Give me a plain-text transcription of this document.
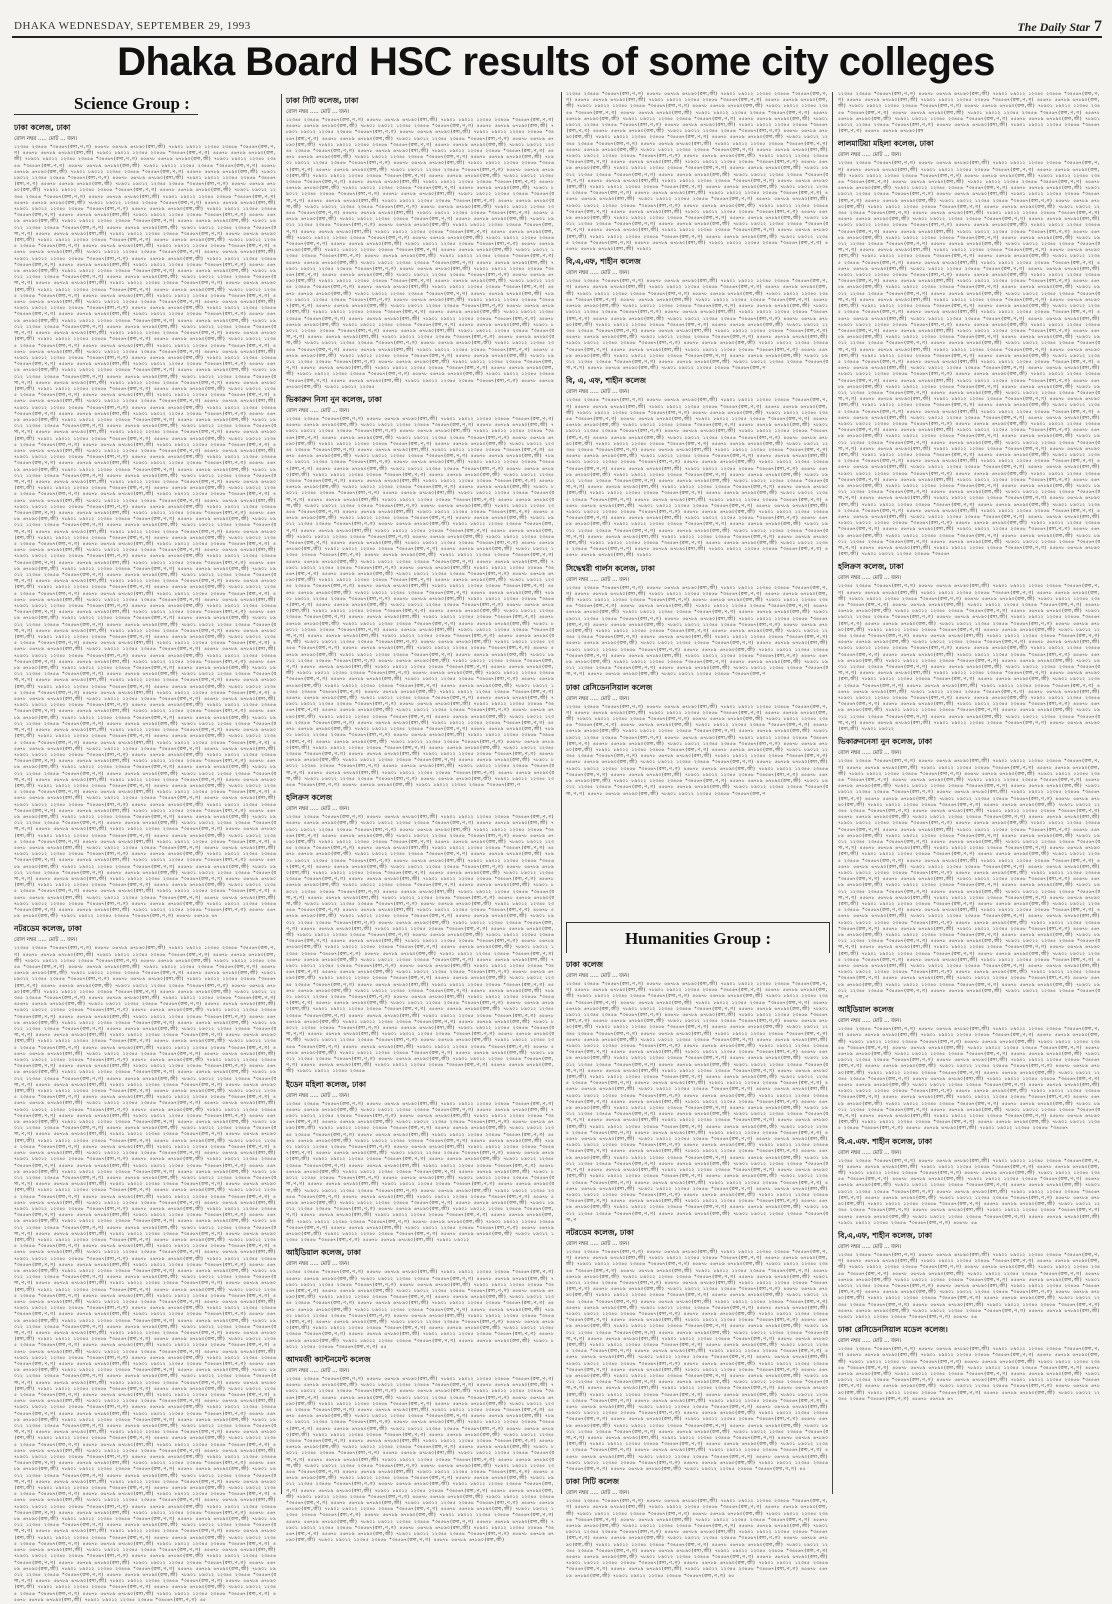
DHAKA WEDNESDAY, SEPTEMBER 29, 1993	The Daily Star 7
Dhaka Board HSC results of some city colleges
Science Group :
ঢাকা কলেজ, ঢাকা
রোল নম্বর ..... মোট ... জন।
১২৩৪৫ ২৩৪৫৬ *৩৪৫৬৭(রসা,প,গ) ৪৫৬৭৮ ৫৬৭৮৯ ৬৭৮৯০(রসা,জী) ৭৮৯০১ ৮৯০১২ ১২৩৪৫ ২৩৪৫৬ *৩৪৫৬৭(রসা,প,গ) ৪৫৬৭৮ ৫৬৭৮৯ ৬৭৮৯০(রসা,জী) ৭৮৯০১ ৮৯০১২ ১২৩৪৫ ২৩৪৫৬ *৩৪৫৬৭(রসা,প,গ) ৪৫৬৭৮ ৫৬৭৮৯ ৬৭৮৯০(রসা,জী) ৭৮৯০১ ৮৯০১২ ১২৩৪৫ ২৩৪৫৬ *৩৪৫৬৭(রসা,প,গ) ৪৫৬৭৮ ৫৬৭৮৯ ৬৭৮৯০(রসা,জী) ৭৮৯০১ ৮৯০১২ ১২৩৪৫ ২৩৪৫৬ *৩৪৫৬৭(রসা,প,গ) ৪৫৬৭৮ ৫৬৭৮৯ ৬৭৮৯০(রসা,জী) ৭৮৯০১ ৮৯০১২ ১২৩৪৫ ২৩৪৫৬ *৩৪৫৬৭(রসা,প,গ) ৪৫৬৭৮ ৫৬৭৮৯ ৬৭৮৯০(রসা,জী) ৭৮৯০১ ৮৯০১২ ১২৩৪৫ ২৩৪৫৬ *৩৪৫৬৭(রসা,প,গ) ৪৫৬৭৮ ৫৬৭৮৯ ৬৭৮৯০(রসা,জী) ৭৮৯০১ ৮৯০১২ ১২৩৪৫ ২৩৪৫৬ *৩৪৫৬৭(রসা,প,গ) ৪৫৬৭৮ ৫৬৭৮৯ ৬৭৮৯০(রসা,জী) ৭৮৯০১ ৮৯০১২ ১২৩৪৫ ২৩৪৫৬ *৩৪৫৬৭(রসা,প,গ) ৪৫৬৭৮ ৫৬৭৮৯ ৬৭৮৯০(রসা,জী) ৭৮৯০১ ৮৯০১২ ১২৩৪৫ ২৩৪৫৬ *৩৪৫৬৭(রসা,প,গ) ৪৫৬৭৮ ৫৬৭৮৯ ৬৭৮৯০(রসা,জী) ৭৮৯০১ ৮৯০১২ ১২৩৪৫ ২৩৪৫৬ *৩৪৫৬৭(রসা,প,গ) ৪৫৬৭৮ ৫৬৭৮৯ ৬৭৮৯০(রসা,জী) ৭৮৯০১ ৮৯০১২ ১২৩৪৫ ২৩৪৫৬ *৩৪৫৬৭(রসা,প,গ) ৪৫৬৭৮ ৫৬৭৮৯ ৬৭৮৯০(রসা,জী) ৭৮৯০১ ৮৯০১২ ১২৩৪৫ ২৩৪৫৬ *৩৪৫৬৭(রসা,প,গ) ৪৫৬৭৮ ৫৬৭৮৯ ৬৭৮৯০(রসা,জী) ৭৮৯০১ ৮৯০১২ ১২৩৪৫ ২৩৪৫৬ *৩৪৫৬৭(রসা,প,গ) ৪৫৬৭৮ ৫৬৭৮৯ ৬৭৮৯০(রসা,জী) ৭৮৯০১ ৮৯০১২ ১২৩৪৫ ২৩৪৫৬ *৩৪৫৬৭(রসা,প,গ) ৪৫৬৭৮ ৫৬৭৮৯ ৬৭৮৯০(রসা,জী) ৭৮৯০১ ৮৯০১২ ১২৩৪৫ ২৩৪৫৬ *৩৪৫৬৭(রসা,প,গ) ৪৫৬৭৮ ৫৬৭৮৯ ৬৭৮৯০(রসা,জী) ৭৮৯০১ ৮৯০১২ ১২৩৪৫ ২৩৪৫৬ *৩৪৫৬৭(রসা,প,গ) ৪৫৬৭৮ ৫৬৭৮৯ ৬৭৮৯০(রসা,জী) ৭৮৯০১ ৮৯০১২ ১২৩৪৫ ২৩৪৫৬ *৩৪৫৬৭(রসা,প,গ) ৪৫৬৭৮ ৫৬৭৮৯ ৬৭৮৯০(রসা,জী) ৭৮৯০১ ৮৯০১২ ১২৩৪৫ ২৩৪৫৬ *৩৪৫৬৭(রসা,প,গ) ৪৫৬৭৮ ৫৬৭৮৯ ৬৭৮৯০(রসা,জী) ৭৮৯০১ ৮৯০১২ ১২৩৪৫ ২৩৪৫৬ *৩৪৫৬৭(রসা,প,গ) ৪৫৬৭৮ ৫৬৭৮৯ ৬৭৮৯০(রসা,জী) ৭৮৯০১ ৮৯০১২ ১২৩৪৫ ২৩৪৫৬ *৩৪৫৬৭(রসা,প,গ) ৪৫৬৭৮ ৫৬৭৮৯ ৬৭৮৯০(রসা,জী) ৭৮৯০১ ৮৯০১২ ১২৩৪৫ ২৩৪৫৬ *৩৪৫৬৭(রসা,প,গ) ৪৫৬৭৮ ৫৬৭৮৯ ৬৭৮৯০(রসা,জী) ৭৮৯০১ ৮৯০১২ ১২৩৪৫ ২৩৪৫৬ *৩৪৫৬৭(রসা,প,গ) ৪৫৬৭৮ ৫৬৭৮৯ ৬৭৮৯০(রসা,জী) ৭৮৯০১ ৮৯০১২ ১২৩৪৫ ২৩৪৫৬ *৩৪৫৬৭(রসা,প,গ) ৪৫৬৭৮ ৫৬৭৮৯ ৬৭৮৯০(রসা,জী) ৭৮৯০১ ৮৯০১২ ১২৩৪৫ ২৩৪৫৬ *৩৪৫৬৭(রসা,প,গ) ৪৫৬৭৮ ৫৬৭৮৯ ৬৭৮৯০(রসা,জী) ৭৮৯০১ ৮৯০১২ ১২৩৪৫ ২৩৪৫৬ *৩৪৫৬৭(রসা,প,গ) ৪৫৬৭৮ ৫৬৭৮৯ ৬৭৮৯০(রসা,জী) ৭৮৯০১ ৮৯০১২ ১২৩৪৫ ২৩৪৫৬ *৩৪৫৬৭(রসা,প,গ) ৪৫৬৭৮ ৫৬৭৮৯ ৬৭৮৯০(রসা,জী) ৭৮৯০১ ৮৯০১২ ১২৩৪৫ ২৩৪৫৬ *৩৪৫৬৭(রসা,প,গ) ৪৫৬৭৮ ৫৬৭৮৯ ৬৭৮৯০(রসা,জী) ৭৮৯০১ ৮৯০১২ ১২৩৪৫ ২৩৪৫৬ *৩৪৫৬৭(রসা,প,গ) ৪৫৬৭৮ ৫৬৭৮৯ ৬৭৮৯০(রসা,জী) ৭৮৯০১ ৮৯০১২ ১২৩৪৫ ২৩৪৫৬ *৩৪৫৬৭(রসা,প,গ) ৪৫৬৭৮ ৫৬৭৮৯ ৬৭৮৯০(রসা,জী) ৭৮৯০১ ৮৯০১২ ১২৩৪৫ ২৩৪৫৬ *৩৪৫৬৭(রসা,প,গ) ৪৫৬৭৮ ৫৬৭৮৯ ৬৭৮৯০(রসা,জী) ৭৮৯০১ ৮৯০১২ ১২৩৪৫ ২৩৪৫৬ *৩৪৫৬৭(রসা,প,গ) ৪৫৬৭৮ ৫৬৭৮৯ ৬৭৮৯০(রসা,জী) ৭৮৯০১ ৮৯০১২ ১২৩৪৫ ২৩৪৫৬ *৩৪৫৬৭(রসা,প,গ) ৪৫৬৭৮ ৫৬৭৮৯ ৬৭৮৯০(রসা,জী) ৭৮৯০১ ৮৯০১২ ১২৩৪৫ ২৩৪৫৬ *৩৪৫৬৭(রসা,প,গ) ৪৫৬৭৮ ৫৬৭৮৯ ৬৭৮৯০(রসা,জী) ৭৮৯০১ ৮৯০১২ ১২৩৪৫ ২৩৪৫৬ *৩৪৫৬৭(রসা,প,গ) ৪৫৬৭৮ ৫৬৭৮৯ ৬৭৮৯০(রসা,জী) ৭৮৯০১ ৮৯০১২ ১২৩৪৫ ২৩৪৫৬ *৩৪৫৬৭(রসা,প,গ) ৪৫৬৭৮ ৫৬৭৮৯ ৬৭৮৯০(রসা,জী) ৭৮৯০১ ৮৯০১২ ১২৩৪৫ ২৩৪৫৬ *৩৪৫৬৭(রসা,প,গ) ৪৫৬৭৮ ৫৬৭৮৯ ৬৭৮৯০(রসা,জী) ৭৮৯০১ ৮৯০১২ ১২৩৪৫ ২৩৪৫৬ *৩৪৫৬৭(রসা,প,গ) ৪৫৬৭৮ ৫৬৭৮৯ ৬৭৮৯০(রসা,জী) ৭৮৯০১ ৮৯০১২ ১২৩৪৫ ২৩৪৫৬ *৩৪৫৬৭(রসা,প,গ) ৪৫৬৭৮ ৫৬৭৮৯ ৬৭৮৯০(রসা,জী) ৭৮৯০১ ৮৯০১২ ১২৩৪৫ ২৩৪৫৬ *৩৪৫৬৭(রসা,প,গ) ৪৫৬৭৮ ৫৬৭৮৯ ৬৭৮৯০(রসা,জী) ৭৮৯০১ ৮৯০১২ ১২৩৪৫ ২৩৪৫৬ *৩৪৫৬৭(রসা,প,গ) ৪৫৬৭৮ ৫৬৭৮৯ ৬৭৮৯০(রসা,জী) ৭৮৯০১ ৮৯০১২ ১২৩৪৫ ২৩৪৫৬ *৩৪৫৬৭(রসা,প,গ) ৪৫৬৭৮ ৫৬৭৮৯ ৬৭৮৯০(রসা,জী) ৭৮৯০১ ৮৯০১২ ১২৩৪৫ ২৩৪৫৬ *৩৪৫৬৭(রসা,প,গ) ৪৫৬৭৮ ৫৬৭৮৯ ৬৭৮৯০(রসা,জী) ৭৮৯০১ ৮৯০১২ ১২৩৪৫ ২৩৪৫৬ *৩৪৫৬৭(রসা,প,গ) ৪৫৬৭৮ ৫৬৭৮৯ ৬৭৮৯০(রসা,জী) ৭৮৯০১ ৮৯০১২ ১২৩৪৫ ২৩৪৫৬ *৩৪৫৬৭(রসা,প,গ) ৪৫৬৭৮ ৫৬৭৮৯ ৬৭৮৯০(রসা,জী) ৭৮৯০১ ৮৯০১২ ১২৩৪৫ ২৩৪৫৬ *৩৪৫৬৭(রসা,প,গ) ৪৫৬৭৮ ৫৬৭৮৯ ৬৭৮৯০(রসা,জী) ৭৮৯০১ ৮৯০১২ ১২৩৪৫ ২৩৪৫৬ *৩৪৫৬৭(রসা,প,গ) ৪৫৬৭৮ ৫৬৭৮৯ ৬৭৮৯০(রসা,জী) ৭৮৯০১ ৮৯০১২ ১২৩৪৫ ২৩৪৫৬ *৩৪৫৬৭(রসা,প,গ) ৪৫৬৭৮ ৫৬৭৮৯ ৬৭৮৯০(রসা,জী) ৭৮৯০১ ৮৯০১২ ১২৩৪৫ ২৩৪৫৬ *৩৪৫৬৭(রসা,প,গ) ৪৫৬৭৮ ৫৬৭৮৯ ৬৭৮৯০(রসা,জী) ৭৮৯০১ ৮৯০১২ ১২৩৪৫ ২৩৪৫৬ *৩৪৫৬৭(রসা,প,গ) ৪৫৬৭৮ ৫৬৭৮৯ ৬৭৮৯০(রসা,জী) ৭৮৯০১ ৮৯০১২ ১২৩৪৫ ২৩৪৫৬ *৩৪৫৬৭(রসা,প,গ) ৪৫৬৭৮ ৫৬৭৮৯ ৬৭৮৯০(রসা,জী) ৭৮৯০১ ৮৯০১২ ১২৩৪৫ ২৩৪৫৬ *৩৪৫৬৭(রসা,প,গ) ৪৫৬৭৮ ৫৬৭৮৯ ৬৭৮৯০(রসা,জী) ৭৮৯০১ ৮৯০১২ ১২৩৪৫ ২৩৪৫৬ *৩৪৫৬৭(রসা,প,গ) ৪৫৬৭৮ ৫৬৭৮৯ ৬৭৮৯০(রসা,জী) ৭৮৯০১ ৮৯০১২ ১২৩৪৫ ২৩৪৫৬ *৩৪৫৬৭(রসা,প,গ) ৪৫৬৭৮ ৫৬৭৮৯ ৬৭৮৯০(রসা,জী) ৭৮৯০১ ৮৯০১২ ১২৩৪৫ ২৩৪৫৬ *৩৪৫৬৭(রসা,প,গ) ৪৫৬৭৮ ৫৬৭৮৯ ৬৭৮৯০(রসা,জী) ৭৮৯০১ ৮৯০১২ ১২৩৪৫ ২৩৪৫৬ *৩৪৫৬৭(রসা,প,গ) ৪৫৬৭৮ ৫৬৭৮৯ ৬৭৮৯০(রসা,জী) ৭৮৯০১ ৮৯০১২ ১২৩৪৫ ২৩৪৫৬ *৩৪৫৬৭(রসা,প,গ) ৪৫৬৭৮ ৫৬৭৮৯ ৬৭৮৯০(রসা,জী) ৭৮৯০১ ৮৯০১২ ১২৩৪৫ ২৩৪৫৬ *৩৪৫৬৭(রসা,প,গ) ৪৫৬৭৮ ৫৬৭৮৯ ৬৭৮৯০(রসা,জী) ৭৮৯০১ ৮৯০১২ ১২৩৪৫ ২৩৪৫৬ *৩৪৫৬৭(রসা,প,গ) ৪৫৬৭৮ ৫৬৭৮৯ ৬৭৮৯০(রসা,জী) ৭৮৯০১ ৮৯০১২ ১২৩৪৫ ২৩৪৫৬ *৩৪৫৬৭(রসা,প,গ) ৪৫৬৭৮ ৫৬৭৮৯ ৬৭৮৯০(রসা,জী) ৭৮৯০১ ৮৯০১২ ১২৩৪৫ ২৩৪৫৬ *৩৪৫৬৭(রসা,প,গ) ৪৫৬৭৮ ৫৬৭৮৯ ৬৭৮৯০(রসা,জী) ৭৮৯০১ ৮৯০১২ ১২৩৪৫ ২৩৪৫৬ *৩৪৫৬৭(রসা,প,গ) ৪৫৬৭৮ ৫৬৭৮৯ ৬৭৮৯০(রসা,জী) ৭৮৯০১ ৮৯০১২ ১২৩৪৫ ২৩৪৫৬ *৩৪৫৬৭(রসা,প,গ) ৪৫৬৭৮ ৫৬৭৮৯ ৬৭৮৯০(রসা,জী) ৭৮৯০১ ৮৯০১২ ১২৩৪৫ ২৩৪৫৬ *৩৪৫৬৭(রসা,প,গ) ৪৫৬৭৮ ৫৬৭৮৯ ৬৭৮৯০(রসা,জী) ৭৮৯০১ ৮৯০১২ ১২৩৪৫ ২৩৪৫৬ *৩৪৫৬৭(রসা,প,গ) ৪৫৬৭৮ ৫৬৭৮৯ ৬৭৮৯০(রসা,জী) ৭৮৯০১ ৮৯০১২ ১২৩৪৫ ২৩৪৫৬ *৩৪৫৬৭(রসা,প,গ) ৪৫৬৭৮ ৫৬৭৮৯ ৬৭৮৯০(রসা,জী) ৭৮৯০১ ৮৯০১২ ১২৩৪৫ ২৩৪৫৬ *৩৪৫৬৭(রসা,প,গ) ৪৫৬৭৮ ৫৬৭৮৯ ৬৭৮৯০(রসা,জী) ৭৮৯০১ ৮৯০১২ ১২৩৪৫ ২৩৪৫৬ *৩৪৫৬৭(রসা,প,গ) ৪৫৬৭৮ ৫৬৭৮৯ ৬৭৮৯০(রসা,জী) ৭৮৯০১ ৮৯০১২ ১২৩৪৫ ২৩৪৫৬ *৩৪৫৬৭(রসা,প,গ) ৪৫৬৭৮ ৫৬৭৮৯ ৬৭৮৯০(রসা,জী) ৭৮৯০১ ৮৯০১২ ১২৩৪৫ ২৩৪৫৬ *৩৪৫৬৭(রসা,প,গ) ৪৫৬৭৮ ৫৬৭৮৯ ৬৭৮৯০(রসা,জী) ৭৮৯০১ ৮৯০১২ ১২৩৪৫ ২৩৪৫৬ *৩৪৫৬৭(রসা,প,গ) ৪৫৬৭৮ ৫৬৭৮৯ ৬৭৮৯০(রসা,জী) ৭৮৯০১ ৮৯০১২ ১২৩৪৫ ২৩৪৫৬ *৩৪৫৬৭(রসা,প,গ) ৪৫৬৭৮ ৫৬৭৮৯ ৬৭৮৯০(রসা,জী) ৭৮৯০১ ৮৯০১২ ১২৩৪৫ ২৩৪৫৬ *৩৪৫৬৭(রসা,প,গ) ৪৫৬৭৮ ৫৬৭৮৯ ৬৭৮৯০(রসা,জী) ৭৮৯০১ ৮৯০১২ ১২৩৪৫ ২৩৪৫৬ *৩৪৫৬৭(রসা,প,গ) ৪৫৬৭৮ ৫৬৭৮৯ ৬৭৮৯০(রসা,জী) ৭৮৯০১ ৮৯০১২ ১২৩৪৫ ২৩৪৫৬ *৩৪৫৬৭(রসা,প,গ) ৪৫৬৭৮ ৫৬৭৮৯ ৬৭৮৯০(রসা,জী) ৭৮৯০১ ৮৯০১২ ১২৩৪৫ ২৩৪৫৬ *৩৪৫৬৭(রসা,প,গ) ৪৫৬৭৮ ৫৬৭৮৯ ৬৭৮৯০(রসা,জী) ৭৮৯০১ ৮৯০১২ ১২৩৪৫ ২৩৪৫৬ *৩৪৫৬৭(রসা,প,গ) ৪৫৬৭৮ ৫৬৭৮৯ ৬৭৮৯০(রসা,জী) ৭৮৯০১ ৮৯০১২ ১২৩৪৫ ২৩৪৫৬ *৩৪৫৬৭(রসা,প,গ) ৪৫৬৭৮ ৫৬৭৮৯ ৬৭৮৯০(রসা,জী) ৭৮৯০১ ৮৯০১২ ১২৩৪৫ ২৩৪৫৬ *৩৪৫৬৭(রসা,প,গ) ৪৫৬৭৮ ৫৬৭৮৯ ৬৭৮৯০(রসা,জী) ৭৮৯০১ ৮৯০১২ ১২৩৪৫ ২৩৪৫৬ *৩৪৫৬৭(রসা,প,গ) ৪৫৬৭৮ ৫৬৭৮৯ ৬৭৮৯০(রসা,জী) ৭৮৯০১ ৮৯০১২ ১২৩৪৫ ২৩৪৫৬ *৩৪৫৬৭(রসা,প,গ) ৪৫৬৭৮ ৫৬৭৮৯ ৬৭৮৯০(রসা,জী) ৭৮৯০১ ৮৯০১২ ১২৩৪৫ ২৩৪৫৬ *৩৪৫৬৭(রসা,প,গ) ৪৫৬৭৮ ৫৬৭৮৯ ৬৭৮৯০(রসা,জী) ৭৮৯০১ ৮৯০১২ ১২৩৪৫ ২৩৪৫৬ *৩৪৫৬৭(রসা,প,গ) ৪৫৬৭৮ ৫৬৭৮৯ ৬৭৮৯০(রসা,জী) ৭৮৯০১ ৮৯০১২ ১২৩৪৫ ২৩৪৫৬ *৩৪৫৬৭(রসা,প,গ) ৪৫৬৭৮ ৫৬৭৮৯ ৬৭৮৯০(রসা,জী) ৭৮৯০১ ৮৯০১২ ১২৩৪৫ ২৩৪৫৬ *৩৪৫৬৭(রসা,প,গ) ৪৫৬৭৮ ৫৬৭৮৯ ৬৭৮৯০(রসা,জী) ৭৮৯০১ ৮৯০১২ ১২৩৪৫ ২৩৪৫৬ *৩৪৫৬৭(রসা,প,গ) ৪৫৬৭৮ ৫৬৭৮৯ ৬৭৮৯০(রসা,জী) ৭৮৯০১ ৮৯০১২ ১২৩৪৫ ২৩৪৫৬ *৩৪৫৬৭(রসা,প,গ) ৪৫৬৭৮ ৫৬৭৮৯ ৬৭৮৯০(রসা,জী) ৭৮৯০১ ৮৯০১২ ১২৩৪৫ ২৩৪৫৬ *৩৪৫৬৭(রসা,প,গ) ৪৫৬৭৮ ৫৬৭৮৯ ৬৭৮৯০(রসা,জী) ৭৮৯০১ ৮৯০১২ ১২৩৪৫ ২৩৪৫৬ *৩৪৫৬৭(রসা,প,গ) ৪৫৬৭৮ ৫৬৭৮৯ ৬৭৮৯০(রসা,জী) ৭৮৯০১ ৮৯০১২ ১২৩৪৫ ২৩৪৫৬ *৩৪৫৬৭(রসা,প,গ) ৪৫৬৭৮ ৫৬৭৮৯ ৬৭৮৯০(রসা,জী) ৭৮৯০১ ৮৯০১২ ১২৩৪৫ ২৩৪৫৬ *৩৪৫৬৭(রসা,প,গ) ৪৫৬৭৮ ৫৬৭৮৯ ৬৭৮৯০(রসা,জী) ৭৮৯০১ ৮৯০১২ ১২৩৪৫ ২৩৪৫৬ *৩৪৫৬৭(রসা,প,গ) ৪৫৬৭৮ ৫৬৭৮৯ ৬৭৮৯০(রসা,জী) ৭৮৯০১ ৮৯০১২ ১২৩৪৫ ২৩৪৫৬ *৩৪৫৬৭(রসা,প,গ) ৪৫৬৭৮ ৫৬৭৮৯ ৬৭৮৯০(রসা,জী) ৭৮৯০১ ৮৯০১২ ১২৩৪৫ ২৩৪৫৬ *৩৪৫৬৭(রসা,প,গ) ৪৫৬৭৮ ৫৬৭৮৯ ৬৭৮৯০(রসা,জী) ৭৮৯০১ ৮৯০১২ ১২৩৪৫ ২৩৪৫৬ *৩৪৫৬৭(রসা,প,গ) ৪৫৬৭৮ ৫৬৭৮৯ ৬৭৮৯০(রসা,জী) ৭৮৯০১ ৮৯০১২ ১২৩৪৫ ২৩৪৫৬ *৩৪৫৬৭(রসা,প,গ) ৪৫৬৭৮ ৫৬৭৮৯ ৬৭৮৯০(রসা,জী) ৭৮৯০১ ৮৯০১২ ১২৩৪৫ ২৩৪৫৬ *৩৪৫৬৭(রসা,প,গ) ৪৫৬৭৮ ৫৬৭৮৯ ৬৭৮৯০(রসা,জী) ৭৮৯০১ ৮৯০১২ ১২৩৪৫ ২৩৪৫৬ *৩৪৫৬৭(রসা,প,গ) ৪৫৬৭৮ ৫৬৭৮৯ ৬৭৮৯০(রসা,জী) ৭৮৯০১ ৮৯০১২ ১২৩৪৫ ২৩৪৫৬ *৩৪৫৬৭(রসা,প,গ) ৪৫৬৭৮ ৫৬৭৮৯ ৬৭৮৯০(রসা,জী) ৭৮৯০১ ৮৯০১২ ১২৩৪৫ ২৩৪৫৬ *৩৪৫৬৭(রসা,প,গ) ৪৫৬৭৮ ৫৬৭৮৯ ৬৭৮৯০(রসা,জী) ৭৮৯০১ ৮৯০১২ ১২৩৪৫ ২৩৪৫৬ *৩৪৫৬৭(রসা,প,গ) ৪৫৬৭৮ ৫৬৭৮৯ ৬৭৮৯০(রসা,জী) ৭৮৯০১ ৮৯০১২ ১২৩৪৫ ২৩৪৫৬ *৩৪৫৬৭(রসা,প,গ) ৪৫৬৭৮ ৫৬৭৮৯ ৬৭৮৯০(রসা,জী) ৭৮৯০১ ৮৯০১২ ১২৩৪৫ ২৩৪৫৬ *৩৪৫৬৭(রসা,প,গ) ৪৫৬৭৮ ৫৬৭৮৯ ৬৭৮৯০(রসা,জী) ৭৮৯০১ ৮৯০১২ ১২৩৪৫ ২৩৪৫৬ *৩৪৫৬৭(রসা,প,গ) ৪৫৬৭৮ ৫৬৭৮৯ ৬৭৮৯০(রসা,জী) ৭৮৯০১ ৮৯০১২ ১২৩৪৫ ২৩৪৫৬ *৩৪৫৬৭(রসা,প,গ) ৪৫৬৭৮ ৫৬৭৮৯ ৬৭৮৯০(রসা,জী) ৭৮৯০১ ৮৯০১২ ১২৩৪৫ ২৩৪৫৬ *৩৪৫৬৭(রসা,প,গ) ৪৫৬৭৮ ৫৬৭৮৯ ৬৭৮৯০(রসা,জী) ৭৮৯০১ ৮৯০১২ ১২৩৪৫ ২৩৪৫৬ *৩৪৫৬৭(রসা,প,গ) ৪৫৬৭৮ ৫৬৭৮৯ ৬৭৮৯০(রসা,জী) ৭৮৯০১ ৮৯০১২ ১২৩৪৫ ২৩৪৫৬ *৩৪৫৬৭(রসা,প,গ) ৪৫৬৭৮ ৫৬৭৮৯ ৬৭৮৯০(রসা,জী) ৭৮৯০১ ৮৯০১২ ১২৩৪৫ ২৩৪৫৬ *৩৪৫৬৭(রসা,প,গ) ৪৫৬৭৮ ৫৬৭৮৯ ৬৭৮৯০(রসা,জী) ৭৮৯০১ ৮৯০১২ ১২৩৪৫ ২৩৪৫৬ *৩৪৫৬৭(রসা,প,গ) ৪৫৬৭৮ ৫৬৭৮৯ ৬৭৮৯০(রসা,জী) ৭৮৯০১ ৮৯০১২ ১২৩৪৫ ২৩৪৫৬ *৩৪৫৬৭(রসা,প,গ) ৪৫৬৭৮ ৫৬৭৮৯ ৬৭৮৯০(রসা,জী) ৭৮৯০১ ৮৯০১২ ১২৩৪৫ ২৩৪৫৬ *৩৪৫৬৭(রসা,প,গ) ৪৫৬৭৮ ৫৬৭৮৯ ৬৭৮৯০(রসা,জী) ৭৮৯০১ ৮৯০১২ ১২৩৪৫ ২৩৪৫৬ *৩৪৫৬৭(রসা,প,গ) ৪৫৬৭৮ ৫৬৭৮৯ ৬৭৮৯০(রসা,জী) ৭৮৯০১ ৮৯০১২ ১২৩৪৫ ২৩৪৫৬ *৩৪৫৬৭(রসা,প,গ) ৪৫৬৭৮ ৫৬৭৮৯ ৬৭৮৯০(রসা,জী) ৭৮৯০১ ৮৯০১২ ১২৩৪৫ ২৩৪৫৬ *৩৪৫৬৭(রসা,প,গ) ৪৫৬৭৮ ৫৬৭৮৯ ৬৭৮৯০(রসা,জী) ৭৮৯০১ ৮৯০১২ ১২৩৪৫ ২৩৪৫৬ *৩৪৫৬৭(রসা,প,গ) ৪৫৬৭৮ ৫৬৭৮৯ ৬৭৮৯০(রসা,জী) ৭৮৯০১ ৮৯০১২ ১২৩৪৫ ২৩৪৫৬ *৩৪৫৬৭(রসা,প,গ) ৪৫৬৭৮ ৫৬৭৮৯ ৬৭৮৯০(রসা,জী) ৭৮৯০১ ৮৯০১২ ১২৩৪৫ ২৩৪৫৬ *৩৪৫৬৭(রসা,প,গ) ৪৫৬৭৮ ৫৬৭৮৯ ৬৭৮৯০(রসা,জী) ৭৮৯০১ ৮৯০১২ ১২৩৪৫ ২৩৪৫৬ *৩৪৫৬৭(রসা,প,গ) ৪৫৬৭৮ ৫৬৭৮৯ ৬৭৮৯০(রসা,জী) ৭৮৯০১ ৮৯০১২ ১২৩৪৫ ২৩৪৫৬ *৩৪৫৬৭(রসা,প,গ) ৪৫৬৭৮ ৫৬৭৮৯ ৬৭৮৯০(রসা,জী) ৭৮৯০১ ৮৯০১২ ১২৩৪৫ ২৩৪৫৬ *৩৪৫৬৭(রসা,প,গ) ৪৫৬৭৮ ৫৬৭৮৯ ৬৭৮৯০(রসা,জী) ৭৮৯০১ ৮৯০১২ ১২৩৪৫ ২৩৪৫৬ *৩৪৫৬৭(রসা,প,গ) ৪৫৬৭৮ ৫৬৭৮৯ ৬৭৮৯০(রসা,জী) ৭৮৯০১ ৮৯০১২ ১২৩৪৫ ২৩৪৫৬ *৩৪৫৬৭(রসা,প,গ) ৪৫৬৭৮ ৫৬৭৮৯ ৬৭৮৯০(রসা,জী) ৭৮৯০১ ৮৯০১২ ১২৩৪৫ ২৩৪৫৬ *৩৪৫৬৭(রসা,প,গ) ৪৫৬৭৮ ৫৬৭৮৯ ৬৭৮৯০(রসা,জী) ৭৮৯০১ ৮৯০১২ ১২৩৪৫ ২৩৪৫৬ *৩৪৫৬৭(রসা,প,গ) ৪৫৬৭৮ ৫৬৭৮৯ ৬৭৮৯০(রসা,জী) ৭৮৯০১ ৮৯০১২ ১২৩৪৫ ২৩৪৫৬ *৩৪৫৬৭(রসা,প,গ) ৪৫৬৭৮ ৫৬৭৮৯ ৬৭৮৯০(রসা,জী) ৭৮৯০১ ৮৯০১২ ১২৩৪৫ ২৩৪৫৬ *৩৪৫৬৭(রসা,প,গ) ৪৫৬৭৮ ৫৬৭৮৯ ৬৭৮৯০(রসা,জী) ৭৮৯০১ ৮৯০১২ ১২৩৪৫ ২৩৪৫৬ *৩৪৫৬৭(রসা,প,গ) ৪৫৬৭৮ ৫৬৭৮৯ ৬৭৮৯০(রসা,জী) ৭৮৯০১ ৮৯০১২ ১২৩৪৫ ২৩৪৫৬ *৩৪৫৬৭(রসা,প,গ) ৪৫৬৭৮ ৫৬৭৮৯ ৬৭৮৯০(রসা,জী) ৭৮৯০১ ৮৯০১২ ১২৩৪৫ ২৩৪৫৬ *৩৪৫৬৭(রসা,প,গ) ৪৫৬৭৮ ৫৬৭৮৯ ৬৭৮৯০(রসা,জী) ৭৮৯০১ ৮৯০১২ ১২৩৪৫ ২৩৪৫৬ *৩৪৫৬৭(রসা,প,গ) ৪৫৬৭৮ ৫৬৭৮৯ ৬৭৮৯০(রসা,জী) ৭৮৯০১ ৮৯০১২ ১২৩৪৫ ২৩৪৫৬ *৩৪৫৬৭(রসা,প,গ) ৪৫৬৭৮ ৫৬৭৮৯ ৬৭৮৯০(রসা,জী) ৭৮৯০১ ৮৯০১২ ১২৩৪৫ ২৩৪৫৬ *৩৪৫৬৭(রসা,প,গ) ৪৫৬৭৮ ৫৬৭৮৯ ৬৭৮৯০(রসা,জী) ৭৮৯০১ ৮৯০১২ ১২৩৪৫ ২৩৪৫৬ *৩৪৫৬৭(রসা,প,গ) ৪৫৬৭৮ ৫৬৭৮৯ ৬৭৮৯০(রসা,জী) ৭৮৯০১ ৮৯০১২ ১২৩৪৫ ২৩৪৫৬ *৩৪৫৬৭(রসা,প,গ) ৪৫৬৭৮ ৫৬৭৮৯ ৬৭৮৯০(রসা,জী) ৭৮৯০১ ৮৯০১২ ১২৩৪৫ ২৩৪৫৬ *৩৪৫৬৭(রসা,প,গ) ৪৫৬৭৮ ৫৬৭৮৯ ৬৭৮৯০(রসা,জী) ৭৮৯০১ ৮৯০১২ ১২৩৪৫ ২৩৪৫৬ *৩৪৫৬৭(রসা,প,গ) ৪৫৬৭৮ ৫৬৭৮৯ ৬৭৮৯০(রসা,জী) ৭৮৯০১ ৮৯০১২ ১২৩৪৫ ২৩৪৫৬ *৩৪৫৬৭(রসা,প,গ) ৪৫৬৭৮ ৫৬৭৮৯ ৬৭৮৯০(রসা,জী) ৭৮৯০১ ৮৯০১২ ১২৩৪৫ ২৩৪৫৬ *৩৪৫৬৭(রসা,প,গ) ৪৫৬৭৮ ৫৬৭৮৯ ৬৭৮৯০(রসা,জী) ৭৮৯০১ ৮৯০১২ ১২৩৪৫ ২৩৪৫৬ *৩৪৫৬৭(রসা,প,গ) ৪৫৬৭৮ ৫৬৭৮৯ ৬৭৮৯০(রসা,জী) ৭৮৯০১ ৮৯০১২ ১২৩৪৫ ২৩৪৫৬ *৩৪৫৬৭(রসা,প,গ) ৪৫৬৭৮ ৫৬৭৮৯ ৬৭৮৯০(রসা,জী) ৭৮৯০১ ৮৯০১২ ১২৩৪৫ ২৩৪৫৬ *৩৪৫৬৭(রসা,প,গ) ৪৫৬৭৮ ৫৬৭৮৯ ৬৭৮৯০(রসা,জী) ৭৮৯০১ ৮৯০১২ ১২৩৪৫ ২৩৪৫৬ *৩৪৫৬৭(রসা,প,গ) ৪৫৬৭৮ ৫৬৭৮৯ ৬৭৮৯০(রসা,জী) ৭৮৯০১ ৮৯০১২ ১২৩৪৫ ২৩৪৫৬ *৩৪৫৬৭(রসা,প,গ) ৪৫৬৭৮ ৫৬৭৮৯ ৬৭৮৯০(রসা,জী) ৭৮৯০১ ৮৯০১২ ১২৩৪৫ ২৩৪৫৬ *৩৪৫৬৭(রসা,প,গ) ৪৫৬৭৮ ৫৬৭৮৯ ৬৭৮৯০(রসা,জী) ৭৮৯০১ ৮৯০১২ ১২৩৪৫ ২৩৪৫৬ *৩৪৫৬৭(রসা,প,গ) ৪৫৬৭৮ ৫৬৭৮৯ ৬৭৮৯০(রসা,জী) ৭৮৯০১ ৮৯০১২ ১২৩৪৫ ২৩৪৫৬ *৩৪৫৬৭(রসা,প,গ) ৪৫৬৭৮ ৫৬৭৮৯ ৬৭৮৯০(রসা,জী) ৭৮৯০১ ৮৯০১২ ১২৩৪৫ ২৩৪৫৬ *৩৪৫৬৭(রসা,প,গ) ৪৫৬৭৮ ৫৬৭৮৯ ৬৭৮৯০(রসা,জী) ৭৮৯০১ ৮৯০১২ ১২৩৪৫ ২৩৪৫৬ *৩৪৫৬৭(রসা,প,গ) ৪৫৬৭৮ ৫৬৭৮৯ ৬৭৮৯০(রসা,জী) ৭৮৯০১ ৮৯০১২ ১২৩৪৫ ২৩৪৫৬ *৩৪৫৬৭(রসা,প,গ) ৪৫৬৭৮ ৫৬৭৮৯ ৬৭৮৯০(রসা,জী) ৭৮৯০১ ৮৯০১২ ১২৩৪৫ ২৩৪৫৬ *৩৪৫৬৭(রসা,প,গ) ৪৫৬৭৮ ৫৬৭৮৯ ৬৭৮৯০(রসা,জী) ৭৮৯০১ ৮৯০১২ ১২৩৪৫ ২৩৪৫৬ *৩৪৫৬৭(রসা,প,গ) ৪৫৬৭৮ ৫৬৭৮৯ ৬৭৮৯০(রসা,জী) ৭৮৯০১ ৮৯০১২ ১২৩৪৫ ২৩৪৫৬ *৩৪৫৬৭(রসা,প,গ) ৪৫৬৭৮ ৫৬৭৮৯ ৬৭৮৯০(রসা,জী) ৭৮৯০১ ৮৯০১২ ১২৩৪৫ ২৩৪৫৬ *৩৪৫৬৭(রসা,প,গ) ৪৫৬৭৮ ৫৬৭৮৯ ৬৭৮৯০(রসা,জী) ৭৮৯০১ ৮৯০১২ ১২৩৪৫ ২৩৪৫৬ *৩৪৫৬৭(রসা,প,গ) ৪৫৬৭৮ ৫৬৭৮৯ ৬৭৮৯০(রসা,জী) ৭৮৯০১ ৮৯০১২ ১২৩৪৫ ২৩৪৫৬ *৩৪৫৬৭(রসা,প,গ) ৪৫৬৭৮ ৫৬৭৮৯ ৬৭৮৯০(রসা,জী) ৭৮৯০১ ৮৯০১২ ১২৩৪৫ ২৩৪৫৬ *৩৪৫৬৭(রসা,প,গ) ৪৫৬৭৮ ৫৬৭৮৯ ৬৭৮৯০(রসা,জী) ৭৮৯০১ ৮৯০১২ ১২৩৪৫ ২৩৪৫৬ *৩৪৫৬৭(রসা,প,গ) ৪৫৬৭৮ ৫৬৭৮৯ ৬৭৮৯০(রসা,জী) ৭৮৯০১ ৮৯০১২ ১২৩৪৫ ২৩৪৫৬ *৩৪৫৬৭(রসা,প,গ) ৪৫৬৭৮ ৫৬৭৮৯ ৬৭৮৯০(রসা,জী) ৭৮৯০১ ৮৯০১২ ১২৩৪৫ ২৩৪৫৬ *৩৪৫৬৭(রসা,প,গ) ৪৫৬৭৮ ৫৬৭৮৯ ৬৭৮৯০(রসা,জী) ৭৮৯০১ ৮৯০১২ ১২৩৪৫ ২৩৪৫৬ *৩৪৫৬৭(রসা,প,গ) ৪৫৬৭৮ ৫৬৭৮৯ ৬৭৮৯০(রসা,জী) ৭৮৯০১ ৮৯০১২ ১২৩৪৫ ২৩৪৫৬ *৩৪৫৬৭(রসা,প,গ) ৪৫৬৭৮ ৫৬৭৮৯ ৬৭৮৯০(রসা,জী) ৭৮৯০১ ৮৯০১২ ১২৩৪৫ ২৩৪৫৬ *৩৪৫৬৭(রসা,প,গ) ৪৫৬৭৮ ৫৬৭৮৯ ৬৭৮৯০(রসা,জী) ৭৮৯০১ ৮৯০১২ ১২৩৪৫ ২৩৪৫৬ *৩৪৫৬৭(রসা,প,গ) ৪৫৬৭৮ ৫৬৭৮৯ ৬৭৮৯০(রসা,জী) ৭৮৯০১ ৮৯০১২ ১২৩৪৫ ২৩৪৫৬ *৩৪৫৬৭(রসা,প,গ) ৪৫৬৭৮ ৫৬৭৮৯ ৬৭৮৯০(রসা,জী) ৭৮৯০১ ৮৯০১২ ১২৩৪৫ ২৩৪৫৬ *৩৪৫৬৭(রসা,প,গ) ৪৫৬৭৮ ৫৬৭৮৯ ৬৭৮৯০(রসা,জী) ৭৮৯০১ ৮৯০১২ ১২৩৪৫ ২৩৪৫৬ *৩৪৫৬৭(রসা,প,গ) ৪৫৬৭৮ ৫৬৭৮৯ ৬৭৮৯০(রসা,জী) ৭৮৯০১ ৮৯০১২ ১২৩৪৫ ২৩৪৫৬ *৩৪৫৬৭(রসা,প,গ) ৪৫৬৭৮ ৫৬৭৮৯ ৬৭৮৯০(রসা,জী) ৭৮৯০১ ৮৯০১২ ১২৩৪৫ ২৩৪৫৬ *৩৪৫৬৭(রসা,প,গ) ৪৫৬৭৮ ৫৬৭৮৯ ৬৭৮৯০(রসা,জী) ৭৮৯০১ ৮৯০১২ ১২৩৪৫ ২৩৪৫৬ *৩৪৫৬৭(রসা,প,গ) ৪৫৬৭৮ ৫৬৭৮৯ ৬৭৮৯০(রসা,জী) ৭৮৯০১ ৮৯০১২ ১২৩৪৫ ২৩৪৫৬ *৩৪৫৬৭(রসা,প,গ) ৪৫৬৭৮ ৫৬৭৮৯ ৬৭৮৯০(রসা,জী) ৭৮৯০১ ৮৯০১২ ১২৩৪৫ ২৩৪৫৬ *৩৪৫৬৭(রসা,প,গ) ৪৫৬৭৮ ৫৬৭৮৯ ৬৭
নটরডেম কলেজ, ঢাকা
রোল নম্বর ..... মোট ... জন।
১২৩৪৫ ২৩৪৫৬ *৩৪৫৬৭(রসা,প,গ) ৪৫৬৭৮ ৫৬৭৮৯ ৬৭৮৯০(রসা,জী) ৭৮৯০১ ৮৯০১২ ১২৩৪৫ ২৩৪৫৬ *৩৪৫৬৭(রসা,প,গ) ৪৫৬৭৮ ৫৬৭৮৯ ৬৭৮৯০(রসা,জী) ৭৮৯০১ ৮৯০১২ ১২৩৪৫ ২৩৪৫৬ *৩৪৫৬৭(রসা,প,গ) ৪৫৬৭৮ ৫৬৭৮৯ ৬৭৮৯০(রসা,জী) ৭৮৯০১ ৮৯০১২ ১২৩৪৫ ২৩৪৫৬ *৩৪৫৬৭(রসা,প,গ) ৪৫৬৭৮ ৫৬৭৮৯ ৬৭৮৯০(রসা,জী) ৭৮৯০১ ৮৯০১২ ১২৩৪৫ ২৩৪৫৬ *৩৪৫৬৭(রসা,প,গ) ৪৫৬৭৮ ৫৬৭৮৯ ৬৭৮৯০(রসা,জী) ৭৮৯০১ ৮৯০১২ ১২৩৪৫ ২৩৪৫৬ *৩৪৫৬৭(রসা,প,গ) ৪৫৬৭৮ ৫৬৭৮৯ ৬৭৮৯০(রসা,জী) ৭৮৯০১ ৮৯০১২ ১২৩৪৫ ২৩৪৫৬ *৩৪৫৬৭(রসা,প,গ) ৪৫৬৭৮ ৫৬৭৮৯ ৬৭৮৯০(রসা,জী) ৭৮৯০১ ৮৯০১২ ১২৩৪৫ ২৩৪৫৬ *৩৪৫৬৭(রসা,প,গ) ৪৫৬৭৮ ৫৬৭৮৯ ৬৭৮৯০(রসা,জী) ৭৮৯০১ ৮৯০১২ ১২৩৪৫ ২৩৪৫৬ *৩৪৫৬৭(রসা,প,গ) ৪৫৬৭৮ ৫৬৭৮৯ ৬৭৮৯০(রসা,জী) ৭৮৯০১ ৮৯০১২ ১২৩৪৫ ২৩৪৫৬ *৩৪৫৬৭(রসা,প,গ) ৪৫৬৭৮ ৫৬৭৮৯ ৬৭৮৯০(রসা,জী) ৭৮৯০১ ৮৯০১২ ১২৩৪৫ ২৩৪৫৬ *৩৪৫৬৭(রসা,প,গ) ৪৫৬৭৮ ৫৬৭৮৯ ৬৭৮৯০(রসা,জী) ৭৮৯০১ ৮৯০১২ ১২৩৪৫ ২৩৪৫৬ *৩৪৫৬৭(রসা,প,গ) ৪৫৬৭৮ ৫৬৭৮৯ ৬৭৮৯০(রসা,জী) ৭৮৯০১ ৮৯০১২ ১২৩৪৫ ২৩৪৫৬ *৩৪৫৬৭(রসা,প,গ) ৪৫৬৭৮ ৫৬৭৮৯ ৬৭৮৯০(রসা,জী) ৭৮৯০১ ৮৯০১২ ১২৩৪৫ ২৩৪৫৬ *৩৪৫৬৭(রসা,প,গ) ৪৫৬৭৮ ৫৬৭৮৯ ৬৭৮৯০(রসা,জী) ৭৮৯০১ ৮৯০১২ ১২৩৪৫ ২৩৪৫৬ *৩৪৫৬৭(রসা,প,গ) ৪৫৬৭৮ ৫৬৭৮৯ ৬৭৮৯০(রসা,জী) ৭৮৯০১ ৮৯০১২ ১২৩৪৫ ২৩৪৫৬ *৩৪৫৬৭(রসা,প,গ) ৪৫৬৭৮ ৫৬৭৮৯ ৬৭৮৯০(রসা,জী) ৭৮৯০১ ৮৯০১২ ১২৩৪৫ ২৩৪৫৬ *৩৪৫৬৭(রসা,প,গ) ৪৫৬৭৮ ৫৬৭৮৯ ৬৭৮৯০(রসা,জী) ৭৮৯০১ ৮৯০১২ ১২৩৪৫ ২৩৪৫৬ *৩৪৫৬৭(রসা,প,গ) ৪৫৬৭৮ ৫৬৭৮৯ ৬৭৮৯০(রসা,জী) ৭৮৯০১ ৮৯০১২ ১২৩৪৫ ২৩৪৫৬ *৩৪৫৬৭(রসা,প,গ) ৪৫৬৭৮ ৫৬৭৮৯ ৬৭৮৯০(রসা,জী) ৭৮৯০১ ৮৯০১২ ১২৩৪৫ ২৩৪৫৬ *৩৪৫৬৭(রসা,প,গ) ৪৫৬৭৮ ৫৬৭৮৯ ৬৭৮৯০(রসা,জী) ৭৮৯০১ ৮৯০১২ ১২৩৪৫ ২৩৪৫৬ *৩৪৫৬৭(রসা,প,গ) ৪৫৬৭৮ ৫৬৭৮৯ ৬৭৮৯০(রসা,জী) ৭৮৯০১ ৮৯০১২ ১২৩৪৫ ২৩৪৫৬ *৩৪৫৬৭(রসা,প,গ) ৪৫৬৭৮ ৫৬৭৮৯ ৬৭৮৯০(রসা,জী) ৭৮৯০১ ৮৯০১২ ১২৩৪৫ ২৩৪৫৬ *৩৪৫৬৭(রসা,প,গ) ৪৫৬৭৮ ৫৬৭৮৯ ৬৭৮৯০(রসা,জী) ৭৮৯০১ ৮৯০১২ ১২৩৪৫ ২৩৪৫৬ *৩৪৫৬৭(রসা,প,গ) ৪৫৬৭৮ ৫৬৭৮৯ ৬৭৮৯০(রসা,জী) ৭৮৯০১ ৮৯০১২ ১২৩৪৫ ২৩৪৫৬ *৩৪৫৬৭(রসা,প,গ) ৪৫৬৭৮ ৫৬৭৮৯ ৬৭৮৯০(রসা,জী) ৭৮৯০১ ৮৯০১২ ১২৩৪৫ ২৩৪৫৬ *৩৪৫৬৭(রসা,প,গ) ৪৫৬৭৮ ৫৬৭৮৯ ৬৭৮৯০(রসা,জী) ৭৮৯০১ ৮৯০১২ ১২৩৪৫ ২৩৪৫৬ *৩৪৫৬৭(রসা,প,গ) ৪৫৬৭৮ ৫৬৭৮৯ ৬৭৮৯০(রসা,জী) ৭৮৯০১ ৮৯০১২ ১২৩৪৫ ২৩৪৫৬ *৩৪৫৬৭(রসা,প,গ) ৪৫৬৭৮ ৫৬৭৮৯ ৬৭৮৯০(রসা,জী) ৭৮৯০১ ৮৯০১২ ১২৩৪৫ ২৩৪৫৬ *৩৪৫৬৭(রসা,প,গ) ৪৫৬৭৮ ৫৬৭৮৯ ৬৭৮৯০(রসা,জী) ৭৮৯০১ ৮৯০১২ ১২৩৪৫ ২৩৪৫৬ *৩৪৫৬৭(রসা,প,গ) ৪৫৬৭৮ ৫৬৭৮৯ ৬৭৮৯০(রসা,জী) ৭৮৯০১ ৮৯০১২ ১২৩৪৫ ২৩৪৫৬ *৩৪৫৬৭(রসা,প,গ) ৪৫৬৭৮ ৫৬৭৮৯ ৬৭৮৯০(রসা,জী) ৭৮৯০১ ৮৯০১২ ১২৩৪৫ ২৩৪৫৬ *৩৪৫৬৭(রসা,প,গ) ৪৫৬৭৮ ৫৬৭৮৯ ৬৭৮৯০(রসা,জী) ৭৮৯০১ ৮৯০১২ ১২৩৪৫ ২৩৪৫৬ *৩৪৫৬৭(রসা,প,গ) ৪৫৬৭৮ ৫৬৭৮৯ ৬৭৮৯০(রসা,জী) ৭৮৯০১ ৮৯০১২ ১২৩৪৫ ২৩৪৫৬ *৩৪৫৬৭(রসা,প,গ) ৪৫৬৭৮ ৫৬৭৮৯ ৬৭৮৯০(রসা,জী) ৭৮৯০১ ৮৯০১২ ১২৩৪৫ ২৩৪৫৬ *৩৪৫৬৭(রসা,প,গ) ৪৫৬৭৮ ৫৬৭৮৯ ৬৭৮৯০(রসা,জী) ৭৮৯০১ ৮৯০১২ ১২৩৪৫ ২৩৪৫৬ *৩৪৫৬৭(রসা,প,গ) ৪৫৬৭৮ ৫৬৭৮৯ ৬৭৮৯০(রসা,জী) ৭৮৯০১ ৮৯০১২ ১২৩৪৫ ২৩৪৫৬ *৩৪৫৬৭(রসা,প,গ) ৪৫৬৭৮ ৫৬৭৮৯ ৬৭৮৯০(রসা,জী) ৭৮৯০১ ৮৯০১২ ১২৩৪৫ ২৩৪৫৬ *৩৪৫৬৭(রসা,প,গ) ৪৫৬৭৮ ৫৬৭৮৯ ৬৭৮৯০(রসা,জী) ৭৮৯০১ ৮৯০১২ ১২৩৪৫ ২৩৪৫৬ *৩৪৫৬৭(রসা,প,গ) ৪৫৬৭৮ ৫৬৭৮৯ ৬৭৮৯০(রসা,জী) ৭৮৯০১ ৮৯০১২ ১২৩৪৫ ২৩৪৫৬ *৩৪৫৬৭(রসা,প,গ) ৪৫৬৭৮ ৫৬৭৮৯ ৬৭৮৯০(রসা,জী) ৭৮৯০১ ৮৯০১২ ১২৩৪৫ ২৩৪৫৬ *৩৪৫৬৭(রসা,প,গ) ৪৫৬৭৮ ৫৬৭৮৯ ৬৭৮৯০(রসা,জী) ৭৮৯০১ ৮৯০১২ ১২৩৪৫ ২৩৪৫৬ *৩৪৫৬৭(রসা,প,গ) ৪৫৬৭৮ ৫৬৭৮৯ ৬৭৮৯০(রসা,জী) ৭৮৯০১ ৮৯০১২ ১২৩৪৫ ২৩৪৫৬ *৩৪৫৬৭(রসা,প,গ) ৪৫৬৭৮ ৫৬৭৮৯ ৬৭৮৯০(রসা,জী) ৭৮৯০১ ৮৯০১২ ১২৩৪৫ ২৩৪৫৬ *৩৪৫৬৭(রসা,প,গ) ৪৫৬৭৮ ৫৬৭৮৯ ৬৭৮৯০(রসা,জী) ৭৮৯০১ ৮৯০১২ ১২৩৪৫ ২৩৪৫৬ *৩৪৫৬৭(রসা,প,গ) ৪৫৬৭৮ ৫৬৭৮৯ ৬৭৮৯০(রসা,জী) ৭৮৯০১ ৮৯০১২ ১২৩৪৫ ২৩৪৫৬ *৩৪৫৬৭(রসা,প,গ) ৪৫৬৭৮ ৫৬৭৮৯ ৬৭৮৯০(রসা,জী) ৭৮৯০১ ৮৯০১২ ১২৩৪৫ ২৩৪৫৬ *৩৪৫৬৭(রসা,প,গ) ৪৫৬৭৮ ৫৬৭৮৯ ৬৭৮৯০(রসা,জী) ৭৮৯০১ ৮৯০১২ ১২৩৪৫ ২৩৪৫৬ *৩৪৫৬৭(রসা,প,গ) ৪৫৬৭৮ ৫৬৭৮৯ ৬৭৮৯০(রসা,জী) ৭৮৯০১ ৮৯০১২ ১২৩৪৫ ২৩৪৫৬ *৩৪৫৬৭(রসা,প,গ) ৪৫৬৭৮ ৫৬৭৮৯ ৬৭৮৯০(রসা,জী) ৭৮৯০১ ৮৯০১২ ১২৩৪৫ ২৩৪৫৬ *৩৪৫৬৭(রসা,প,গ) ৪৫৬৭৮ ৫৬৭৮৯ ৬৭৮৯০(রসা,জী) ৭৮৯০১ ৮৯০১২ ১২৩৪৫ ২৩৪৫৬ *৩৪৫৬৭(রসা,প,গ) ৪৫৬৭৮ ৫৬৭৮৯ ৬৭৮৯০(রসা,জী) ৭৮৯০১ ৮৯০১২ ১২৩৪৫ ২৩৪৫৬ *৩৪৫৬৭(রসা,প,গ) ৪৫৬৭৮ ৫৬৭৮৯ ৬৭৮৯০(রসা,জী) ৭৮৯০১ ৮৯০১২ ১২৩৪৫ ২৩৪৫৬ *৩৪৫৬৭(রসা,প,গ) ৪৫৬৭৮ ৫৬৭৮৯ ৬৭৮৯০(রসা,জী) ৭৮৯০১ ৮৯০১২ ১২৩৪৫ ২৩৪৫৬ *৩৪৫৬৭(রসা,প,গ) ৪৫৬৭৮ ৫৬৭৮৯ ৬৭৮৯০(রসা,জী) ৭৮৯০১ ৮৯০১২ ১২৩৪৫ ২৩৪৫৬ *৩৪৫৬৭(রসা,প,গ) ৪৫৬৭৮ ৫৬৭৮৯ ৬৭৮৯০(রসা,জী) ৭৮৯০১ ৮৯০১২ ১২৩৪৫ ২৩৪৫৬ *৩৪৫৬৭(রসা,প,গ) ৪৫৬৭৮ ৫৬৭৮৯ ৬৭৮৯০(রসা,জী) ৭৮৯০১ ৮৯০১২ ১২৩৪৫ ২৩৪৫৬ *৩৪৫৬৭(রসা,প,গ) ৪৫৬৭৮ ৫৬৭৮৯ ৬৭৮৯০(রসা,জী) ৭৮৯০১ ৮৯০১২ ১২৩৪৫ ২৩৪৫৬ *৩৪৫৬৭(রসা,প,গ) ৪৫৬৭৮ ৫৬৭৮৯ ৬৭৮৯০(রসা,জী) ৭৮৯০১ ৮৯০১২ ১২৩৪৫ ২৩৪৫৬ *৩৪৫৬৭(রসা,প,গ) ৪৫৬৭৮ ৫৬৭৮৯ ৬৭৮৯০(রসা,জী) ৭৮৯০১ ৮৯০১২ ১২৩৪৫ ২৩৪৫৬ *৩৪৫৬৭(রসা,প,গ) ৪৫৬৭৮ ৫৬৭৮৯ ৬৭৮৯০(রসা,জী) ৭৮৯০১ ৮৯০১২ ১২৩৪৫ ২৩৪৫৬ *৩৪৫৬৭(রসা,প,গ) ৪৫৬৭৮ ৫৬৭৮৯ ৬৭৮৯০(রসা,জী) ৭৮৯০১ ৮৯০১২ ১২৩৪৫ ২৩৪৫৬ *৩৪৫৬৭(রসা,প,গ) ৪৫৬৭৮ ৫৬৭৮৯ ৬৭৮৯০(রসা,জী) ৭৮৯০১ ৮৯০১২ ১২৩৪৫ ২৩৪৫৬ *৩৪৫৬৭(রসা,প,গ) ৪৫৬৭৮ ৫৬৭৮৯ ৬৭৮৯০(রসা,জী) ৭৮৯০১ ৮৯০১২ ১২৩৪৫ ২৩৪৫৬ *৩৪৫৬৭(রসা,প,গ) ৪৫৬৭৮ ৫৬৭৮৯ ৬৭৮৯০(রসা,জী) ৭৮৯০১ ৮৯০১২ ১২৩৪৫ ২৩৪৫৬ *৩৪৫৬৭(রসা,প,গ) ৪৫৬৭৮ ৫৬৭৮৯ ৬৭৮৯০(রসা,জী) ৭৮৯০১ ৮৯০১২ ১২৩৪৫ ২৩৪৫৬ *৩৪৫৬৭(রসা,প,গ) ৪৫৬৭৮ ৫৬৭৮৯ ৬৭৮৯০(রসা,জী) ৭৮৯০১ ৮৯০১২ ১২৩৪৫ ২৩৪৫৬ *৩৪৫৬৭(রসা,প,গ) ৪৫৬৭৮ ৫৬৭৮৯ ৬৭৮৯০(রসা,জী) ৭৮৯০১ ৮৯০১২ ১২৩৪৫ ২৩৪৫৬ *৩৪৫৬৭(রসা,প,গ) ৪৫৬৭৮ ৫৬৭৮৯ ৬৭৮৯০(রসা,জী) ৭৮৯০১ ৮৯০১২ ১২৩৪৫ ২৩৪৫৬ *৩৪৫৬৭(রসা,প,গ) ৪৫৬৭৮ ৫৬৭৮৯ ৬৭৮৯০(রসা,জী) ৭৮৯০১ ৮৯০১২ ১২৩৪৫ ২৩৪৫৬ *৩৪৫৬৭(রসা,প,গ) ৪৫৬৭৮ ৫৬৭৮৯ ৬৭৮৯০(রসা,জী) ৭৮৯০১ ৮৯০১২ ১২৩৪৫ ২৩৪৫৬ *৩৪৫৬৭(রসা,প,গ) ৪৫৬৭৮ ৫৬৭৮৯ ৬৭৮৯০(রসা,জী) ৭৮৯০১ ৮৯০১২ ১২৩৪৫ ২৩৪৫৬ *৩৪৫৬৭(রসা,প,গ) ৪৫৬৭৮ ৫৬৭৮৯ ৬৭৮৯০(রসা,জী) ৭৮৯০১ ৮৯০১২ ১২৩৪৫ ২৩৪৫৬ *৩৪৫৬৭(রসা,প,গ) ৪৫৬৭৮ ৫৬৭৮৯ ৬৭৮৯০(রসা,জী) ৭৮৯০১ ৮৯০১২ ১২৩৪৫ ২৩৪৫৬ *৩৪৫৬৭(রসা,প,গ) ৪৫৬৭৮ ৫৬৭৮৯ ৬৭৮৯০(রসা,জী) ৭৮৯০১ ৮৯০১২ ১২৩৪৫ ২৩৪৫৬ *৩৪৫৬৭(রসা,প,গ) ৪৫৬৭৮ ৫৬৭৮৯ ৬৭৮৯০(রসা,জী) ৭৮৯০১ ৮৯০১২ ১২৩৪৫ ২৩৪৫৬ *৩৪৫৬৭(রসা,প,গ) ৪৫৬৭৮ ৫৬৭৮৯ ৬৭৮৯০(রসা,জী) ৭৮৯০১ ৮৯০১২ ১২৩৪৫ ২৩৪৫৬ *৩৪৫৬৭(রসা,প,গ) ৪৫৬৭৮ ৫৬৭৮৯ ৬৭৮৯০(রসা,জী) ৭৮৯০১ ৮৯০১২ ১২৩৪৫ ২৩৪৫৬ *৩৪৫৬৭(রসা,প,গ) ৪৫৬৭৮ ৫৬৭৮৯ ৬৭৮৯০(রসা,জী) ৭৮৯০১ ৮৯০১২ ১২৩৪৫ ২৩৪৫৬ *৩৪৫৬৭(রসা,প,গ) ৪৫৬৭৮ ৫৬৭৮৯ ৬৭৮৯০(রসা,জী) ৭৮৯০১ ৮৯০১২ ১২৩৪৫ ২৩৪৫৬ *৩৪৫৬৭(রসা,প,গ) ৪৫৬৭৮ ৫৬৭৮৯ ৬৭৮৯০(রসা,জী) ৭৮৯০১ ৮৯০১২ ১২৩৪৫ ২৩৪৫৬ *৩৪৫৬৭(রসা,প,গ) ৪৫৬৭৮ ৫৬৭৮৯ ৬৭৮৯০(রসা,জী) ৭৮৯০১ ৮৯০১২ ১২৩৪৫ ২৩৪৫৬ *৩৪৫৬৭(রসা,প,গ) ৪৫৬৭৮ ৫৬৭৮৯ ৬৭৮৯০(রসা,জী) ৭৮৯০১ ৮৯০১২ ১২৩৪৫ ২৩৪৫৬ *৩৪৫৬৭(রসা,প,গ) ৪৫৬৭৮ ৫৬৭৮৯ ৬৭৮৯০(রসা,জী) ৭৮৯০১ ৮৯০১২ ১২৩৪৫ ২৩৪৫৬ *৩৪৫৬৭(রসা,প,গ) ৪৫৬৭৮ ৫৬৭৮৯ ৬৭৮৯০(রসা,জী) ৭৮৯০১ ৮৯০১২ ১২৩৪৫ ২৩৪৫৬ *৩৪৫৬৭(রসা,প,গ) ৪৫৬৭৮ ৫৬৭৮৯ ৬৭৮৯০(রসা,জী) ৭৮৯০১ ৮৯০১২ ১২৩৪৫ ২৩৪৫৬ *৩৪৫৬৭(রসা,প,গ) ৪৫৬৭৮ ৫৬৭৮৯ ৬৭৮৯০(রসা,জী) ৭৮৯০১ ৮৯০১২ ১২৩৪৫ ২৩৪৫৬ *৩৪৫৬৭(রসা,প,গ) ৪৫৬৭৮ ৫৬৭৮৯ ৬৭৮৯০(রসা,জী) ৭৮৯০১ ৮৯০১২ ১২৩৪৫ ২৩৪৫৬ *৩৪৫৬৭(রসা,প,গ) ৪৫৬৭৮ ৫৬৭৮৯ ৬৭৮৯০(রসা,জী) ৭৮৯০১ ৮৯০১২ ১২৩৪৫ ২৩৪৫৬ *৩৪৫৬৭(রসা,প,গ) ৪৫৬৭৮ ৫৬৭৮৯ ৬৭৮৯০(রসা,জী) ৭৮৯০১ ৮৯০১২ ১২৩৪৫ ২৩৪৫৬ *৩৪৫৬৭(রসা,প,গ) ৪৫৬৭৮ ৫৬৭৮৯ ৬৭৮৯০(রসা,জী) ৭৮৯০১ ৮৯০১২ ১২৩৪৫ ২৩৪৫৬ *৩৪৫৬৭(রসা,প,গ) ৪৫৬৭৮ ৫৬৭৮৯ ৬৭৮৯০(রসা,জী) ৭৮৯০১ ৮৯০১২ ১২৩৪৫ ২৩৪৫৬ *৩৪৫৬৭(রসা,প,গ) ৪৫৬৭৮ ৫৬৭৮৯ ৬৭৮৯০(রসা,জী) ৭৮৯০১ ৮৯০১২ ১২৩৪৫ ২৩৪৫৬ *৩৪৫৬৭(রসা,প,গ) ৪৫৬৭৮ ৫৬৭৮৯ ৬৭৮৯০(রসা,জী) ৭৮৯০১ ৮৯০১২ ১২৩৪৫ ২৩৪৫৬ *৩৪৫৬৭(রসা,প,গ) ৪৫৬৭৮ ৫৬৭৮৯ ৬৭৮৯০(রসা,জী) ৭৮৯০১ ৮৯০১২ ১২৩৪৫ ২৩৪৫৬ *৩৪৫৬৭(রসা,প,গ) ৪৫৬৭৮ ৫৬৭৮৯ ৬৭৮৯০(রসা,জী) ৭৮৯০১ ৮৯০১২ ১২৩৪৫ ২৩৪৫৬ *৩৪৫৬৭(রসা,প,গ) ৪৫৬৭৮ ৫৬৭৮৯ ৬৭৮৯০(রসা,জী) ৭৮৯০১ ৮৯০১২ ১২৩৪৫ ২৩৪৫৬ *৩৪৫৬৭(রসা,প,গ) ৪৫৬৭৮ ৫৬৭৮৯ ৬৭৮৯০(রসা,জী) ৭৮৯০১ ৮৯০১২ ১২৩৪৫ ২৩৪৫৬ *৩৪৫৬৭(রসা,প,গ) ৪৫৬৭৮ ৫৬৭৮৯ ৬৭৮৯০(রসা,জী) ৭৮৯০১ ৮৯০১২ ১২৩৪৫ ২৩৪৫৬ *৩৪৫৬৭(রসা,প,গ) ৪৫৬৭৮ ৫৬৭৮৯ ৬৭৮৯০(রসা,জী) ৭৮৯০১ ৮৯০১২ ১২৩৪৫ ২৩৪৫৬ *৩৪৫৬৭(রসা,প,গ) ৪৫৬৭৮ ৫৬৭৮৯ ৬৭৮৯০(রসা,জী) ৭৮৯০১ ৮৯০১২ ১২৩৪৫ ২৩৪৫৬ *৩৪৫৬৭(রসা,প,গ) ৪৫৬৭৮ ৫৬৭৮৯ ৬৭৮৯০(রসা,জী) ৭৮৯০১ ৮৯০১২ ১২৩৪৫ ২৩৪৫৬ *৩৪৫৬৭(রসা,প,গ) ৪৫৬৭৮ ৫৬৭৮৯ ৬৭৮৯০(রসা,জী) ৭৮৯০১ ৮৯০১২ ১২৩৪৫ ২৩৪৫৬ *৩৪৫৬৭(রসা,প,গ) ৪৫৬৭৮ ৫৬৭৮৯ ৬৭৮৯০(রসা,জী) ৭৮৯০১ ৮৯০১২ ১২৩৪৫ ২৩৪৫৬ *৩৪৫৬৭(রসা,প,গ) ৪৫৬৭৮ ৫৬৭৮৯ ৬৭৮৯০(রসা,জী) ৭৮৯০১ ৮৯০১২ ১২৩৪৫ ২৩৪৫৬ *৩৪৫৬৭(রসা,প,গ) ৪৫৬৭৮ ৫৬৭৮৯ ৬৭৮৯০(রসা,জী) ৭৮৯০১ ৮৯০১২ ১২৩৪৫ ২৩৪৫৬ *৩৪৫৬৭(রসা,প,গ) ৪৫৬৭৮ ৫৬৭৮৯ ৬৭৮৯০(রসা,জী) ৭৮৯০১ ৮৯০১২ ১২৩৪৫ ২৩৪৫৬ *৩৪৫৬৭(রসা,প,গ) ৪৫৬৭৮ ৫৬৭৮৯ ৬৭৮৯০(রসা,জী) ৭৮৯০১ ৮৯০১২ ১২৩৪৫ ২৩৪৫৬ *৩৪৫৬৭(রসা,প,গ) ৪৫৬৭৮ ৫৬৭৮৯ ৬৭৮৯০(রসা,জী) ৭৮৯০১ ৮৯০১২ ১২৩৪৫ ২৩৪৫৬ *৩৪৫৬৭(রসা,প,গ) ৪৫৬৭৮ ৫৬৭৮৯ ৬৭৮৯০(রসা,জী) ৭৮৯০১ ৮৯০১২ ১২৩৪৫ ২৩৪৫৬ *৩৪৫৬৭(রসা,প,গ) ৪৫৬৭৮ ৫৬৭৮৯ ৬৭৮৯০(রসা,জী) ৭৮৯০১ ৮৯০১২ ১২৩৪৫ ২৩৪৫৬ *৩৪৫৬৭(রসা,প,গ) ৪৫৬৭৮ ৫৬৭৮৯ ৬৭৮৯০(রসা,জী) ৭৮৯০১ ৮৯০১২ ১২৩৪৫ ২৩৪৫৬ *৩৪৫৬৭(রসা,প,গ) ৪৫৬৭৮ ৫৬৭৮৯ ৬৭৮৯০(রসা,জী) ৭৮৯০১ ৮৯০১২ ১২৩৪৫ ২৩৪৫৬ *৩৪৫৬৭(রসা,প,গ) ৪৫৬৭৮ ৫৬৭৮৯ ৬৭৮৯০(রসা,জী) ৭৮৯০১ ৮৯০১২ ১২৩৪৫ ২৩৪৫৬ *৩৪৫৬৭(রসা,প,গ) ৪৫৬৭৮ ৫৬৭৮৯ ৬৭৮৯০(রসা,জী) ৭৮৯০১ ৮৯০১২ ১২৩৪৫ ২৩৪৫৬ *৩৪৫৬৭(রসা,প,গ) ৪৫৬৭৮ ৫৬৭৮৯ ৬৭৮৯০(রসা,জী) ৭৮৯০১ ৮৯০১২ ১২৩৪৫ ২৩৪৫৬ *৩৪৫৬৭(রসা,প,গ) ৪৫৬৭৮ ৫৬৭৮৯ ৬৭৮৯০(রসা,জী) ৭৮৯০১ ৮৯০১২ ১২৩৪৫ ২৩৪৫৬ *৩৪৫৬৭(রসা,প,গ) ৪৫৬৭৮ ৫৬৭৮৯ ৬৭৮৯০(রসা,জী) ৭৮৯০১ ৮৯০১২ ১২৩৪৫ ২৩৪৫৬ *৩৪৫৬৭(রসা,প,গ) ৪৫৬৭৮ ৫৬৭৮৯ ৬৭৮৯০(রসা,জী) ৭৮৯০১ ৮৯০১২ ১২৩৪৫ ২৩৪৫৬ *৩৪৫৬৭(রসা,প,গ) ৪৫৬৭৮ ৫৬৭৮৯ ৬৭৮৯০(রসা,জী) ৭৮৯০১ ৮৯০১২ ১২৩৪৫ ২৩৪৫৬ *৩৪৫৬৭(রসা,প,গ) ৪৫৬৭৮ ৫৬৭৮৯ ৬৭৮৯০(রসা,জী) ৭৮৯০১ ৮৯০১২ ১২৩৪৫ ২৩৪৫৬ *৩৪৫৬৭(রসা,প,গ) ৪৫৬৭৮ ৫৬৭৮৯ ৬৭৮৯০(রসা,জী) ৭৮৯০১ ৮৯০১২ ১২৩৪৫ ২৩৪৫৬ *৩৪৫৬৭(রসা,প,গ) ৪৫৬৭৮ ৫৬৭৮৯ ৬৭৮৯০(রসা,জী) ৭৮৯০১ ৮৯০১২ ১২৩৪৫ ২৩৪৫৬ *৩৪৫৬৭(রসা,প,গ) ৪৫৬৭৮ ৫৬৭৮৯ ৬৭৮৯০(রসা,জী) ৭৮৯০১ ৮৯০১২ ১২৩৪৫ ২৩৪৫৬ *৩৪৫৬৭(রসা,প,গ) ৪৫৬৭৮ ৫৬৭৮৯ ৬৭৮৯০(রসা,জী) ৭৮৯০১ ৮৯০১২ ১২৩৪৫ ২৩৪৫৬ *৩৪৫৬৭(রসা,প,গ) ৪৫৬৭৮ ৫৬৭৮৯ ৬৭৮৯০(রসা,জী) ৭৮৯০১ ৮৯০১২ ১২৩৪৫ ২৩৪৫৬ *৩৪৫৬৭(রসা,প,গ) ৪৫৬৭৮ ৫৬৭৮৯ ৬৭৮৯০(রসা,জী) ৭৮৯০১ ৮৯০১২ ১২৩৪৫ ২৩৪৫৬ *৩৪৫৬৭(রসা,প,গ) ৪৫৬৭৮ ৫৬৭৮৯ ৬৭৮৯০(রসা,জী) ৭৮৯০১ ৮৯০১২ ১২৩৪৫ ২৩৪৫৬ *৩৪৫৬৭(রসা,প,গ) ৪৫৬৭৮ ৫৬৭৮৯ ৬৭৮৯০(রসা,জী) ৭৮৯০১ ৮৯০১২ ১২৩৪৫ ২৩৪৫৬ *৩৪৫৬৭(রসা,প,গ) ৪৫৬৭৮ ৫৬৭৮৯ ৬৭৮৯০(রসা,জী) ৭৮৯০১ ৮৯০১২ ১২৩৪৫ ২৩৪৫৬ *৩৪৫৬৭(রসা,প,গ) ৪৫৬৭৮ ৫৬৭৮৯ ৬৭৮৯০(রসা,জী) ৭৮৯০১ ৮৯০১২ ১২৩৪৫ ২৩৪৫৬ *৩৪৫৬৭(রসা,প,গ) ৪৫৬৭৮ ৫৬৭৮৯ ৬৭৮৯০(রসা,জী) ৭৮৯০১ ৮৯০১২ ১২৩৪৫ ২৩৪৫৬ *৩৪৫৬৭(রসা,প,গ) ৪৫৬৭৮ ৫৬৭৮৯ ৬৭৮৯০(রসা,জী) ৭৮৯০১ ৮৯০১২ ১২৩৪৫ ২৩৪৫৬ *৩৪৫৬৭(রসা,প,গ) ৪৫৬৭৮ ৫৬৭৮৯ ৬৭৮৯০(রসা,জী) ৭৮৯০১ ৮৯০১২ ১২৩৪৫ ২৩৪৫৬ *৩৪৫৬৭(রসা,প,গ) ৪৫৬৭৮ ৫৬৭৮৯ ৬৭৮৯০(রসা,জী) ৭৮৯০১ ৮৯০১২ ১২৩৪৫ ২৩৪৫৬ *৩৪৫৬৭(রসা,প,গ) ৪৫৬৭৮ ৫৬৭৮৯ ৬৭৮৯০(রসা,জী) ৭৮৯০১ ৮৯০১২ ১২৩৪৫ ২৩৪৫৬ *৩৪৫৬৭(রসা,প,গ) ৪৫৬৭৮ ৫৬৭৮৯ ৬৭৮৯০(রসা,জী) ৭৮৯০১ ৮৯০১২ ১২৩৪৫ ২৩৪৫৬ *৩৪৫৬৭(রসা,প,গ) ৪৫৬৭৮ ৫৬৭৮৯ ৬৭৮৯০(রসা,জী) ৭৮৯০১ ৮৯০১২ ১২৩৪৫ ২৩৪৫৬ *৩৪৫৬৭(রসা,প,গ) ৪৫৬৭৮ ৫৬৭৮৯ ৬৭৮৯০(রসা,জী) ৭৮৯০১ ৮৯০১২ ১২৩৪৫ ২৩৪৫৬ *৩৪৫৬৭(রসা,প,গ) ৪৫৬৭৮ ৫৬৭৮৯ ৬৭৮৯০(রসা,জী) ৭৮৯০১ ৮৯০১২ ১২৩৪৫ ২৩৪৫৬ *৩৪৫৬৭(রসা,প,গ) ৪৫৬৭৮ ৫৬৭৮৯ ৬৭৮৯০(রসা,জী) ৭৮৯০১ ৮৯০১২ ১২৩৪৫ ২৩৪৫৬ *৩৪৫৬৭(রসা,প,গ) ৪৫৬৭৮ ৫৬৭৮৯ ৬৭৮৯০(রসা,জী) ৭৮৯০১ ৮৯০১২ ১২৩৪৫ ২৩৪৫৬ *৩৪৫৬৭(রসা,প,গ) ৪৫৬৭৮ ৫৬৭৮৯ ৬৭৮৯০(রসা,জী) ৭৮৯০১ ৮৯০১২ ১২৩৪৫ ২৩৪৫৬ *৩৪৫৬৭(রসা,প,গ) ৪৫৬৭৮ ৫৬৭৮৯ ৬৭৮৯০(রসা,জী) ৭৮৯০১ ৮৯০১২ ১২৩৪৫ ২৩৪৫৬ *৩৪৫৬৭(রসা,প,গ) ৪৫৬৭৮ ৫৬৭৮৯ ৬৭৮৯০(রসা,জী) ৭৮৯০১ ৮৯০১২ ১২৩৪৫ ২৩৪৫৬ *৩৪৫৬৭(রসা,প,গ) ৪৫৬৭৮ ৫৬৭৮৯ ৬৭৮৯০(রসা,জী) ৭৮৯০১ ৮৯০১২ ১২৩৪৫ ২৩৪৫৬ *৩৪৫৬৭(রসা,প,গ) ৪৫
ঢাকা সিটি কলেজ, ঢাকা
রোল নম্বর ..... মোট ... জন।
১২৩৪৫ ২৩৪৫৬ *৩৪৫৬৭(রসা,প,গ) ৪৫৬৭৮ ৫৬৭৮৯ ৬৭৮৯০(রসা,জী) ৭৮৯০১ ৮৯০১২ ১২৩৪৫ ২৩৪৫৬ *৩৪৫৬৭(রসা,প,গ) ৪৫৬৭৮ ৫৬৭৮৯ ৬৭৮৯০(রসা,জী) ৭৮৯০১ ৮৯০১২ ১২৩৪৫ ২৩৪৫৬ *৩৪৫৬৭(রসা,প,গ) ৪৫৬৭৮ ৫৬৭৮৯ ৬৭৮৯০(রসা,জী) ৭৮৯০১ ৮৯০১২ ১২৩৪৫ ২৩৪৫৬ *৩৪৫৬৭(রসা,প,গ) ৪৫৬৭৮ ৫৬৭৮৯ ৬৭৮৯০(রসা,জী) ৭৮৯০১ ৮৯০১২ ১২৩৪৫ ২৩৪৫৬ *৩৪৫৬৭(রসা,প,গ) ৪৫৬৭৮ ৫৬৭৮৯ ৬৭৮৯০(রসা,জী) ৭৮৯০১ ৮৯০১২ ১২৩৪৫ ২৩৪৫৬ *৩৪৫৬৭(রসা,প,গ) ৪৫৬৭৮ ৫৬৭৮৯ ৬৭৮৯০(রসা,জী) ৭৮৯০১ ৮৯০১২ ১২৩৪৫ ২৩৪৫৬ *৩৪৫৬৭(রসা,প,গ) ৪৫৬৭৮ ৫৬৭৮৯ ৬৭৮৯০(রসা,জী) ৭৮৯০১ ৮৯০১২ ১২৩৪৫ ২৩৪৫৬ *৩৪৫৬৭(রসা,প,গ) ৪৫৬৭৮ ৫৬৭৮৯ ৬৭৮৯০(রসা,জী) ৭৮৯০১ ৮৯০১২ ১২৩৪৫ ২৩৪৫৬ *৩৪৫৬৭(রসা,প,গ) ৪৫৬৭৮ ৫৬৭৮৯ ৬৭৮৯০(রসা,জী) ৭৮৯০১ ৮৯০১২ ১২৩৪৫ ২৩৪৫৬ *৩৪৫৬৭(রসা,প,গ) ৪৫৬৭৮ ৫৬৭৮৯ ৬৭৮৯০(রসা,জী) ৭৮৯০১ ৮৯০১২ ১২৩৪৫ ২৩৪৫৬ *৩৪৫৬৭(রসা,প,গ) ৪৫৬৭৮ ৫৬৭৮৯ ৬৭৮৯০(রসা,জী) ৭৮৯০১ ৮৯০১২ ১২৩৪৫ ২৩৪৫৬ *৩৪৫৬৭(রসা,প,গ) ৪৫৬৭৮ ৫৬৭৮৯ ৬৭৮৯০(রসা,জী) ৭৮৯০১ ৮৯০১২ ১২৩৪৫ ২৩৪৫৬ *৩৪৫৬৭(রসা,প,গ) ৪৫৬৭৮ ৫৬৭৮৯ ৬৭৮৯০(রসা,জী) ৭৮৯০১ ৮৯০১২ ১২৩৪৫ ২৩৪৫৬ *৩৪৫৬৭(রসা,প,গ) ৪৫৬৭৮ ৫৬৭৮৯ ৬৭৮৯০(রসা,জী) ৭৮৯০১ ৮৯০১২ ১২৩৪৫ ২৩৪৫৬ *৩৪৫৬৭(রসা,প,গ) ৪৫৬৭৮ ৫৬৭৮৯ ৬৭৮৯০(রসা,জী) ৭৮৯০১ ৮৯০১২ ১২৩৪৫ ২৩৪৫৬ *৩৪৫৬৭(রসা,প,গ) ৪৫৬৭৮ ৫৬৭৮৯ ৬৭৮৯০(রসা,জী) ৭৮৯০১ ৮৯০১২ ১২৩৪৫ ২৩৪৫৬ *৩৪৫৬৭(রসা,প,গ) ৪৫৬৭৮ ৫৬৭৮৯ ৬৭৮৯০(রসা,জী) ৭৮৯০১ ৮৯০১২ ১২৩৪৫ ২৩৪৫৬ *৩৪৫৬৭(রসা,প,গ) ৪৫৬৭৮ ৫৬৭৮৯ ৬৭৮৯০(রসা,জী) ৭৮৯০১ ৮৯০১২ ১২৩৪৫ ২৩৪৫৬ *৩৪৫৬৭(রসা,প,গ) ৪৫৬৭৮ ৫৬৭৮৯ ৬৭৮৯০(রসা,জী) ৭৮৯০১ ৮৯০১২ ১২৩৪৫ ২৩৪৫৬ *৩৪৫৬৭(রসা,প,গ) ৪৫৬৭৮ ৫৬৭৮৯ ৬৭৮৯০(রসা,জী) ৭৮৯০১ ৮৯০১২ ১২৩৪৫ ২৩৪৫৬ *৩৪৫৬৭(রসা,প,গ) ৪৫৬৭৮ ৫৬৭৮৯ ৬৭৮৯০(রসা,জী) ৭৮৯০১ ৮৯০১২ ১২৩৪৫ ২৩৪৫৬ *৩৪৫৬৭(রসা,প,গ) ৪৫৬৭৮ ৫৬৭৮৯ ৬৭৮৯০(রসা,জী) ৭৮৯০১ ৮৯০১২ ১২৩৪৫ ২৩৪৫৬ *৩৪৫৬৭(রসা,প,গ) ৪৫৬৭৮ ৫৬৭৮৯ ৬৭৮৯০(রসা,জী) ৭৮৯০১ ৮৯০১২ ১২৩৪৫ ২৩৪৫৬ *৩৪৫৬৭(রসা,প,গ) ৪৫৬৭৮ ৫৬৭৮৯ ৬৭৮৯০(রসা,জী) ৭৮৯০১ ৮৯০১২ ১২৩৪৫ ২৩৪৫৬ *৩৪৫৬৭(রসা,প,গ) ৪৫৬৭৮ ৫৬৭৮৯ ৬৭৮৯০(রসা,জী) ৭৮৯০১ ৮৯০১২ ১২৩৪৫ ২৩৪৫৬ *৩৪৫৬৭(রসা,প,গ) ৪৫৬৭৮ ৫৬৭৮৯ ৬৭৮৯০(রসা,জী) ৭৮৯০১ ৮৯০১২ ১২৩৪৫ ২৩৪৫৬ *৩৪৫৬৭(রসা,প,গ) ৪৫৬৭৮ ৫৬৭৮৯ ৬৭৮৯০(রসা,জী) ৭৮৯০১ ৮৯০১২ ১২৩৪৫ ২৩৪৫৬ *৩৪৫৬৭(রসা,প,গ) ৪৫৬৭৮ ৫৬৭৮৯ ৬৭৮৯০(রসা,জী) ৭৮৯০১ ৮৯০১২ ১২৩৪৫ ২৩৪৫৬ *৩৪৫৬৭(রসা,প,গ) ৪৫৬৭৮ ৫৬৭৮৯ ৬৭৮৯০(রসা,জী) ৭৮৯০১ ৮৯০১২ ১২৩৪৫ ২৩৪৫৬ *৩৪৫৬৭(রসা,প,গ) ৪৫৬৭৮ ৫৬৭৮৯ ৬৭৮৯০(রসা,জী) ৭৮৯০১ ৮৯০১২ ১২৩৪৫ ২৩৪৫৬ *৩৪৫৬৭(রসা,প,গ) ৪৫৬৭৮ ৫৬৭৮৯ ৬৭৮৯০(রসা,জী) ৭৮৯০১ ৮৯০১২ ১২৩৪৫ ২৩৪৫৬ *৩৪৫৬৭(রসা,প,গ) ৪৫৬৭৮ ৫৬৭৮৯ ৬৭৮৯০(রসা,জী) ৭৮৯০১ ৮৯০১২ ১২৩৪৫ ২৩৪৫৬ *৩৪৫৬৭(রসা,প,গ) ৪৫৬৭৮ ৫৬৭৮৯ ৬৭৮৯০(রসা,জী) ৭৮৯০১ ৮৯০১২ ১২৩৪৫ ২৩৪৫৬ *৩৪৫৬৭(রসা,প,গ) ৪৫৬৭৮ ৫৬৭৮৯ ৬৭৮৯০(রসা,জী) ৭৮৯০১ ৮৯০১২ ১২৩৪৫ ২৩৪৫৬ *৩৪৫৬৭(রসা,প,গ) ৪৫৬৭৮ ৫৬৭৮৯ ৬৭৮৯০(রসা,জী) ৭৮৯০১ ৮৯০১২ ১২৩৪৫ ২৩৪৫৬ *৩৪৫৬৭(রসা,প,গ) ৪৫৬৭৮ ৫৬৭৮৯ ৬৭৮৯০(রসা,জী) ৭৮৯০১ ৮৯০১২ ১২৩৪৫ ২৩৪৫৬ *৩৪৫৬৭(রসা,প,গ) ৪৫৬৭৮ ৫৬৭৮৯ ৬৭৮৯০(রসা,জী) ৭৮৯০১ ৮৯০১২ ১২৩৪৫ ২৩৪৫৬ *৩৪৫৬৭(রসা,প,গ) ৪৫৬৭৮ ৫৬৭৮৯ ৬৭৮৯০(রসা,জী) ৭৮৯০১ ৮৯০১২ ১২৩৪৫ ২৩৪৫৬ *৩৪৫৬৭(রসা,প,গ) ৪৫৬৭৮ ৫৬৭৮৯ ৬৭৮৯০(রসা,জী) ৭৮৯০১ ৮৯০১২ ১২৩৪৫ ২৩৪৫৬ *৩৪৫৬৭(রসা,প,গ) ৪৫৬৭৮ ৫৬৭৮৯ ৬৭৮৯০(রসা,জী) ৭৮৯০১ ৮৯০১২ ১২৩৪৫ ২৩৪৫৬ *৩৪৫৬৭(রসা,প,গ) ৪৫৬৭৮ ৫৬৭৮৯ ৬৭৮৯০(রসা,জী) ৭৮৯০১ ৮৯০১২ ১২৩৪৫ ২৩৪৫৬ *৩৪৫৬৭(রসা,প,গ) ৪৫৬৭৮ ৫৬৭৮৯ ৬৭৮৯০(রসা,জী) ৭৮৯০১ ৮৯০১২ ১২৩৪৫ ২৩৪৫৬ *৩৪৫৬৭(রসা,প,গ) ৪৫৬৭৮ ৫৬৭৮৯ ৬৭৮৯০(রসা,জী) ৭৮৯০১ ৮৯০১২ ১২৩৪৫ ২৩৪৫৬ *৩৪৫৬৭(রসা,প,গ) ৪৫৬৭৮ ৫৬৭৮৯ ৬৭৮৯০(রসা,জী) ৭৮৯০১ ৮৯০১২ ১২৩৪৫ ২৩৪৫৬ *৩৪৫৬৭(রসা,প,গ) ৪৫৬৭৮ ৫৬৭৮৯ ৬৭৮৯০(রসা,জী) ৭৮৯০১ ৮৯০১২ ১২৩৪৫ ২৩৪৫৬ *৩৪৫৬৭(রসা,প,গ) ৪৫৬৭৮ ৫৬৭৮৯ ৬৭৮৯০(রসা,জী) ৭৮৯০১ ৮৯০১২ ১২৩৪৫ ২৩৪৫৬ *৩৪৫৬৭(রসা,প,গ) ৪৫৬৭৮ ৫৬৭৮৯ ৬৭৮৯০(রসা,জী) ৭৮৯০১ ৮৯০১২ ১২৩৪৫ ২৩৪৫৬ *৩৪৫৬৭(রসা,প,গ) ৪৫৬৭৮ ৫৬৭৮৯ ৬৭৮৯০(রসা,জী) ৭৮৯০১ ৮৯০১২ ১২৩৪৫ ২৩৪৫৬ *৩৪৫৬৭(রসা,প,গ) ৪৫৬৭৮ ৫৬৭৮৯ ৬৭৮৯০(রসা,জী) ৭৮৯০১ ৮৯০১২ ১২৩৪৫ ২৩৪৫৬ *৩৪৫৬৭(রসা,প,গ) ৪৫৬৭৮ ৫৬৭৮৯ ৬৭৮৯০(রসা,জী) ৭৮৯০১ ৮৯০১২ ১২৩৪৫ ২৩৪৫৬ *৩৪৫৬৭(রসা,প,গ) ৪৫৬৭৮ ৫৬৭৮৯ ৬৭৮৯০(রসা,জী) ৭৮৯০১ ৮৯০১২ ১২৩৪৫ ২৩৪৫৬ *৩৪৫৬৭(রসা,প,গ) ৪৫৬৭৮ ৫৬৭৮৯ ৬৭৮৯০(রসা,জী) ৭৮৯০১ ৮৯০১২ ১২৩৪৫ ২৩৪৫৬ *৩৪৫৬৭(রসা,প,গ) ৪৫৬৭৮ ৫৬৭৮৯ ৬৭৮৯০(রসা,জী) ৭৮৯০১ ৮৯০১২ ১২৩৪৫ ২৩৪৫৬ *৩৪৫৬৭(রসা,প,গ) ৪৫৬৭৮ ৫৬৭৮৯ ৬৭৮৯০(রসা,জী) ৭৮৯০১ ৮৯০১২ ১২৩৪৫ ২৩৪৫৬ *৩৪৫৬৭(রসা,প,গ) ৪৫৬৭৮ ৫৬৭৮৯ ৬৭৮৯০(রসা,জী) ৭৮৯০১ ৮৯০১২ ১২৩৪৫ ২৩৪৫৬ *৩৪৫৬৭(রসা,প,গ) ৪৫৬৭৮ ৫৬৭৮৯ ৬৭৮৯০(রসা,জী) ৭৮৯০১ ৮৯০১২ ১২৩৪৫ ২৩৪৫৬ *৩৪৫৬৭(রসা,প,গ) ৪৫৬৭৮ ৫৬৭৮৯ ৬৭৮৯০(রসা,জী) ৭৮৯০১ ৮৯০১২ ১২৩৪৫ ২৩৪৫৬ *৩৪৫৬৭(রসা,প,গ) ৪৫৬৭৮ ৫৬৭৮৯ ৬৭৮৯০(রসা,জী) ৭৮৯০১ ৮৯০১২ ১২৩৪৫ ২৩৪৫৬ *৩৪৫৬৭(রসা,প,গ) ৪৫৬৭৮ ৫৬৭৮৯ ৬৭৮৯০(রসা,জী) ৭৮৯০১ ৮৯০১২ ১২৩৪৫ ২৩৪৫৬ *৩৪৫৬৭(রসা,প,গ) ৪৫৬৭৮ ৫৬৭৮৯ ৬৭৮৯০(রসা,জী) ৭৮৯০১ ৮৯০১২ ১২৩৪৫ ২৩৪৫৬ *৩৪৫৬৭(রসা,প,গ) ৪৫৬৭৮ ৫৬৭৮৯ ৬৭৮৯০(রসা,জী) ৭৮৯০১ ৮৯০১২ ১২৩৪৫
ভিকারুন নিসা নুন কলেজ, ঢাকা
রোল নম্বর ..... মোট ... জন।
১২৩৪৫ ২৩৪৫৬ *৩৪৫৬৭(রসা,প,গ) ৪৫৬৭৮ ৫৬৭৮৯ ৬৭৮৯০(রসা,জী) ৭৮৯০১ ৮৯০১২ ১২৩৪৫ ২৩৪৫৬ *৩৪৫৬৭(রসা,প,গ) ৪৫৬৭৮ ৫৬৭৮৯ ৬৭৮৯০(রসা,জী) ৭৮৯০১ ৮৯০১২ ১২৩৪৫ ২৩৪৫৬ *৩৪৫৬৭(রসা,প,গ) ৪৫৬৭৮ ৫৬৭৮৯ ৬৭৮৯০(রসা,জী) ৭৮৯০১ ৮৯০১২ ১২৩৪৫ ২৩৪৫৬ *৩৪৫৬৭(রসা,প,গ) ৪৫৬৭৮ ৫৬৭৮৯ ৬৭৮৯০(রসা,জী) ৭৮৯০১ ৮৯০১২ ১২৩৪৫ ২৩৪৫৬ *৩৪৫৬৭(রসা,প,গ) ৪৫৬৭৮ ৫৬৭৮৯ ৬৭৮৯০(রসা,জী) ৭৮৯০১ ৮৯০১২ ১২৩৪৫ ২৩৪৫৬ *৩৪৫৬৭(রসা,প,গ) ৪৫৬৭৮ ৫৬৭৮৯ ৬৭৮৯০(রসা,জী) ৭৮৯০১ ৮৯০১২ ১২৩৪৫ ২৩৪৫৬ *৩৪৫৬৭(রসা,প,গ) ৪৫৬৭৮ ৫৬৭৮৯ ৬৭৮৯০(রসা,জী) ৭৮৯০১ ৮৯০১২ ১২৩৪৫ ২৩৪৫৬ *৩৪৫৬৭(রসা,প,গ) ৪৫৬৭৮ ৫৬৭৮৯ ৬৭৮৯০(রসা,জী) ৭৮৯০১ ৮৯০১২ ১২৩৪৫ ২৩৪৫৬ *৩৪৫৬৭(রসা,প,গ) ৪৫৬৭৮ ৫৬৭৮৯ ৬৭৮৯০(রসা,জী) ৭৮৯০১ ৮৯০১২ ১২৩৪৫ ২৩৪৫৬ *৩৪৫৬৭(রসা,প,গ) ৪৫৬৭৮ ৫৬৭৮৯ ৬৭৮৯০(রসা,জী) ৭৮৯০১ ৮৯০১২ ১২৩৪৫ ২৩৪৫৬ *৩৪৫৬৭(রসা,প,গ) ৪৫৬৭৮ ৫৬৭৮৯ ৬৭৮৯০(রসা,জী) ৭৮৯০১ ৮৯০১২ ১২৩৪৫ ২৩৪৫৬ *৩৪৫৬৭(রসা,প,গ) ৪৫৬৭৮ ৫৬৭৮৯ ৬৭৮৯০(রসা,জী) ৭৮৯০১ ৮৯০১২ ১২৩৪৫ ২৩৪৫৬ *৩৪৫৬৭(রসা,প,গ) ৪৫৬৭৮ ৫৬৭৮৯ ৬৭৮৯০(রসা,জী) ৭৮৯০১ ৮৯০১২ ১২৩৪৫ ২৩৪৫৬ *৩৪৫৬৭(রসা,প,গ) ৪৫৬৭৮ ৫৬৭৮৯ ৬৭৮৯০(রসা,জী) ৭৮৯০১ ৮৯০১২ ১২৩৪৫ ২৩৪৫৬ *৩৪৫৬৭(রসা,প,গ) ৪৫৬৭৮ ৫৬৭৮৯ ৬৭৮৯০(রসা,জী) ৭৮৯০১ ৮৯০১২ ১২৩৪৫ ২৩৪৫৬ *৩৪৫৬৭(রসা,প,গ) ৪৫৬৭৮ ৫৬৭৮৯ ৬৭৮৯০(রসা,জী) ৭৮৯০১ ৮৯০১২ ১২৩৪৫ ২৩৪৫৬ *৩৪৫৬৭(রসা,প,গ) ৪৫৬৭৮ ৫৬৭৮৯ ৬৭৮৯০(রসা,জী) ৭৮৯০১ ৮৯০১২ ১২৩৪৫ ২৩৪৫৬ *৩৪৫৬৭(রসা,প,গ) ৪৫৬৭৮ ৫৬৭৮৯ ৬৭৮৯০(রসা,জী) ৭৮৯০১ ৮৯০১২ ১২৩৪৫ ২৩৪৫৬ *৩৪৫৬৭(রসা,প,গ) ৪৫৬৭৮ ৫৬৭৮৯ ৬৭৮৯০(রসা,জী) ৭৮৯০১ ৮৯০১২ ১২৩৪৫ ২৩৪৫৬ *৩৪৫৬৭(রসা,প,গ) ৪৫৬৭৮ ৫৬৭৮৯ ৬৭৮৯০(রসা,জী) ৭৮৯০১ ৮৯০১২ ১২৩৪৫ ২৩৪৫৬ *৩৪৫৬৭(রসা,প,গ) ৪৫৬৭৮ ৫৬৭৮৯ ৬৭৮৯০(রসা,জী) ৭৮৯০১ ৮৯০১২ ১২৩৪৫ ২৩৪৫৬ *৩৪৫৬৭(রসা,প,গ) ৪৫৬৭৮ ৫৬৭৮৯ ৬৭৮৯০(রসা,জী) ৭৮৯০১ ৮৯০১২ ১২৩৪৫ ২৩৪৫৬ *৩৪৫৬৭(রসা,প,গ) ৪৫৬৭৮ ৫৬৭৮৯ ৬৭৮৯০(রসা,জী) ৭৮৯০১ ৮৯০১২ ১২৩৪৫ ২৩৪৫৬ *৩৪৫৬৭(রসা,প,গ) ৪৫৬৭৮ ৫৬৭৮৯ ৬৭৮৯০(রসা,জী) ৭৮৯০১ ৮৯০১২ ১২৩৪৫ ২৩৪৫৬ *৩৪৫৬৭(রসা,প,গ) ৪৫৬৭৮ ৫৬৭৮৯ ৬৭৮৯০(রসা,জী) ৭৮৯০১ ৮৯০১২ ১২৩৪৫ ২৩৪৫৬ *৩৪৫৬৭(রসা,প,গ) ৪৫৬৭৮ ৫৬৭৮৯ ৬৭৮৯০(রসা,জী) ৭৮৯০১ ৮৯০১২ ১২৩৪৫ ২৩৪৫৬ *৩৪৫৬৭(রসা,প,গ) ৪৫৬৭৮ ৫৬৭৮৯ ৬৭৮৯০(রসা,জী) ৭৮৯০১ ৮৯০১২ ১২৩৪৫ ২৩৪৫৬ *৩৪৫৬৭(রসা,প,গ) ৪৫৬৭৮ ৫৬৭৮৯ ৬৭৮৯০(রসা,জী) ৭৮৯০১ ৮৯০১২ ১২৩৪৫ ২৩৪৫৬ *৩৪৫৬৭(রসা,প,গ) ৪৫৬৭৮ ৫৬৭৮৯ ৬৭৮৯০(রসা,জী) ৭৮৯০১ ৮৯০১২ ১২৩৪৫ ২৩৪৫৬ *৩৪৫৬৭(রসা,প,গ) ৪৫৬৭৮ ৫৬৭৮৯ ৬৭৮৯০(রসা,জী) ৭৮৯০১ ৮৯০১২ ১২৩৪৫ ২৩৪৫৬ *৩৪৫৬৭(রসা,প,গ) ৪৫৬৭৮ ৫৬৭৮৯ ৬৭৮৯০(রসা,জী) ৭৮৯০১ ৮৯০১২ ১২৩৪৫ ২৩৪৫৬ *৩৪৫৬৭(রসা,প,গ) ৪৫৬৭৮ ৫৬৭৮৯ ৬৭৮৯০(রসা,জী) ৭৮৯০১ ৮৯০১২ ১২৩৪৫ ২৩৪৫৬ *৩৪৫৬৭(রসা,প,গ) ৪৫৬৭৮ ৫৬৭৮৯ ৬৭৮৯০(রসা,জী) ৭৮৯০১ ৮৯০১২ ১২৩৪৫ ২৩৪৫৬ *৩৪৫৬৭(রসা,প,গ) ৪৫৬৭৮ ৫৬৭৮৯ ৬৭৮৯০(রসা,জী) ৭৮৯০১ ৮৯০১২ ১২৩৪৫ ২৩৪৫৬ *৩৪৫৬৭(রসা,প,গ) ৪৫৬৭৮ ৫৬৭৮৯ ৬৭৮৯০(রসা,জী) ৭৮৯০১ ৮৯০১২ ১২৩৪৫ ২৩৪৫৬ *৩৪৫৬৭(রসা,প,গ) ৪৫৬৭৮ ৫৬৭৮৯ ৬৭৮৯০(রসা,জী) ৭৮৯০১ ৮৯০১২ ১২৩৪৫ ২৩৪৫৬ *৩৪৫৬৭(রসা,প,গ) ৪৫৬৭৮ ৫৬৭৮৯ ৬৭৮৯০(রসা,জী) ৭৮৯০১ ৮৯০১২ ১২৩৪৫ ২৩৪৫৬ *৩৪৫৬৭(রসা,প,গ) ৪৫৬৭৮ ৫৬৭৮৯ ৬৭৮৯০(রসা,জী) ৭৮৯০১ ৮৯০১২ ১২৩৪৫ ২৩৪৫৬ *৩৪৫৬৭(রসা,প,গ) ৪৫৬৭৮ ৫৬৭৮৯ ৬৭৮৯০(রসা,জী) ৭৮৯০১ ৮৯০১২ ১২৩৪৫ ২৩৪৫৬ *৩৪৫৬৭(রসা,প,গ) ৪৫৬৭৮ ৫৬৭৮৯ ৬৭৮৯০(রসা,জী) ৭৮৯০১ ৮৯০১২ ১২৩৪৫ ২৩৪৫৬ *৩৪৫৬৭(রসা,প,গ) ৪৫৬৭৮ ৫৬৭৮৯ ৬৭৮৯০(রসা,জী) ৭৮৯০১ ৮৯০১২ ১২৩৪৫ ২৩৪৫৬ *৩৪৫৬৭(রসা,প,গ) ৪৫৬৭৮ ৫৬৭৮৯ ৬৭৮৯০(রসা,জী) ৭৮৯০১ ৮৯০১২ ১২৩৪৫ ২৩৪৫৬ *৩৪৫৬৭(রসা,প,গ) ৪৫৬৭৮ ৫৬৭৮৯ ৬৭৮৯০(রসা,জী) ৭৮৯০১ ৮৯০১২ ১২৩৪৫ ২৩৪৫৬ *৩৪৫৬৭(রসা,প,গ) ৪৫৬৭৮ ৫৬৭৮৯ ৬৭৮৯০(রসা,জী) ৭৮৯০১ ৮৯০১২ ১২৩৪৫ ২৩৪৫৬ *৩৪৫৬৭(রসা,প,গ) ৪৫৬৭৮ ৫৬৭৮৯ ৬৭৮৯০(রসা,জী) ৭৮৯০১ ৮৯০১২ ১২৩৪৫ ২৩৪৫৬ *৩৪৫৬৭(রসা,প,গ) ৪৫৬৭৮ ৫৬৭৮৯ ৬৭৮৯০(রসা,জী) ৭৮৯০১ ৮৯০১২ ১২৩৪৫ ২৩৪৫৬ *৩৪৫৬৭(রসা,প,গ) ৪৫৬৭৮ ৫৬৭৮৯ ৬৭৮৯০(রসা,জী) ৭৮৯০১ ৮৯০১২ ১২৩৪৫ ২৩৪৫৬ *৩৪৫৬৭(রসা,প,গ) ৪৫৬৭৮ ৫৬৭৮৯ ৬৭৮৯০(রসা,জী) ৭৮৯০১ ৮৯০১২ ১২৩৪৫ ২৩৪৫৬ *৩৪৫৬৭(রসা,প,গ) ৪৫৬৭৮ ৫৬৭৮৯ ৬৭৮৯০(রসা,জী) ৭৮৯০১ ৮৯০১২ ১২৩৪৫ ২৩৪৫৬ *৩৪৫৬৭(রসা,প,গ) ৪৫৬৭৮ ৫৬৭৮৯ ৬৭৮৯০(রসা,জী) ৭৮৯০১ ৮৯০১২ ১২৩৪৫ ২৩৪৫৬ *৩৪৫৬৭(রসা,প,গ) ৪৫৬৭৮ ৫৬৭৮৯ ৬৭৮৯০(রসা,জী) ৭৮৯০১ ৮৯০১২ ১২৩৪৫ ২৩৪৫৬ *৩৪৫৬৭(রসা,প,গ) ৪৫৬৭৮ ৫৬৭৮৯ ৬৭৮৯০(রসা,জী) ৭৮৯০১ ৮৯০১২ ১২৩৪৫ ২৩৪৫৬ *৩৪৫৬৭(রসা,প,গ) ৪৫৬৭৮ ৫৬৭৮৯ ৬৭৮৯০(রসা,জী) ৭৮৯০১ ৮৯০১২ ১২৩৪৫ ২৩৪৫৬ *৩৪৫৬৭(রসা,প,গ) ৪৫৬৭৮ ৫৬৭৮৯ ৬৭৮৯০(রসা,জী) ৭৮৯০১ ৮৯০১২ ১২৩৪৫ ২৩৪৫৬ *৩৪৫৬৭(রসা,প,গ) ৪৫৬৭৮ ৫৬৭৮৯ ৬৭৮৯০(রসা,জী) ৭৮৯০১ ৮৯০১২ ১২৩৪৫ ২৩৪৫৬ *৩৪৫৬৭(রসা,প,গ) ৪৫৬৭৮ ৫৬৭৮৯ ৬৭৮৯০(রসা,জী) ৭৮৯০১ ৮৯০১২ ১২৩৪৫ ২৩৪৫৬ *৩৪৫৬৭(রসা,প,গ) ৪৫৬৭৮ ৫৬৭৮৯ ৬৭৮৯০(রসা,জী) ৭৮৯০১ ৮৯০১২ ১২৩৪৫ ২৩৪৫৬ *৩৪৫৬৭(রসা,প,গ) ৪৫৬৭৮ ৫৬৭৮৯ ৬৭৮৯০(রসা,জী) ৭৮৯০১ ৮৯০১২ ১২৩৪৫ ২৩৪৫৬ *৩৪৫৬৭(রসা,প,গ) ৪৫৬৭৮ ৫৬৭৮৯ ৬৭৮৯০(রসা,জী) ৭৮৯০১ ৮৯০১২ ১২৩৪৫ ২৩৪৫৬ *৩৪৫৬৭(রসা,প,গ) ৪৫৬৭৮ ৫৬৭৮৯ ৬৭৮৯০(রসা,জী) ৭৮৯০১ ৮৯০১২ ১২৩৪৫ ২৩৪৫৬ *৩৪৫৬৭(রসা,প,গ) ৪৫৬৭৮ ৫৬৭৮৯ ৬৭৮৯০(রসা,জী) ৭৮৯০১ ৮৯০১২ ১২৩৪৫ ২৩৪৫৬ *৩৪৫৬৭(রসা,প,গ) ৪৫৬৭৮ ৫৬৭৮৯ ৬৭৮৯০(রসা,জী) ৭৮৯০১ ৮৯০১২ ১২৩৪৫ ২৩৪৫৬ *৩৪৫৬৭(রসা,প,গ) ৪৫৬৭৮ ৫৬৭৮৯ ৬৭৮৯০(রসা,জী) ৭৮৯০১ ৮৯০১২ ১২৩৪৫ ২৩৪৫৬ *৩৪৫৬৭(রসা,প,গ) ৪৫৬৭৮ ৫৬৭৮৯ ৬৭৮৯০(রসা,জী) ৭৮৯০১ ৮৯০১২ ১২৩৪৫ ২৩৪৫৬ *৩৪৫৬৭(রসা,প,গ) ৪৫৬৭৮ ৫৬৭৮৯ ৬৭৮৯০(রসা,জী) ৭৮৯০১ ৮৯০১২ ১২৩৪৫ ২৩৪৫৬ *৩৪৫৬৭(রসা,প,গ) ৪৫৬৭৮ ৫৬৭৮৯ ৬৭৮৯০(রসা,জী) ৭৮৯০১ ৮৯০১২ ১২৩৪৫ ২৩৪৫৬ *৩৪৫৬৭(রসা,প,গ) ৪৫৬৭৮ ৫৬৭৮৯ ৬৭৮৯০(রসা,জী) ৭৮৯০১ ৮৯০১২ ১২৩৪৫ ২৩৪৫৬ *৩৪৫৬৭(রসা,প,গ) ৪৫৬৭৮ ৫৬৭৮৯ ৬৭৮৯০(রসা,জী) ৭৮৯০১ ৮৯০১২ ১২৩৪৫ ২৩৪৫৬ *৩৪৫৬৭(রসা,প,গ) ৪৫৬৭৮ ৫৬৭৮৯ ৬৭৮৯০(রসা,জী) ৭৮৯০১ ৮৯০১২ ১২৩৪৫ ২৩৪৫৬ *৩৪৫৬৭(রসা,প,গ) ৪৫৬৭৮ ৫৬৭৮৯ ৬৭৮৯০(রসা,জী) ৭৮৯০১ ৮৯০১২ ১২৩৪৫ ২৩৪৫৬ *৩৪৫৬৭(রসা,প,গ) ৪৫৬৭৮ ৫৬৭৮৯ ৬৭৮৯০(রসা,জী) ৭৮৯০১ ৮৯০১২ ১২৩৪৫ ২৩৪৫৬ *৩৪৫৬৭(রসা,প,গ) ৪৫৬৭৮ ৫৬৭৮৯ ৬৭৮৯০(রসা,জী) ৭৮৯০১ ৮৯০১২ ১২৩৪৫ ২৩৪৫৬ *৩৪৫৬৭(রসা,প,গ) ৪৫৬৭৮ ৫৬৭৮৯ ৬৭৮৯০(রসা,জী) ৭৮৯০১ ৮৯০১২ ১২৩৪৫ ২৩৪৫৬ *৩৪৫৬৭(রসা,প,গ) ৪৫৬৭৮ ৫৬৭৮৯ ৬৭৮৯০(রসা,জী) ৭৮৯০১ ৮৯০১২ ১২৩৪৫ ২৩৪৫৬ *৩৪৫৬৭(রসা,প,গ) ৪৫৬৭৮ ৫৬৭৮৯ ৬৭৮৯০(রসা,জী) ৭৮৯০১ ৮৯০১২ ১২৩৪৫ ২৩৪৫৬ *৩৪৫৬৭(রসা,প,গ) ৪৫৬৭৮ ৫৬৭৮৯ ৬৭৮৯০(রসা,জী) ৭৮৯০১ ৮৯০১২ ১২৩৪৫ ২৩৪৫৬ *৩৪৫৬৭(রসা,প,গ) ৪৫৬৭৮ ৫৬৭৮৯ ৬৭৮৯০(রসা,জী) ৭৮৯০১ ৮৯০১২ ১২৩৪৫ ২৩৪৫৬ *৩৪৫৬৭(রসা,প,গ) ৪৫৬৭৮ ৫৬৭৮৯ ৬৭৮৯০(রসা,জী) ৭৮৯০১ ৮৯০১২ ১২৩৪৫ ২৩৪৫৬ *৩৪৫৬৭(রসা,প,গ) ৪৫৬৭৮ ৫৬৭৮৯ ৬৭৮৯০(রসা,জী) ৭৮৯০১ ৮৯০১২ ১২৩৪৫ ২৩৪৫৬ *৩৪৫৬৭(রসা,প,গ) ৪৫৬৭৮ ৫৬৭৮৯ ৬৭৮৯০(রসা,জী) ৭৮৯০১ ৮৯০১২ ১২৩৪৫ ২৩৪৫৬ *৩৪৫৬৭(রসা,প,গ) ৪৫৬৭৮ ৫৬৭৮৯ ৬৭৮৯০(রসা,জী) ৭৮৯০১ ৮৯০১২ ১২৩৪৫ ২৩৪৫৬ *৩৪৫৬৭(রসা,প,গ) ৪৫৬৭৮ ৫৬৭৮৯ ৬৭৮৯০(রসা,জী) ৭৮৯০১ ৮৯০১২ ১২৩৪৫ ২৩৪৫৬ *৩৪৫৬৭(রসা,প,গ) ৪৫৬৭৮ ৫৬৭৮৯ ৬৭৮৯০(রসা,জী) ৭৮৯০১ ৮৯০১২ ১২৩৪৫ ২৩৪৫৬ *৩৪৫৬৭(রসা,প,গ) ৪৫৬৭৮ ৫৬৭৮৯ ৬৭৮৯০(রসা,জী) ৭৮৯০১ ৮৯০১২ ১২৩৪৫ ২৩৪৫৬ *৩৪৫৬৭(রসা,প
হলিক্রস কলেজ
রোল নম্বর ..... মোট ... জন।
১২৩৪৫ ২৩৪৫৬ *৩৪৫৬৭(রসা,প,গ) ৪৫৬৭৮ ৫৬৭৮৯ ৬৭৮৯০(রসা,জী) ৭৮৯০১ ৮৯০১২ ১২৩৪৫ ২৩৪৫৬ *৩৪৫৬৭(রসা,প,গ) ৪৫৬৭৮ ৫৬৭৮৯ ৬৭৮৯০(রসা,জী) ৭৮৯০১ ৮৯০১২ ১২৩৪৫ ২৩৪৫৬ *৩৪৫৬৭(রসা,প,গ) ৪৫৬৭৮ ৫৬৭৮৯ ৬৭৮৯০(রসা,জী) ৭৮৯০১ ৮৯০১২ ১২৩৪৫ ২৩৪৫৬ *৩৪৫৬৭(রসা,প,গ) ৪৫৬৭৮ ৫৬৭৮৯ ৬৭৮৯০(রসা,জী) ৭৮৯০১ ৮৯০১২ ১২৩৪৫ ২৩৪৫৬ *৩৪৫৬৭(রসা,প,গ) ৪৫৬৭৮ ৫৬৭৮৯ ৬৭৮৯০(রসা,জী) ৭৮৯০১ ৮৯০১২ ১২৩৪৫ ২৩৪৫৬ *৩৪৫৬৭(রসা,প,গ) ৪৫৬৭৮ ৫৬৭৮৯ ৬৭৮৯০(রসা,জী) ৭৮৯০১ ৮৯০১২ ১২৩৪৫ ২৩৪৫৬ *৩৪৫৬৭(রসা,প,গ) ৪৫৬৭৮ ৫৬৭৮৯ ৬৭৮৯০(রসা,জী) ৭৮৯০১ ৮৯০১২ ১২৩৪৫ ২৩৪৫৬ *৩৪৫৬৭(রসা,প,গ) ৪৫৬৭৮ ৫৬৭৮৯ ৬৭৮৯০(রসা,জী) ৭৮৯০১ ৮৯০১২ ১২৩৪৫ ২৩৪৫৬ *৩৪৫৬৭(রসা,প,গ) ৪৫৬৭৮ ৫৬৭৮৯ ৬৭৮৯০(রসা,জী) ৭৮৯০১ ৮৯০১২ ১২৩৪৫ ২৩৪৫৬ *৩৪৫৬৭(রসা,প,গ) ৪৫৬৭৮ ৫৬৭৮৯ ৬৭৮৯০(রসা,জী) ৭৮৯০১ ৮৯০১২ ১২৩৪৫ ২৩৪৫৬ *৩৪৫৬৭(রসা,প,গ) ৪৫৬৭৮ ৫৬৭৮৯ ৬৭৮৯০(রসা,জী) ৭৮৯০১ ৮৯০১২ ১২৩৪৫ ২৩৪৫৬ *৩৪৫৬৭(রসা,প,গ) ৪৫৬৭৮ ৫৬৭৮৯ ৬৭৮৯০(রসা,জী) ৭৮৯০১ ৮৯০১২ ১২৩৪৫ ২৩৪৫৬ *৩৪৫৬৭(রসা,প,গ) ৪৫৬৭৮ ৫৬৭৮৯ ৬৭৮৯০(রসা,জী) ৭৮৯০১ ৮৯০১২ ১২৩৪৫ ২৩৪৫৬ *৩৪৫৬৭(রসা,প,গ) ৪৫৬৭৮ ৫৬৭৮৯ ৬৭৮৯০(রসা,জী) ৭৮৯০১ ৮৯০১২ ১২৩৪৫ ২৩৪৫৬ *৩৪৫৬৭(রসা,প,গ) ৪৫৬৭৮ ৫৬৭৮৯ ৬৭৮৯০(রসা,জী) ৭৮৯০১ ৮৯০১২ ১২৩৪৫ ২৩৪৫৬ *৩৪৫৬৭(রসা,প,গ) ৪৫৬৭৮ ৫৬৭৮৯ ৬৭৮৯০(রসা,জী) ৭৮৯০১ ৮৯০১২ ১২৩৪৫ ২৩৪৫৬ *৩৪৫৬৭(রসা,প,গ) ৪৫৬৭৮ ৫৬৭৮৯ ৬৭৮৯০(রসা,জী) ৭৮৯০১ ৮৯০১২ ১২৩৪৫ ২৩৪৫৬ *৩৪৫৬৭(রসা,প,গ) ৪৫৬৭৮ ৫৬৭৮৯ ৬৭৮৯০(রসা,জী) ৭৮৯০১ ৮৯০১২ ১২৩৪৫ ২৩৪৫৬ *৩৪৫৬৭(রসা,প,গ) ৪৫৬৭৮ ৫৬৭৮৯ ৬৭৮৯০(রসা,জী) ৭৮৯০১ ৮৯০১২ ১২৩৪৫ ২৩৪৫৬ *৩৪৫৬৭(রসা,প,গ) ৪৫৬৭৮ ৫৬৭৮৯ ৬৭৮৯০(রসা,জী) ৭৮৯০১ ৮৯০১২ ১২৩৪৫ ২৩৪৫৬ *৩৪৫৬৭(রসা,প,গ) ৪৫৬৭৮ ৫৬৭৮৯ ৬৭৮৯০(রসা,জী) ৭৮৯০১ ৮৯০১২ ১২৩৪৫ ২৩৪৫৬ *৩৪৫৬৭(রসা,প,গ) ৪৫৬৭৮ ৫৬৭৮৯ ৬৭৮৯০(রসা,জী) ৭৮৯০১ ৮৯০১২ ১২৩৪৫ ২৩৪৫৬ *৩৪৫৬৭(রসা,প,গ) ৪৫৬৭৮ ৫৬৭৮৯ ৬৭৮৯০(রসা,জী) ৭৮৯০১ ৮৯০১২ ১২৩৪৫ ২৩৪৫৬ *৩৪৫৬৭(রসা,প,গ) ৪৫৬৭৮ ৫৬৭৮৯ ৬৭৮৯০(রসা,জী) ৭৮৯০১ ৮৯০১২ ১২৩৪৫ ২৩৪৫৬ *৩৪৫৬৭(রসা,প,গ) ৪৫৬৭৮ ৫৬৭৮৯ ৬৭৮৯০(রসা,জী) ৭৮৯০১ ৮৯০১২ ১২৩৪৫ ২৩৪৫৬ *৩৪৫৬৭(রসা,প,গ) ৪৫৬৭৮ ৫৬৭৮৯ ৬৭৮৯০(রসা,জী) ৭৮৯০১ ৮৯০১২ ১২৩৪৫ ২৩৪৫৬ *৩৪৫৬৭(রসা,প,গ) ৪৫৬৭৮ ৫৬৭৮৯ ৬৭৮৯০(রসা,জী) ৭৮৯০১ ৮৯০১২ ১২৩৪৫ ২৩৪৫৬ *৩৪৫৬৭(রসা,প,গ) ৪৫৬৭৮ ৫৬৭৮৯ ৬৭৮৯০(রসা,জী) ৭৮৯০১ ৮৯০১২ ১২৩৪৫ ২৩৪৫৬ *৩৪৫৬৭(রসা,প,গ) ৪৫৬৭৮ ৫৬৭৮৯ ৬৭৮৯০(রসা,জী) ৭৮৯০১ ৮৯০১২ ১২৩৪৫ ২৩৪৫৬ *৩৪৫৬৭(রসা,প,গ) ৪৫৬৭৮ ৫৬৭৮৯ ৬৭৮৯০(রসা,জী) ৭৮৯০১ ৮৯০১২ ১২৩৪৫ ২৩৪৫৬ *৩৪৫৬৭(রসা,প,গ) ৪৫৬৭৮ ৫৬৭৮৯ ৬৭৮৯০(রসা,জী) ৭৮৯০১ ৮৯০১২ ১২৩৪৫ ২৩৪৫৬ *৩৪৫৬৭(রসা,প,গ) ৪৫৬৭৮ ৫৬৭৮৯ ৬৭৮৯০(রসা,জী) ৭৮৯০১ ৮৯০১২ ১২৩৪৫ ২৩৪৫৬ *৩৪৫৬৭(রসা,প,গ) ৪৫৬৭৮ ৫৬৭৮৯ ৬৭৮৯০(রসা,জী) ৭৮৯০১ ৮৯০১২ ১২৩৪৫ ২৩৪৫৬ *৩৪৫৬৭(রসা,প,গ) ৪৫৬৭৮ ৫৬৭৮৯ ৬৭৮৯০(রসা,জী) ৭৮৯০১ ৮৯০১২ ১২৩৪৫ ২৩৪৫৬ *৩৪৫৬৭(রসা,প,গ) ৪৫৬৭৮ ৫৬৭৮৯ ৬৭৮৯০(রসা,জী) ৭৮৯০১ ৮৯০১২ ১২৩৪৫ ২৩৪৫৬ *৩৪৫৬৭(রসা,প,গ) ৪৫৬৭৮ ৫৬৭৮৯ ৬৭৮৯০(রসা,জী) ৭৮৯০১ ৮৯০১২ ১২৩৪৫ ২৩৪৫৬ *৩৪৫৬৭(রসা,প,গ) ৪৫৬৭৮ ৫৬৭৮৯ ৬৭৮৯০(রসা,জী) ৭৮৯০১ ৮৯০১২ ১২৩৪৫ ২৩৪৫৬ *৩৪৫৬৭(রসা,প,গ) ৪৫৬৭৮ ৫৬৭৮৯ ৬৭৮৯০(রসা,জী) ৭৮৯০১ ৮৯০১২ ১২৩৪৫ ২৩৪৫৬ *৩৪৫৬৭(রসা,প,গ) ৪৫৬৭৮ ৫৬৭৮৯ ৬৭৮৯০(রসা,জী) ৭৮৯০১ ৮৯০১২ ১২৩৪৫ ২৩৪৫৬ *৩৪৫৬৭(রসা,প,গ) ৪৫৬৭৮ ৫৬৭৮৯ ৬৭৮৯০(রসা,জী) ৭৮৯০১ ৮৯০১২ ১২৩৪৫ ২৩৪৫৬ *৩৪৫৬৭(রসা,প,গ) ৪৫৬৭৮ ৫৬৭৮৯ ৬৭৮৯০(রসা,জী) ৭৮৯০১ ৮৯০১২ ১২৩৪৫ ২৩৪৫৬ *৩৪৫৬৭(রসা,প,গ) ৪৫৬৭৮ ৫৬৭৮৯ ৬৭৮৯০(রসা,জী) ৭৮৯০১ ৮৯০১২ ১২৩৪৫ ২৩৪৫৬ *৩৪৫৬৭(রসা,প,গ) ৪৫৬৭৮ ৫৬৭৮৯ ৬৭৮৯০(রসা,জী) ৭৮৯০১ ৮৯০১২ ১২৩৪৫ ২৩৪৫৬ *৩৪৫৬৭(রসা,প,গ) ৪৫৬৭৮ ৫৬৭৮৯ ৬৭৮৯০(রসা,জী) ৭৮৯০১ ৮৯০১২ ১২৩৪৫ ২৩৪৫৬ *৩৪৫৬৭(রসা,প,গ) ৪৫৬৭৮ ৫৬৭৮৯ ৬৭৮৯০(রসা,জী) ৭৮৯০১ ৮৯০১২ ১২৩৪৫ ২৩৪৫৬ *৩৪৫৬৭(রসা,প,গ) ৪৫৬৭৮ ৫৬৭৮৯ ৬৭৮৯০(রসা,জী) ৭৮৯০১ ৮৯০১২ ১২৩৪৫ ২৩৪৫৬ *৩৪৫৬৭(রসা,প,গ) ৪৫৬৭৮ ৫৬৭৮৯ ৬৭৮৯০(রসা,জী) ৭৮৯০১ ৮৯০১২ ১২৩৪৫ ২৩৪৫৬ *৩৪৫৬৭(রসা,প,গ) ৪৫৬৭৮ ৫৬৭৮৯ ৬৭৮৯০(রসা,জী) ৭৮৯০১ ৮৯০১২ ১২৩৪৫ ২৩৪৫৬ *৩৪৫৬৭(রসা,প,গ) ৪৫৬৭৮ ৫৬৭৮৯ ৬৭৮৯০(রসা,জী) ৭৮৯০১ ৮৯০১২ ১২৩৪৫ ২৩৪৫৬ *৩৪৫৬৭(রসা,প,গ) ৪৫৬৭৮ ৫৬৭৮৯ ৬৭৮৯০(রসা,জী) ৭৮৯০১ ৮৯০১২ ১২৩৪৫ ২৩৪৫৬ *৩৪৫৬৭(রসা,প,গ) ৪৫৬৭৮ ৫৬৭৮৯ ৬৭৮৯০(রসা,জী) ৭৮৯০১ ৮৯০১২ ১২৩৪৫ ২৩৪৫৬ *৩৪৫৬৭(রসা,প,গ) ৪৫৬৭৮ ৫৬৭৮৯ ৬৭৮৯০(রসা,জী) ৭৮৯০১ ৮৯০১২ ১২৩৪৫ ২৩৪৫৬ *৩৪৫৬৭(রসা,প,গ) ৪৫৬৭৮ ৫৬৭৮৯ ৬৭৮৯০(রসা,জী) ৭৮৯০১ ৮৯০১২ ১২৩৪৫ ২৩৪৫৬ *৩৪৫৬৭(রসা,প,গ) ৪৫৬৭৮ ৫৬৭৮৯ ৬৭৮৯০(রসা,জী) ৭৮৯০১ ৮৯০১২ ১২৩৪৫ ২৩৪৫৬ *৩৪৫৬৭(রসা,প,গ) ৪৫৬৭৮ ৫৬৭৮৯ ৬৭৮৯০(রসা,জী) ৭৮৯০১ ৮৯০১২ ১২৩৪৫ ২৩৪৫৬ *৩৪৫৬৭(রসা,প,গ) ৪৫৬৭৮ ৫৬৭৮৯ ৬৭৮৯০(রসা,জী) ৭৮৯০১ ৮৯০১২ ১২৩৪৫ ২৩৪৫৬ *৩৪৫৬৭(রসা,প,গ) ৪৫৬৭৮ ৫৬৭৮৯ ৬৭৮৯০(রসা,জী) ৭৮৯০১ ৮৯০১২ ১২৩৪৫ ২৩৪৫৬ *৩৪৫৬৭(রসা,প,গ) ৪৫৬৭৮ ৫৬৭৮৯ ৬৭৮৯০(রসা,জী) ৭৮৯০১ ৮৯০১২ ১২৩৪৫ ২৩৪৫৬
ইডেন মহিলা কলেজ, ঢাকা
রোল নম্বর ..... মোট ... জন।
১২৩৪৫ ২৩৪৫৬ *৩৪৫৬৭(রসা,প,গ) ৪৫৬৭৮ ৫৬৭৮৯ ৬৭৮৯০(রসা,জী) ৭৮৯০১ ৮৯০১২ ১২৩৪৫ ২৩৪৫৬ *৩৪৫৬৭(রসা,প,গ) ৪৫৬৭৮ ৫৬৭৮৯ ৬৭৮৯০(রসা,জী) ৭৮৯০১ ৮৯০১২ ১২৩৪৫ ২৩৪৫৬ *৩৪৫৬৭(রসা,প,গ) ৪৫৬৭৮ ৫৬৭৮৯ ৬৭৮৯০(রসা,জী) ৭৮৯০১ ৮৯০১২ ১২৩৪৫ ২৩৪৫৬ *৩৪৫৬৭(রসা,প,গ) ৪৫৬৭৮ ৫৬৭৮৯ ৬৭৮৯০(রসা,জী) ৭৮৯০১ ৮৯০১২ ১২৩৪৫ ২৩৪৫৬ *৩৪৫৬৭(রসা,প,গ) ৪৫৬৭৮ ৫৬৭৮৯ ৬৭৮৯০(রসা,জী) ৭৮৯০১ ৮৯০১২ ১২৩৪৫ ২৩৪৫৬ *৩৪৫৬৭(রসা,প,গ) ৪৫৬৭৮ ৫৬৭৮৯ ৬৭৮৯০(রসা,জী) ৭৮৯০১ ৮৯০১২ ১২৩৪৫ ২৩৪৫৬ *৩৪৫৬৭(রসা,প,গ) ৪৫৬৭৮ ৫৬৭৮৯ ৬৭৮৯০(রসা,জী) ৭৮৯০১ ৮৯০১২ ১২৩৪৫ ২৩৪৫৬ *৩৪৫৬৭(রসা,প,গ) ৪৫৬৭৮ ৫৬৭৮৯ ৬৭৮৯০(রসা,জী) ৭৮৯০১ ৮৯০১২ ১২৩৪৫ ২৩৪৫৬ *৩৪৫৬৭(রসা,প,গ) ৪৫৬৭৮ ৫৬৭৮৯ ৬৭৮৯০(রসা,জী) ৭৮৯০১ ৮৯০১২ ১২৩৪৫ ২৩৪৫৬ *৩৪৫৬৭(রসা,প,গ) ৪৫৬৭৮ ৫৬৭৮৯ ৬৭৮৯০(রসা,জী) ৭৮৯০১ ৮৯০১২ ১২৩৪৫ ২৩৪৫৬ *৩৪৫৬৭(রসা,প,গ) ৪৫৬৭৮ ৫৬৭৮৯ ৬৭৮৯০(রসা,জী) ৭৮৯০১ ৮৯০১২ ১২৩৪৫ ২৩৪৫৬ *৩৪৫৬৭(রসা,প,গ) ৪৫৬৭৮ ৫৬৭৮৯ ৬৭৮৯০(রসা,জী) ৭৮৯০১ ৮৯০১২ ১২৩৪৫ ২৩৪৫৬ *৩৪৫৬৭(রসা,প,গ) ৪৫৬৭৮ ৫৬৭৮৯ ৬৭৮৯০(রসা,জী) ৭৮৯০১ ৮৯০১২ ১২৩৪৫ ২৩৪৫৬ *৩৪৫৬৭(রসা,প,গ) ৪৫৬৭৮ ৫৬৭৮৯ ৬৭৮৯০(রসা,জী) ৭৮৯০১ ৮৯০১২ ১২৩৪৫ ২৩৪৫৬ *৩৪৫৬৭(রসা,প,গ) ৪৫৬৭৮ ৫৬৭৮৯ ৬৭৮৯০(রসা,জী) ৭৮৯০১ ৮৯০১২ ১২৩৪৫ ২৩৪৫৬ *৩৪৫৬৭(রসা,প,গ) ৪৫৬৭৮ ৫৬৭৮৯ ৬৭৮৯০(রসা,জী) ৭৮৯০১ ৮৯০১২ ১২৩৪৫ ২৩৪৫৬ *৩৪৫৬৭(রসা,প,গ) ৪৫৬৭৮ ৫৬৭৮৯ ৬৭৮৯০(রসা,জী) ৭৮৯০১ ৮৯০১২ ১২৩৪৫ ২৩৪৫৬ *৩৪৫৬৭(রসা,প,গ) ৪৫৬৭৮ ৫৬৭৮৯ ৬৭৮৯০(রসা,জী) ৭৮৯০১ ৮৯০১২ ১২৩৪৫ ২৩৪৫৬ *৩৪৫৬৭(রসা,প,গ) ৪৫৬৭৮ ৫৬৭৮৯ ৬৭৮৯০(রসা,জী) ৭৮৯০১ ৮৯০১২ ১২৩৪৫ ২৩৪৫৬ *৩৪৫৬৭(রসা,প,গ) ৪৫৬৭৮ ৫৬৭৮৯ ৬৭৮৯০(রসা,জী) ৭৮৯০১ ৮৯০১২ ১২৩৪৫ ২৩৪৫৬ *৩৪৫৬৭(রসা,প,গ) ৪৫৬৭৮ ৫৬৭৮৯ ৬৭৮৯০(রসা,জী) ৭৮৯০১ ৮৯০১২ ১২৩৪৫ ২৩৪৫৬ *৩৪৫৬৭(রসা,প,গ) ৪৫৬৭৮ ৫৬৭৮৯ ৬৭৮৯০(রসা,জী) ৭৮৯০১ ৮৯০১২ ১২৩৪৫ ২৩৪৫৬ *৩৪৫৬৭(রসা,প,গ) ৪৫৬৭৮ ৫৬৭৮৯ ৬৭৮৯০(রসা,জী) ৭৮৯০১ ৮৯০১২ ১২৩৪৫ ২৩৪৫৬ *৩৪৫৬৭(রসা,প,গ) ৪৫৬৭৮ ৫৬৭৮৯ ৬৭৮৯০(রসা,জী) ৭৮৯০১ ৮৯০১২ ১২৩৪৫ ২৩৪৫৬ *৩৪৫৬৭(রসা,প,গ) ৪৫৬৭৮ ৫৬৭৮৯ ৬৭৮৯০(রসা,জী) ৭৮৯০১ ৮৯০১২ ১২৩৪৫ ২৩৪৫৬ *৩৪৫৬৭(রসা,প,গ) ৪৫৬৭৮ ৫৬৭৮৯ ৬৭৮৯০(রসা,জী) ৭৮৯০১ ৮৯০১২ ১২৩৪৫ ২৩৪৫৬ *৩৪৫৬৭(রসা,প,গ) ৪৫৬৭৮ ৫৬৭৮৯ ৬৭৮৯০(রসা,জী) ৭৮৯০১ ৮৯০১২ ১২৩৪৫ ২৩৪৫৬ *৩৪৫৬৭(রসা,প,গ) ৪৫৬৭৮ ৫৬৭৮৯ ৬৭৮৯০(রসা,জী) ৭৮৯০১ ৮৯০১২ ১২৩৪৫ ২৩৪৫৬ *৩৪৫৬৭(রসা,প,গ) ৪৫৬৭৮ ৫৬৭৮৯ ৬৭৮৯০(রসা,জী) ৭৮৯০১ ৮৯০১২ ১২৩৪৫ ২৩৪৫৬ *৩৪৫৬৭(রসা,প,গ) ৪৫৬৭৮ ৫৬৭৮৯ ৬৭৮৯০(রসা,জী) ৭৮৯০১ ৮৯০১২ ১২৩৪৫ ২৩৪৫৬ *৩৪৫৬৭(রসা,প,গ) ৪৫৬৭৮ ৫৬৭৮৯ ৬৭৮৯০(রসা,জী) ৭৮৯০১ ৮৯০১২ ১২৩৪৫ ২৩৪৫৬ *৩৪৫৬৭(রসা,প,গ) ৪৫৬৭৮ ৫৬৭৮৯ ৬৭৮৯০(রসা,জী) ৭৮৯০১ ৮৯০১২
আইডিয়াল কলেজ, ঢাকা
রোল নম্বর ..... মোট ... জন।
১২৩৪৫ ২৩৪৫৬ *৩৪৫৬৭(রসা,প,গ) ৪৫৬৭৮ ৫৬৭৮৯ ৬৭৮৯০(রসা,জী) ৭৮৯০১ ৮৯০১২ ১২৩৪৫ ২৩৪৫৬ *৩৪৫৬৭(রসা,প,গ) ৪৫৬৭৮ ৫৬৭৮৯ ৬৭৮৯০(রসা,জী) ৭৮৯০১ ৮৯০১২ ১২৩৪৫ ২৩৪৫৬ *৩৪৫৬৭(রসা,প,গ) ৪৫৬৭৮ ৫৬৭৮৯ ৬৭৮৯০(রসা,জী) ৭৮৯০১ ৮৯০১২ ১২৩৪৫ ২৩৪৫৬ *৩৪৫৬৭(রসা,প,গ) ৪৫৬৭৮ ৫৬৭৮৯ ৬৭৮৯০(রসা,জী) ৭৮৯০১ ৮৯০১২ ১২৩৪৫ ২৩৪৫৬ *৩৪৫৬৭(রসা,প,গ) ৪৫৬৭৮ ৫৬৭৮৯ ৬৭৮৯০(রসা,জী) ৭৮৯০১ ৮৯০১২ ১২৩৪৫ ২৩৪৫৬ *৩৪৫৬৭(রসা,প,গ) ৪৫৬৭৮ ৫৬৭৮৯ ৬৭৮৯০(রসা,জী) ৭৮৯০১ ৮৯০১২ ১২৩৪৫ ২৩৪৫৬ *৩৪৫৬৭(রসা,প,গ) ৪৫৬৭৮ ৫৬৭৮৯ ৬৭৮৯০(রসা,জী) ৭৮৯০১ ৮৯০১২ ১২৩৪৫ ২৩৪৫৬ *৩৪৫৬৭(রসা,প,গ) ৪৫৬৭৮ ৫৬৭৮৯ ৬৭৮৯০(রসা,জী) ৭৮৯০১ ৮৯০১২ ১২৩৪৫ ২৩৪৫৬ *৩৪৫৬৭(রসা,প,গ) ৪৫৬৭৮ ৫৬৭৮৯ ৬৭৮৯০(রসা,জী) ৭৮৯০১ ৮৯০১২ ১২৩৪৫ ২৩৪৫৬ *৩৪৫৬৭(রসা,প,গ) ৪৫৬৭৮ ৫৬৭৮৯ ৬৭৮৯০(রসা,জী) ৭৮৯০১ ৮৯০১২ ১২৩৪৫ ২৩৪৫৬ *৩৪৫৬৭(রসা,প,গ) ৪৫৬৭৮ ৫৬৭৮৯ ৬৭৮৯০(রসা,জী) ৭৮৯০১ ৮৯০১২ ১২৩৪৫ ২৩৪৫৬ *৩৪৫৬৭(রসা,প,গ) ৪৫৬৭৮ ৫৬৭৮৯ ৬৭৮৯০(রসা,জী) ৭৮৯০১ ৮৯০১২ ১২৩৪৫ ২৩৪৫৬ *৩৪৫৬৭(রসা,প,গ) ৪৫৬৭৮ ৫৬৭৮৯ ৬৭৮৯০(রসা,জী) ৭৮৯০১ ৮৯০১২ ১২৩৪৫ ২৩৪৫৬ *৩৪৫৬৭(রসা,প,গ) ৪৫৬৭৮ ৫৬৭৮৯ ৬৭৮৯০(রসা,জী) ৭৮৯০১ ৮৯০১২ ১২৩৪৫ ২৩৪৫৬ *৩৪৫৬৭(রসা,প,গ) ৪৫৬৭৮ ৫৬৭৮৯ ৬৭৮৯০(রসা,জী) ৭৮৯০১ ৮৯০১২ ১২৩৪৫ ২৩৪৫৬ *৩৪৫৬৭(রসা,প,গ) ৪৫৬৭৮ ৫৬৭৮৯ ৬৭৮৯০(রসা,জী) ৭৮৯০১ ৮৯০১২ ১২৩৪৫ ২৩৪৫৬ *৩৪৫৬৭(রসা,প,গ) ৪৫৬৭৮ ৫৬৭৮৯ ৬৭৮৯০(রসা,জী) ৭৮৯০১ ৮৯০১২ ১২৩৪৫ ২৩৪৫৬ *৩৪৫৬৭(রসা,প,গ) ৪৫
আদমজী ক্যান্টনমেন্ট কলেজ
রোল নম্বর ..... মোট ... জন।
১২৩৪৫ ২৩৪৫৬ *৩৪৫৬৭(রসা,প,গ) ৪৫৬৭৮ ৫৬৭৮৯ ৬৭৮৯০(রসা,জী) ৭৮৯০১ ৮৯০১২ ১২৩৪৫ ২৩৪৫৬ *৩৪৫৬৭(রসা,প,গ) ৪৫৬৭৮ ৫৬৭৮৯ ৬৭৮৯০(রসা,জী) ৭৮৯০১ ৮৯০১২ ১২৩৪৫ ২৩৪৫৬ *৩৪৫৬৭(রসা,প,গ) ৪৫৬৭৮ ৫৬৭৮৯ ৬৭৮৯০(রসা,জী) ৭৮৯০১ ৮৯০১২ ১২৩৪৫ ২৩৪৫৬ *৩৪৫৬৭(রসা,প,গ) ৪৫৬৭৮ ৫৬৭৮৯ ৬৭৮৯০(রসা,জী) ৭৮৯০১ ৮৯০১২ ১২৩৪৫ ২৩৪৫৬ *৩৪৫৬৭(রসা,প,গ) ৪৫৬৭৮ ৫৬৭৮৯ ৬৭৮৯০(রসা,জী) ৭৮৯০১ ৮৯০১২ ১২৩৪৫ ২৩৪৫৬ *৩৪৫৬৭(রসা,প,গ) ৪৫৬৭৮ ৫৬৭৮৯ ৬৭৮৯০(রসা,জী) ৭৮৯০১ ৮৯০১২ ১২৩৪৫ ২৩৪৫৬ *৩৪৫৬৭(রসা,প,গ) ৪৫৬৭৮ ৫৬৭৮৯ ৬৭৮৯০(রসা,জী) ৭৮৯০১ ৮৯০১২ ১২৩৪৫ ২৩৪৫৬ *৩৪৫৬৭(রসা,প,গ) ৪৫৬৭৮ ৫৬৭৮৯ ৬৭৮৯০(রসা,জী) ৭৮৯০১ ৮৯০১২ ১২৩৪৫ ২৩৪৫৬ *৩৪৫৬৭(রসা,প,গ) ৪৫৬৭৮ ৫৬৭৮৯ ৬৭৮৯০(রসা,জী) ৭৮৯০১ ৮৯০১২ ১২৩৪৫ ২৩৪৫৬ *৩৪৫৬৭(রসা,প,গ) ৪৫৬৭৮ ৫৬৭৮৯ ৬৭৮৯০(রসা,জী) ৭৮৯০১ ৮৯০১২ ১২৩৪৫ ২৩৪৫৬ *৩৪৫৬৭(রসা,প,গ) ৪৫৬৭৮ ৫৬৭৮৯ ৬৭৮৯০(রসা,জী) ৭৮৯০১ ৮৯০১২ ১২৩৪৫ ২৩৪৫৬ *৩৪৫৬৭(রসা,প,গ) ৪৫৬৭৮ ৫৬৭৮৯ ৬৭৮৯০(রসা,জী) ৭৮৯০১ ৮৯০১২ ১২৩৪৫ ২৩৪৫৬ *৩৪৫৬৭(রসা,প,গ) ৪৫৬৭৮ ৫৬৭৮৯ ৬৭৮৯০(রসা,জী) ৭৮৯০১ ৮৯০১২ ১২৩৪৫ ২৩৪৫৬ *৩৪৫৬৭(রসা,প,গ) ৪৫৬৭৮ ৫৬৭৮৯ ৬৭৮৯০(রসা,জী) ৭৮৯০১ ৮৯০১২ ১২৩৪৫ ২৩৪৫৬ *৩৪৫৬৭(রসা,প,গ) ৪৫৬৭৮ ৫৬৭৮৯ ৬৭৮৯০(রসা,জী) ৭৮৯০১ ৮৯০১২ ১২৩৪৫ ২৩৪৫৬ *৩৪৫৬৭(রসা,প,গ) ৪৫৬৭৮ ৫৬৭৮৯ ৬৭৮৯০(রসা,জী) ৭৮৯০১ ৮৯০১২ ১২৩৪৫ ২৩৪৫৬ *৩৪৫৬৭(রসা,প,গ) ৪৫৬৭৮ ৫৬৭৮৯ ৬৭৮৯০(রসা,জী) ৭৮৯০১ ৮৯০১২ ১২৩৪৫ ২৩৪৫৬ *৩৪৫৬৭(রসা,প,গ) ৪৫৬৭৮ ৫৬৭৮৯ ৬৭৮৯০(রসা,জী) ৭৮৯০১ ৮৯০১২ ১২৩৪৫ ২৩৪৫৬ *৩৪৫৬৭(রসা,প,গ) ৪৫৬৭৮ ৫৬৭৮৯ ৬৭৮৯০(রসা,জী) ৭৮৯০১ ৮৯০১২ ১২৩৪৫ ২৩৪৫৬ *৩৪৫৬৭(রসা,প,গ) ৪৫৬৭৮ ৫৬৭৮৯ ৬৭৮৯০(রসা,জী) ৭৮৯০১ ৮৯০১২ ১২৩৪৫ ২৩৪৫৬ *৩৪৫৬৭(রসা,প,গ) ৪৫৬৭৮ ৫৬৭৮৯ ৬৭৮৯০(রসা,জী) ৭৮৯০১ ৮৯০১২ ১২৩৪৫ ২৩৪৫৬ *৩৪৫৬৭(রসা,প,গ) ৪৫৬৭৮ ৫৬৭৮৯ ৬৭৮৯০(রসা,জী) ৭৮৯০১ ৮৯০১২ ১২৩৪৫ ২৩৪৫৬ *৩৪৫৬৭(রসা,প,গ) ৪৫৬৭৮ ৫৬৭৮৯ ৬৭৮৯০(রসা,জী) ৭৮৯০১ ৮৯০১২ ১২৩৪৫ ২৩৪৫৬ *৩৪৫৬৭(রসা,প,গ) ৪৫৬৭৮ ৫৬৭৮৯ ৬৭৮৯০(রসা,জী) ৭৮৯০১ ৮৯০১২ ১২৩৪৫ ২৩৪৫৬ *৩৪৫৬৭(রসা,প,গ) ৪৫৬৭৮ ৫৬৭৮৯ ৬৭৮৯০(রসা,জী) ৭৮৯০১ ৮৯০১২ ১২৩৪৫ ২৩৪৫৬ *৩৪৫৬৭(রসা,প,গ) ৪৫৬৭৮ ৫৬৭৮৯ ৬৭৮৯০(রসা,জী) ৭৮৯০১ ৮৯০১২ ১২৩৪৫ ২৩৪৫৬ *৩৪৫৬৭(রসা,প,গ) ৪৫৬৭৮ ৫৬৭৮৯ ৬৭৮৯০(রসা,জী) ৭৮৯০১ ৮৯০১২ ১২৩৪৫ ২৩৪৫৬ *৩৪৫৬৭(রসা,প,গ) ৪৫৬৭৮ ৫৬৭৮৯ ৬৭৮৯০(রসা,জী) ৭৮৯০১ ৮৯০১২ ১২৩৪৫ ২৩৪৫৬ *৩৪৫৬৭(রসা,প,গ) ৪৫৬৭৮ ৫৬৭৮৯ ৬৭৮৯০(রসা,জী) ৭৮৯০১ ৮৯০১২ ১২৩৪৫ ২৩৪৫৬ *৩৪৫৬৭(রসা,প,গ) ৪৫৬৭৮ ৫৬৭৮৯ ৬৭৮৯০(রসা,জী) ৭৮৯০১ ৮৯০১২ ১২৩৪৫ ২৩৪৫৬ *৩৪৫৬৭(রসা,প,গ) ৪৫৬৭৮ ৫৬৭৮৯ ৬৭৮৯০(রসা,জী) ৭৮৯০১ ৮৯০১২ ১২৩৪৫ ২৩৪৫৬ *৩৪৫৬৭(রসা,প,গ) ৪৫৬৭৮ ৫৬৭৮৯ ৬৭৮৯০(রসা,জী) ৭৮৯০১ ৮৯০১২ ১২৩৪৫ ২৩৪৫৬ *৩৪৫৬৭(রসা,প,গ) ৪৫৬৭৮ ৫৬৭৮৯ ৬৭৮৯০(রসা,জী) ৭৮৯০১ ৮৯০১২ ১২৩৪৫ ২৩৪৫৬ *৩৪৫৬৭(রসা,প,গ) ৪৫৬৭৮ ৫৬৭৮৯ ৬৭৮৯০(রসা,জী) ৭৮৯০১ ৮৯০১২ ১২৩৪৫ ২৩৪৫৬ *৩৪৫৬৭(রসা,প,গ) ৪৫৬৭৮ ৫৬৭৮৯ ৬৭৮৯০(রসা,জী) ৭৮৯০১ ৮৯০১২ ১২৩৪৫ ২৩৪৫৬ *৩৪৫৬৭(রসা,প,গ) ৪৫৬৭৮ ৫৬৭৮৯ ৬৭৮৯০(রসা,জী) ৭৮৯০১ ৮৯০১২ ১২৩৪৫ ২৩৪৫৬ *৩৪৫৬৭(রসা,প,গ) ৪৫৬৭৮ ৫৬৭৮৯ ৬৭৮৯০(রসা,জী) ৭৮৯০১ ৮৯০১২ ১২৩৪৫ ২৩৪৫৬ *৩৪৫৬৭(রসা,প,গ) ৪৫৬৭৮ ৫৬৭৮৯ ৬৭৮৯০(রসা,জী)
১২৩৪৫ ২৩৪৫৬ *৩৪৫৬৭(রসা,প,গ) ৪৫৬৭৮ ৫৬৭৮৯ ৬৭৮৯০(রসা,জী) ৭৮৯০১ ৮৯০১২ ১২৩৪৫ ২৩৪৫৬ *৩৪৫৬৭(রসা,প,গ) ৪৫৬৭৮ ৫৬৭৮৯ ৬৭৮৯০(রসা,জী) ৭৮৯০১ ৮৯০১২ ১২৩৪৫ ২৩৪৫৬ *৩৪৫৬৭(রসা,প,গ) ৪৫৬৭৮ ৫৬৭৮৯ ৬৭৮৯০(রসা,জী) ৭৮৯০১ ৮৯০১২ ১২৩৪৫ ২৩৪৫৬ *৩৪৫৬৭(রসা,প,গ) ৪৫৬৭৮ ৫৬৭৮৯ ৬৭৮৯০(রসা,জী) ৭৮৯০১ ৮৯০১২ ১২৩৪৫ ২৩৪৫৬ *৩৪৫৬৭(রসা,প,গ) ৪৫৬৭৮ ৫৬৭৮৯ ৬৭৮৯০(রসা,জী) ৭৮৯০১ ৮৯০১২ ১২৩৪৫ ২৩৪৫৬ *৩৪৫৬৭(রসা,প,গ) ৪৫৬৭৮ ৫৬৭৮৯ ৬৭৮৯০(রসা,জী) ৭৮৯০১ ৮৯০১২ ১২৩৪৫ ২৩৪৫৬ *৩৪৫৬৭(রসা,প,গ) ৪৫৬৭৮ ৫৬৭৮৯ ৬৭৮৯০(রসা,জী) ৭৮৯০১ ৮৯০১২ ১২৩৪৫ ২৩৪৫৬ *৩৪৫৬৭(রসা,প,গ) ৪৫৬৭৮ ৫৬৭৮৯ ৬৭৮৯০(রসা,জী) ৭৮৯০১ ৮৯০১২ ১২৩৪৫ ২৩৪৫৬ *৩৪৫৬৭(রসা,প,গ) ৪৫৬৭৮ ৫৬৭৮৯ ৬৭৮৯০(রসা,জী) ৭৮৯০১ ৮৯০১২ ১২৩৪৫ ২৩৪৫৬ *৩৪৫৬৭(রসা,প,গ) ৪৫৬৭৮ ৫৬৭৮৯ ৬৭৮৯০(রসা,জী) ৭৮৯০১ ৮৯০১২ ১২৩৪৫ ২৩৪৫৬ *৩৪৫৬৭(রসা,প,গ) ৪৫৬৭৮ ৫৬৭৮৯ ৬৭৮৯০(রসা,জী) ৭৮৯০১ ৮৯০১২ ১২৩৪৫ ২৩৪৫৬ *৩৪৫৬৭(রসা,প,গ) ৪৫৬৭৮ ৫৬৭৮৯ ৬৭৮৯০(রসা,জী) ৭৮৯০১ ৮৯০১২ ১২৩৪৫ ২৩৪৫৬ *৩৪৫৬৭(রসা,প,গ) ৪৫৬৭৮ ৫৬৭৮৯ ৬৭৮৯০(রসা,জী) ৭৮৯০১ ৮৯০১২ ১২৩৪৫ ২৩৪৫৬ *৩৪৫৬৭(রসা,প,গ) ৪৫৬৭৮ ৫৬৭৮৯ ৬৭৮৯০(রসা,জী) ৭৮৯০১ ৮৯০১২ ১২৩৪৫ ২৩৪৫৬ *৩৪৫৬৭(রসা,প,গ) ৪৫৬৭৮ ৫৬৭৮৯ ৬৭৮৯০(রসা,জী) ৭৮৯০১ ৮৯০১২ ১২৩৪৫ ২৩৪৫৬ *৩৪৫৬৭(রসা,প,গ) ৪৫৬৭৮ ৫৬৭৮৯ ৬৭৮৯০(রসা,জী) ৭৮৯০১ ৮৯০১২ ১২৩৪৫ ২৩৪৫৬ *৩৪৫৬৭(রসা,প,গ) ৪৫৬৭৮ ৫৬৭৮৯ ৬৭৮৯০(রসা,জী) ৭৮৯০১ ৮৯০১২ ১২৩৪৫ ২৩৪৫৬ *৩৪৫৬৭(রসা,প,গ) ৪৫৬৭৮ ৫৬৭৮৯ ৬৭৮৯০(রসা,জী) ৭৮৯০১ ৮৯০১২ ১২৩৪৫ ২৩৪৫৬ *৩৪৫৬৭(রসা,প,গ) ৪৫৬৭৮ ৫৬৭৮৯ ৬৭৮৯০(রসা,জী) ৭৮৯০১ ৮৯০১২ ১২৩৪৫ ২৩৪৫৬ *৩৪৫৬৭(রসা,প,গ) ৪৫৬৭৮ ৫৬৭৮৯ ৬৭৮৯০(রসা,জী) ৭৮৯০১ ৮৯০১২ ১২৩৪৫ ২৩৪৫৬ *৩৪৫৬৭(রসা,প,গ) ৪৫৬৭৮ ৫৬৭৮৯ ৬৭৮৯০(রসা,জী) ৭৮৯০১ ৮৯০১২ ১২৩৪৫ ২৩৪৫৬ *৩৪৫৬৭(রসা,প,গ) ৪৫৬৭৮ ৫৬৭৮৯ ৬৭৮৯০(রসা,জী) ৭৮৯০১ ৮৯০১২ ১২৩৪৫ ২৩৪৫৬ *৩৪৫৬৭(রসা,প,গ) ৪৫৬৭৮ ৫৬৭৮৯ ৬৭৮৯০(রসা,জী) ৭৮৯০১ ৮৯০১২ ১২৩৪৫ ২৩৪৫৬ *৩৪৫৬৭(রসা,প,গ) ৪৫৬৭৮ ৫৬৭৮৯ ৬৭৮৯০(রসা,জী) ৭৮৯০১ ৮৯০১২ ১২৩৪৫ ২৩৪৫৬ *৩৪৫৬৭(রসা,প,গ) ৪৫৬৭৮ ৫৬৭৮৯ ৬৭৮৯০(রসা,জী) ৭৮৯০১ ৮৯০১২ ১২৩৪৫ ২৩৪৫৬ *৩৪৫৬৭(রসা,প,গ) ৪৫৬৭৮ ৫৬৭৮৯ ৬৭৮৯০(রসা,জী) ৭৮৯০১ ৮৯০১২ ১২৩৪৫ ২৩৪৫৬ *৩৪৫৬৭(রসা,প,গ) ৪৫৬৭৮ ৫৬৭৮৯ ৬৭৮৯০(রসা,জী) ৭৮৯০১ ৮৯০১২ ১২৩৪৫ ২৩৪৫৬ *৩৪৫৬৭(রসা,প,গ) ৪৫৬৭৮ ৫৬৭৮৯ ৬৭৮৯০(রসা,জী) ৭৮৯০১ ৮৯০১২ ১২৩৪৫ ২৩৪৫৬ *৩৪৫৬৭(রসা,প,গ) ৪৫৬৭৮ ৫৬৭৮৯ ৬৭৮৯০(রসা,জী) ৭৮৯০১ ৮৯০১২ ১২৩৪৫ ২৩৪৫৬ *৩৪৫৬৭(রসা,প,গ) ৪৫৬৭৮ ৫৬৭৮৯ ৬৭৮৯০(রসা,জী) ৭৮৯০১ ৮৯০১২ ১২৩৪৫ ২৩৪৫৬ *৩৪৫৬৭(রসা,প,গ) ৪৫৬৭৮ ৫৬৭৮৯ ৬৭৮৯০(রসা,জী) ৭৮৯০১ ৮৯০১২ ১২৩৪৫ ২৩৪৫৬ *৩৪৫৬৭(রসা,প,গ) ৪৫৬৭৮ ৫৬৭৮৯ ৬৭৮৯০(রসা,জী) ৭৮৯০১ ৮৯০১২ ১২৩৪৫ ২৩৪৫৬ *৩৪৫৬৭(রসা,প,গ) ৪৫৬৭৮ ৫৬৭৮৯ ৬৭৮৯০(রসা,জী) ৭৮৯০১ ৮৯০১২ ১২৩৪৫ ২৩৪৫৬ *৩৪৫৬৭(রসা,প,গ) ৪৫৬৭৮ ৫৬৭৮৯ ৬৭৮৯০(রসা,জী) ৭৮৯০১ ৮৯০১২ ১২৩৪৫ ২৩৪৫৬ *৩৪৫৬৭(রসা,প,গ) ৪৫৬৭৮ ৫৬৭৮৯ ৬৭৮৯০(রসা,জী) ৭৮৯০১
বি,এ,এফ, শাহীন কলেজ
রোল নম্বর ..... মোট ... জন।
১২৩৪৫ ২৩৪৫৬ *৩৪৫৬৭(রসা,প,গ) ৪৫৬৭৮ ৫৬৭৮৯ ৬৭৮৯০(রসা,জী) ৭৮৯০১ ৮৯০১২ ১২৩৪৫ ২৩৪৫৬ *৩৪৫৬৭(রসা,প,গ) ৪৫৬৭৮ ৫৬৭৮৯ ৬৭৮৯০(রসা,জী) ৭৮৯০১ ৮৯০১২ ১২৩৪৫ ২৩৪৫৬ *৩৪৫৬৭(রসা,প,গ) ৪৫৬৭৮ ৫৬৭৮৯ ৬৭৮৯০(রসা,জী) ৭৮৯০১ ৮৯০১২ ১২৩৪৫ ২৩৪৫৬ *৩৪৫৬৭(রসা,প,গ) ৪৫৬৭৮ ৫৬৭৮৯ ৬৭৮৯০(রসা,জী) ৭৮৯০১ ৮৯০১২ ১২৩৪৫ ২৩৪৫৬ *৩৪৫৬৭(রসা,প,গ) ৪৫৬৭৮ ৫৬৭৮৯ ৬৭৮৯০(রসা,জী) ৭৮৯০১ ৮৯০১২ ১২৩৪৫ ২৩৪৫৬ *৩৪৫৬৭(রসা,প,গ) ৪৫৬৭৮ ৫৬৭৮৯ ৬৭৮৯০(রসা,জী) ৭৮৯০১ ৮৯০১২ ১২৩৪৫ ২৩৪৫৬ *৩৪৫৬৭(রসা,প,গ) ৪৫৬৭৮ ৫৬৭৮৯ ৬৭৮৯০(রসা,জী) ৭৮৯০১ ৮৯০১২ ১২৩৪৫ ২৩৪৫৬ *৩৪৫৬৭(রসা,প,গ) ৪৫৬৭৮ ৫৬৭৮৯ ৬৭৮৯০(রসা,জী) ৭৮৯০১ ৮৯০১২ ১২৩৪৫ ২৩৪৫৬ *৩৪৫৬৭(রসা,প,গ) ৪৫৬৭৮ ৫৬৭৮৯ ৬৭৮৯০(রসা,জী) ৭৮৯০১ ৮৯০১২ ১২৩৪৫ ২৩৪৫৬ *৩৪৫৬৭(রসা,প,গ) ৪৫৬৭৮ ৫৬৭৮৯ ৬৭৮৯০(রসা,জী) ৭৮৯০১ ৮৯০১২ ১২৩৪৫ ২৩৪৫৬ *৩৪৫৬৭(রসা,প,গ) ৪৫৬৭৮ ৫৬৭৮৯ ৬৭৮৯০(রসা,জী) ৭৮৯০১ ৮৯০১২ ১২৩৪৫ ২৩৪৫৬ *৩৪৫৬৭(রসা,প,গ) ৪৫৬৭৮ ৫৬৭৮৯ ৬৭৮৯০(রসা,জী) ৭৮৯০১ ৮৯০১২ ১২৩৪৫ ২৩৪৫৬ *৩৪৫৬৭(রসা,প,গ) ৪৫৬৭৮ ৫৬৭৮৯ ৬৭৮৯০(রসা,জী) ৭৮৯০১ ৮৯০১২ ১২৩৪৫ ২৩৪৫৬ *৩৪৫৬৭(রসা,প,গ) ৪৫৬৭৮ ৫৬৭৮৯ ৬৭৮৯০(রসা,জী) ৭৮৯০১ ৮৯০১২ ১২৩৪৫ ২৩৪৫৬ *৩৪৫৬৭(রসা,প,গ) ৪৫৬৭৮ ৫৬৭৮৯ ৬৭৮৯০(রসা,জী) ৭৮৯০১ ৮৯০১২ ১২৩৪৫ ২৩৪৫৬ *৩৪৫৬৭(রসা,প,গ) ৪৫৬৭৮ ৫৬৭৮৯ ৬৭৮৯০(রসা,জী) ৭৮৯০১ ৮৯০১২ ১২৩৪৫ ২৩৪৫৬ *৩৪৫৬৭(রসা,প,গ) ৪৫৬৭৮ ৫৬৭৮৯ ৬৭৮৯০(রসা,জী) ৭৮৯০১ ৮৯০১২ ১২৩৪৫ ২৩৪৫৬ *৩৪৫৬৭(রসা,প,গ) ৪৫৬৭৮ ৫৬৭৮৯ ৬৭৮৯০(রসা,জী) ৭৮৯০১ ৮৯০১২ ১২৩৪৫ ২৩৪৫৬ *৩৪৫৬৭(রসা,প,গ) ৪৫৬৭৮ ৫৬৭৮৯ ৬৭৮৯০(রসা,জী) ৭৮৯০১ ৮৯০১২ ১২৩৪৫ ২৩৪৫৬ *৩৪৫৬৭(রসা,প,গ) ৪৫৬৭৮ ৫৬৭৮৯ ৬৭৮৯০(রসা,জী) ৭৮৯০১ ৮৯০১২ ১২৩৪৫ ২৩৪৫৬ *৩৪৫৬৭(রসা,প
বি, এ, এফ, শাহীন কলেজ
রোল নম্বর ..... মোট ... জন।
১২৩৪৫ ২৩৪৫৬ *৩৪৫৬৭(রসা,প,গ) ৪৫৬৭৮ ৫৬৭৮৯ ৬৭৮৯০(রসা,জী) ৭৮৯০১ ৮৯০১২ ১২৩৪৫ ২৩৪৫৬ *৩৪৫৬৭(রসা,প,গ) ৪৫৬৭৮ ৫৬৭৮৯ ৬৭৮৯০(রসা,জী) ৭৮৯০১ ৮৯০১২ ১২৩৪৫ ২৩৪৫৬ *৩৪৫৬৭(রসা,প,গ) ৪৫৬৭৮ ৫৬৭৮৯ ৬৭৮৯০(রসা,জী) ৭৮৯০১ ৮৯০১২ ১২৩৪৫ ২৩৪৫৬ *৩৪৫৬৭(রসা,প,গ) ৪৫৬৭৮ ৫৬৭৮৯ ৬৭৮৯০(রসা,জী) ৭৮৯০১ ৮৯০১২ ১২৩৪৫ ২৩৪৫৬ *৩৪৫৬৭(রসা,প,গ) ৪৫৬৭৮ ৫৬৭৮৯ ৬৭৮৯০(রসা,জী) ৭৮৯০১ ৮৯০১২ ১২৩৪৫ ২৩৪৫৬ *৩৪৫৬৭(রসা,প,গ) ৪৫৬৭৮ ৫৬৭৮৯ ৬৭৮৯০(রসা,জী) ৭৮৯০১ ৮৯০১২ ১২৩৪৫ ২৩৪৫৬ *৩৪৫৬৭(রসা,প,গ) ৪৫৬৭৮ ৫৬৭৮৯ ৬৭৮৯০(রসা,জী) ৭৮৯০১ ৮৯০১২ ১২৩৪৫ ২৩৪৫৬ *৩৪৫৬৭(রসা,প,গ) ৪৫৬৭৮ ৫৬৭৮৯ ৬৭৮৯০(রসা,জী) ৭৮৯০১ ৮৯০১২ ১২৩৪৫ ২৩৪৫৬ *৩৪৫৬৭(রসা,প,গ) ৪৫৬৭৮ ৫৬৭৮৯ ৬৭৮৯০(রসা,জী) ৭৮৯০১ ৮৯০১২ ১২৩৪৫ ২৩৪৫৬ *৩৪৫৬৭(রসা,প,গ) ৪৫৬৭৮ ৫৬৭৮৯ ৬৭৮৯০(রসা,জী) ৭৮৯০১ ৮৯০১২ ১২৩৪৫ ২৩৪৫৬ *৩৪৫৬৭(রসা,প,গ) ৪৫৬৭৮ ৫৬৭৮৯ ৬৭৮৯০(রসা,জী) ৭৮৯০১ ৮৯০১২ ১২৩৪৫ ২৩৪৫৬ *৩৪৫৬৭(রসা,প,গ) ৪৫৬৭৮ ৫৬৭৮৯ ৬৭৮৯০(রসা,জী) ৭৮৯০১ ৮৯০১২ ১২৩৪৫ ২৩৪৫৬ *৩৪৫৬৭(রসা,প,গ) ৪৫৬৭৮ ৫৬৭৮৯ ৬৭৮৯০(রসা,জী) ৭৮৯০১ ৮৯০১২ ১২৩৪৫ ২৩৪৫৬ *৩৪৫৬৭(রসা,প,গ) ৪৫৬৭৮ ৫৬৭৮৯ ৬৭৮৯০(রসা,জী) ৭৮৯০১ ৮৯০১২ ১২৩৪৫ ২৩৪৫৬ *৩৪৫৬৭(রসা,প,গ) ৪৫৬৭৮ ৫৬৭৮৯ ৬৭৮৯০(রসা,জী) ৭৮৯০১ ৮৯০১২ ১২৩৪৫ ২৩৪৫৬ *৩৪৫৬৭(রসা,প,গ) ৪৫৬৭৮ ৫৬৭৮৯ ৬৭৮৯০(রসা,জী) ৭৮৯০১ ৮৯০১২ ১২৩৪৫ ২৩৪৫৬ *৩৪৫৬৭(রসা,প,গ) ৪৫৬৭৮ ৫৬৭৮৯ ৬৭৮৯০(রসা,জী) ৭৮৯০১ ৮৯০১২ ১২৩৪৫ ২৩৪৫৬ *৩৪৫৬৭(রসা,প,গ) ৪৫৬৭৮ ৫৬৭৮৯ ৬৭৮৯০(রসা,জী) ৭৮৯০১ ৮৯০১২ ১২৩৪৫ ২৩৪৫৬ *৩৪৫৬৭(রসা,প,গ) ৪৫৬৭৮ ৫৬৭৮৯ ৬৭৮৯০(রসা,জী) ৭৮৯০১ ৮৯০১২ ১২৩৪৫ ২৩৪৫৬ *৩৪৫৬৭(রসা,প,গ) ৪৫৬৭৮ ৫৬৭৮৯ ৬৭৮৯০(রসা,জী) ৭৮৯০১ ৮৯০১২ ১২৩৪৫ ২৩৪৫৬ *৩৪৫৬৭(রসা,প,গ) ৪৫৬৭৮ ৫৬৭৮৯ ৬৭৮৯০(রসা,জী) ৭৮৯০১ ৮৯০১২ ১২৩৪৫ ২৩৪৫৬ *৩৪৫৬৭(রসা,প,গ) ৪৫৬৭৮ ৫৬৭৮৯ ৬৭৮৯০(রসা,জী) ৭৮৯০১ ৮৯০১২ ১২৩৪৫ ২৩৪৫৬ *৩৪৫৬৭(রসা,প,গ) ৪৫৬৭৮ ৫৬৭৮৯ ৬৭৮৯০(রসা,জী) ৭৮৯০১ ৮৯০১২ ১২৩৪৫ ২৩৪৫৬ *৩৪৫৬৭(রসা,প,গ) ৪৫৬৭৮ ৫৬৭৮৯ ৬৭৮৯০(রসা,জী) ৭৮৯০১ ৮৯০১২ ১২৩৪৫ ২৩৪৫৬ *৩৪৫৬৭(রসা,প,গ) ৪৫৬৭৮ ৫৬৭৮৯ ৬৭৮৯০(রসা,জী) ৭৮৯০১ ৮৯০১২ ১২৩৪৫ ২৩৪৫৬ *৩৪৫৬৭(রসা,প,গ) ৪৫৬৭৮ ৫৬৭৮৯ ৬৭৮৯০(রসা,জী) ৭৮৯০১ ৮৯০১২ ১২৩৪৫ ২৩৪৫৬ *৩৪৫৬৭(রসা,প,গ) ৪৫৬৭৮ ৫৬৭৮৯ ৬৭৮৯০(রসা,জী) ৭৮৯০১ ৮৯০১২ ১২৩৪৫ ২৩৪৫৬ *৩৪৫৬৭(রসা,প,গ) ৪৫৬৭৮ ৫৬৭৮৯ ৬৭৮৯০(রসা,জী) ৭৮৯০১ ৮৯০১২ ১২৩৪৫ ২৩৪৫৬ *৩৪৫৬৭(রসা,প,গ) ৪৫৬৭৮ ৫৬৭৮৯ ৬৭৮৯০(রসা,জী) ৭৮৯০১ ৮৯০১২ ১২৩৪৫ ২৩৪৫৬ *৩৪৫৬৭(রসা,প,গ) ৪৫৬৭৮ ৫৬৭৮৯ ৬৭৮৯০(রসা,জী) ৭৮৯০১ ৮৯০১২ ১২৩৪৫ ২৩৪৫৬ *৩৪৫৬৭(রসা,প,গ) ৪৫৬৭৮ ৫৬৭৮৯ ৬৭৮৯০(রসা,জী) ৭৮৯০১ ৮৯০১২ ১২৩৪৫ ২৩৪৫৬ *৩৪৫৬৭(রসা,প,গ) ৪৫৬৭৮ ৫৬৭৮৯ ৬৭৮৯০(রসা,জী) ৭৮৯০১ ৮৯০১২ ১২৩৪৫ ২৩৪৫৬ *৩৪৫৬৭(রসা,প,গ) ৪৫৬৭৮ ৫৬৭৮৯ ৬৭৮৯০(রসা,জী) ৭৮৯০১ ৮৯০১২ ১২৩৪৫ ২৩৪৫৬ *৩৪৫৬৭(রসা,প,গ) ৪৫৬৭৮ ৫৬৭৮৯ ৬৭৮৯০(রসা,জী) ৭৮৯০১ ৮৯০১২ ১২৩৪৫ ২৩৪৫৬ *৩৪৫৬৭(রসা,প,গ) ৪৫৬৭৮ ৫৬৭৮৯ ৬৭৮৯০(রসা,জী) ৭৮৯০১
সিদ্ধেশ্বরী গার্লস কলেজ, ঢাকা
রোল নম্বর ..... মোট ... জন।
১২৩৪৫ ২৩৪৫৬ *৩৪৫৬৭(রসা,প,গ) ৪৫৬৭৮ ৫৬৭৮৯ ৬৭৮৯০(রসা,জী) ৭৮৯০১ ৮৯০১২ ১২৩৪৫ ২৩৪৫৬ *৩৪৫৬৭(রসা,প,গ) ৪৫৬৭৮ ৫৬৭৮৯ ৬৭৮৯০(রসা,জী) ৭৮৯০১ ৮৯০১২ ১২৩৪৫ ২৩৪৫৬ *৩৪৫৬৭(রসা,প,গ) ৪৫৬৭৮ ৫৬৭৮৯ ৬৭৮৯০(রসা,জী) ৭৮৯০১ ৮৯০১২ ১২৩৪৫ ২৩৪৫৬ *৩৪৫৬৭(রসা,প,গ) ৪৫৬৭৮ ৫৬৭৮৯ ৬৭৮৯০(রসা,জী) ৭৮৯০১ ৮৯০১২ ১২৩৪৫ ২৩৪৫৬ *৩৪৫৬৭(রসা,প,গ) ৪৫৬৭৮ ৫৬৭৮৯ ৬৭৮৯০(রসা,জী) ৭৮৯০১ ৮৯০১২ ১২৩৪৫ ২৩৪৫৬ *৩৪৫৬৭(রসা,প,গ) ৪৫৬৭৮ ৫৬৭৮৯ ৬৭৮৯০(রসা,জী) ৭৮৯০১ ৮৯০১২ ১২৩৪৫ ২৩৪৫৬ *৩৪৫৬৭(রসা,প,গ) ৪৫৬৭৮ ৫৬৭৮৯ ৬৭৮৯০(রসা,জী) ৭৮৯০১ ৮৯০১২ ১২৩৪৫ ২৩৪৫৬ *৩৪৫৬৭(রসা,প,গ) ৪৫৬৭৮ ৫৬৭৮৯ ৬৭৮৯০(রসা,জী) ৭৮৯০১ ৮৯০১২ ১২৩৪৫ ২৩৪৫৬ *৩৪৫৬৭(রসা,প,গ) ৪৫৬৭৮ ৫৬৭৮৯ ৬৭৮৯০(রসা,জী) ৭৮৯০১ ৮৯০১২ ১২৩৪৫ ২৩৪৫৬ *৩৪৫৬৭(রসা,প,গ) ৪৫৬৭৮ ৫৬৭৮৯ ৬৭৮৯০(রসা,জী) ৭৮৯০১ ৮৯০১২ ১২৩৪৫ ২৩৪৫৬ *৩৪৫৬৭(রসা,প,গ) ৪৫৬৭৮ ৫৬৭৮৯ ৬৭৮৯০(রসা,জী) ৭৮৯০১ ৮৯০১২ ১২৩৪৫ ২৩৪৫৬ *৩৪৫৬৭(রসা,প,গ) ৪৫৬৭৮ ৫৬৭৮৯ ৬৭৮৯০(রসা,জী) ৭৮৯০১ ৮৯০১২ ১২৩৪৫ ২৩৪৫৬ *৩৪৫৬৭(রসা,প,গ) ৪৫৬৭৮ ৫৬৭৮৯ ৬৭৮৯০(রসা,জী) ৭৮৯০১ ৮৯০১২ ১২৩৪৫ ২৩৪৫৬ *৩৪৫৬৭(রসা,প,গ) ৪৫৬৭৮ ৫৬৭৮৯ ৬৭৮৯০(রসা,জী) ৭৮৯০১ ৮৯০১২ ১২৩৪৫ ২৩৪৫৬ *৩৪৫৬৭(রসা,প,গ) ৪৫৬৭৮ ৫৬৭৮৯ ৬৭৮৯০(রসা,জী) ৭৮৯০১ ৮৯০১২ ১২৩৪৫ ২৩৪৫৬ *৩৪৫৬৭(রসা,প,গ) ৪৫৬৭৮ ৫৬৭৮৯ ৬৭৮৯০(রসা,জী) ৭৮৯০১ ৮৯০১২ ১২৩৪৫ ২৩৪৫৬ *৩৪৫৬৭(রসা,প,গ) ৪৫৬৭৮ ৫৬৭৮৯ ৬৭৮৯০(রসা,জী) ৭৮৯০১ ৮৯০১২ ১২৩৪৫ ২৩৪৫৬ *৩৪৫৬৭(রসা,প,গ) ৪৫৬৭৮ ৫৬৭৮৯ ৬৭৮৯০(রসা,জী) ৭৮৯০১ ৮৯০১২ ১২৩৪৫ ২৩৪৫৬ *৩৪৫৬৭(রসা,প,গ) ৪৫৬৭৮ ৫৬৭৮৯ ৬৭৮৯০(রসা,জী) ৭৮৯০১ ৮৯০১২ ১২৩৪৫ ২৩৪৫৬ *৩৪৫৬৭(রসা,প,গ) ৪৫৬৭৮ ৫৬৭৮৯ ৬৭৮৯০(রসা,জী) ৭৮৯০১ ৮৯০১২ ১২৩৪৫ ২৩৪৫৬ *৩৪৫৬৭(রসা,প
ঢাকা রেসিডেনসিয়াল কলেজ
রোল নম্বর ..... মোট ... জন।
১২৩৪৫ ২৩৪৫৬ *৩৪৫৬৭(রসা,প,গ) ৪৫৬৭৮ ৫৬৭৮৯ ৬৭৮৯০(রসা,জী) ৭৮৯০১ ৮৯০১২ ১২৩৪৫ ২৩৪৫৬ *৩৪৫৬৭(রসা,প,গ) ৪৫৬৭৮ ৫৬৭৮৯ ৬৭৮৯০(রসা,জী) ৭৮৯০১ ৮৯০১২ ১২৩৪৫ ২৩৪৫৬ *৩৪৫৬৭(রসা,প,গ) ৪৫৬৭৮ ৫৬৭৮৯ ৬৭৮৯০(রসা,জী) ৭৮৯০১ ৮৯০১২ ১২৩৪৫ ২৩৪৫৬ *৩৪৫৬৭(রসা,প,গ) ৪৫৬৭৮ ৫৬৭৮৯ ৬৭৮৯০(রসা,জী) ৭৮৯০১ ৮৯০১২ ১২৩৪৫ ২৩৪৫৬ *৩৪৫৬৭(রসা,প,গ) ৪৫৬৭৮ ৫৬৭৮৯ ৬৭৮৯০(রসা,জী) ৭৮৯০১ ৮৯০১২ ১২৩৪৫ ২৩৪৫৬ *৩৪৫৬৭(রসা,প,গ) ৪৫৬৭৮ ৫৬৭৮৯ ৬৭৮৯০(রসা,জী) ৭৮৯০১ ৮৯০১২ ১২৩৪৫ ২৩৪৫৬ *৩৪৫৬৭(রসা,প,গ) ৪৫৬৭৮ ৫৬৭৮৯ ৬৭৮৯০(রসা,জী) ৭৮৯০১ ৮৯০১২ ১২৩৪৫ ২৩৪৫৬ *৩৪৫৬৭(রসা,প,গ) ৪৫৬৭৮ ৫৬৭৮৯ ৬৭৮৯০(রসা,জী) ৭৮৯০১ ৮৯০১২ ১২৩৪৫ ২৩৪৫৬ *৩৪৫৬৭(রসা,প,গ) ৪৫৬৭৮ ৫৬৭৮৯ ৬৭৮৯০(রসা,জী) ৭৮৯০১ ৮৯০১২ ১২৩৪৫ ২৩৪৫৬ *৩৪৫৬৭(রসা,প,গ) ৪৫৬৭৮ ৫৬৭৮৯ ৬৭৮৯০(রসা,জী) ৭৮৯০১ ৮৯০১২ ১২৩৪৫ ২৩৪৫৬ *৩৪৫৬৭(রসা,প,গ) ৪৫৬৭৮ ৫৬৭৮৯ ৬৭৮৯০(রসা,জী) ৭৮৯০১ ৮৯০১২ ১২৩৪৫ ২৩৪৫৬ *৩৪৫৬৭(রসা,প,গ) ৪৫৬৭৮ ৫৬৭৮৯ ৬৭৮৯০(রসা,জী) ৭৮৯০১ ৮৯০১২ ১২৩৪৫ ২৩৪৫৬ *৩৪৫৬৭(রসা,প,গ) ৪৫৬৭৮ ৫৬৭৮৯ ৬৭৮৯০(রসা,জী) ৭৮৯০১ ৮৯০১২ ১২৩৪৫ ২৩৪৫৬ *৩৪৫৬৭(রসা,প,গ) ৪৫৬৭৮ ৫৬৭৮৯ ৬৭৮৯০(রসা,জী) ৭৮৯০১ ৮৯০১২ ১২৩৪৫ ২৩৪৫৬ *৩৪৫৬৭(রসা,প,গ) ৪৫৬৭৮ ৫৬৭৮৯ ৬৭৮৯০(রসা,জী) ৭৮৯০১ ৮৯০১২ ১২৩৪৫ ২৩৪৫৬ *৩৪৫৬৭(রসা,প,গ) ৪৫৬৭৮ ৫৬৭৮৯ ৬৭৮৯০(রসা,জী) ৭৮৯০১ ৮৯০১২ ১২৩৪৫ ২৩৪৫৬ *৩৪৫৬৭(রসা,প,গ) ৪৫৬৭৮ ৫৬৭৮৯ ৬৭৮৯০(রসা,জী) ৭৮৯০১ ৮৯০১২ ১২৩৪৫ ২৩৪৫৬ *৩৪৫৬৭(রসা,প,গ) ৪৫৬৭৮ ৫৬৭৮৯ ৬৭৮৯০(রসা,জী) ৭৮৯০১ ৮৯০১২ ১২৩৪৫ ২৩৪৫৬ *৩৪৫৬৭(রসা,প,গ) ৪৫৬৭৮ ৫৬৭৮৯ ৬৭৮৯০(রসা,জী) ৭৮৯০১ ৮৯০১২ ১২৩৪৫ ২৩৪৫৬ *৩৪৫৬৭(রসা,প,গ) ৪৫৬৭৮ ৫৬৭৮৯ ৬৭৮৯০(রসা,জী) ৭৮৯০১ ৮৯০১২ ১২৩৪৫ ২৩৪৫৬ *৩৪৫৬৭(রসা,প
Humanities Group :
ঢাকা কলেজ
রোল নম্বর ..... মোট ... জন।
১২৩৪৫ ২৩৪৫৬ *৩৪৫৬৭(রসা,প,গ) ৪৫৬৭৮ ৫৬৭৮৯ ৬৭৮৯০(রসা,জী) ৭৮৯০১ ৮৯০১২ ১২৩৪৫ ২৩৪৫৬ *৩৪৫৬৭(রসা,প,গ) ৪৫৬৭৮ ৫৬৭৮৯ ৬৭৮৯০(রসা,জী) ৭৮৯০১ ৮৯০১২ ১২৩৪৫ ২৩৪৫৬ *৩৪৫৬৭(রসা,প,গ) ৪৫৬৭৮ ৫৬৭৮৯ ৬৭৮৯০(রসা,জী) ৭৮৯০১ ৮৯০১২ ১২৩৪৫ ২৩৪৫৬ *৩৪৫৬৭(রসা,প,গ) ৪৫৬৭৮ ৫৬৭৮৯ ৬৭৮৯০(রসা,জী) ৭৮৯০১ ৮৯০১২ ১২৩৪৫ ২৩৪৫৬ *৩৪৫৬৭(রসা,প,গ) ৪৫৬৭৮ ৫৬৭৮৯ ৬৭৮৯০(রসা,জী) ৭৮৯০১ ৮৯০১২ ১২৩৪৫ ২৩৪৫৬ *৩৪৫৬৭(রসা,প,গ) ৪৫৬৭৮ ৫৬৭৮৯ ৬৭৮৯০(রসা,জী) ৭৮৯০১ ৮৯০১২ ১২৩৪৫ ২৩৪৫৬ *৩৪৫৬৭(রসা,প,গ) ৪৫৬৭৮ ৫৬৭৮৯ ৬৭৮৯০(রসা,জী) ৭৮৯০১ ৮৯০১২ ১২৩৪৫ ২৩৪৫৬ *৩৪৫৬৭(রসা,প,গ) ৪৫৬৭৮ ৫৬৭৮৯ ৬৭৮৯০(রসা,জী) ৭৮৯০১ ৮৯০১২ ১২৩৪৫ ২৩৪৫৬ *৩৪৫৬৭(রসা,প,গ) ৪৫৬৭৮ ৫৬৭৮৯ ৬৭৮৯০(রসা,জী) ৭৮৯০১ ৮৯০১২ ১২৩৪৫ ২৩৪৫৬ *৩৪৫৬৭(রসা,প,গ) ৪৫৬৭৮ ৫৬৭৮৯ ৬৭৮৯০(রসা,জী) ৭৮৯০১ ৮৯০১২ ১২৩৪৫ ২৩৪৫৬ *৩৪৫৬৭(রসা,প,গ) ৪৫৬৭৮ ৫৬৭৮৯ ৬৭৮৯০(রসা,জী) ৭৮৯০১ ৮৯০১২ ১২৩৪৫ ২৩৪৫৬ *৩৪৫৬৭(রসা,প,গ) ৪৫৬৭৮ ৫৬৭৮৯ ৬৭৮৯০(রসা,জী) ৭৮৯০১ ৮৯০১২ ১২৩৪৫ ২৩৪৫৬ *৩৪৫৬৭(রসা,প,গ) ৪৫৬৭৮ ৫৬৭৮৯ ৬৭৮৯০(রসা,জী) ৭৮৯০১ ৮৯০১২ ১২৩৪৫ ২৩৪৫৬ *৩৪৫৬৭(রসা,প,গ) ৪৫৬৭৮ ৫৬৭৮৯ ৬৭৮৯০(রসা,জী) ৭৮৯০১ ৮৯০১২ ১২৩৪৫ ২৩৪৫৬ *৩৪৫৬৭(রসা,প,গ) ৪৫৬৭৮ ৫৬৭৮৯ ৬৭৮৯০(রসা,জী) ৭৮৯০১ ৮৯০১২ ১২৩৪৫ ২৩৪৫৬ *৩৪৫৬৭(রসা,প,গ) ৪৫৬৭৮ ৫৬৭৮৯ ৬৭৮৯০(রসা,জী) ৭৮৯০১ ৮৯০১২ ১২৩৪৫ ২৩৪৫৬ *৩৪৫৬৭(রসা,প,গ) ৪৫৬৭৮ ৫৬৭৮৯ ৬৭৮৯০(রসা,জী) ৭৮৯০১ ৮৯০১২ ১২৩৪৫ ২৩৪৫৬ *৩৪৫৬৭(রসা,প,গ) ৪৫৬৭৮ ৫৬৭৮৯ ৬৭৮৯০(রসা,জী) ৭৮৯০১ ৮৯০১২ ১২৩৪৫ ২৩৪৫৬ *৩৪৫৬৭(রসা,প,গ) ৪৫৬৭৮ ৫৬৭৮৯ ৬৭৮৯০(রসা,জী) ৭৮৯০১ ৮৯০১২ ১২৩৪৫ ২৩৪৫৬ *৩৪৫৬৭(রসা,প,গ) ৪৫৬৭৮ ৫৬৭৮৯ ৬৭৮৯০(রসা,জী) ৭৮৯০১ ৮৯০১২ ১২৩৪৫ ২৩৪৫৬ *৩৪৫৬৭(রসা,প,গ) ৪৫৬৭৮ ৫৬৭৮৯ ৬৭৮৯০(রসা,জী) ৭৮৯০১ ৮৯০১২ ১২৩৪৫ ২৩৪৫৬ *৩৪৫৬৭(রসা,প,গ) ৪৫৬৭৮ ৫৬৭৮৯ ৬৭৮৯০(রসা,জী) ৭৮৯০১ ৮৯০১২ ১২৩৪৫ ২৩৪৫৬ *৩৪৫৬৭(রসা,প,গ) ৪৫৬৭৮ ৫৬৭৮৯ ৬৭৮৯০(রসা,জী) ৭৮৯০১ ৮৯০১২ ১২৩৪৫ ২৩৪৫৬ *৩৪৫৬৭(রসা,প,গ) ৪৫৬৭৮ ৫৬৭৮৯ ৬৭৮৯০(রসা,জী) ৭৮৯০১ ৮৯০১২ ১২৩৪৫ ২৩৪৫৬ *৩৪৫৬৭(রসা,প,গ) ৪৫৬৭৮ ৫৬৭৮৯ ৬৭৮৯০(রসা,জী) ৭৮৯০১ ৮৯০১২ ১২৩৪৫ ২৩৪৫৬ *৩৪৫৬৭(রসা,প,গ) ৪৫৬৭৮ ৫৬৭৮৯ ৬৭৮৯০(রসা,জী) ৭৮৯০১ ৮৯০১২ ১২৩৪৫ ২৩৪৫৬ *৩৪৫৬৭(রসা,প,গ) ৪৫৬৭৮ ৫৬৭৮৯ ৬৭৮৯০(রসা,জী) ৭৮৯০১ ৮৯০১২ ১২৩৪৫ ২৩৪৫৬ *৩৪৫৬৭(রসা,প,গ) ৪৫৬৭৮ ৫৬৭৮৯ ৬৭৮৯০(রসা,জী) ৭৮৯০১ ৮৯০১২ ১২৩৪৫ ২৩৪৫৬ *৩৪৫৬৭(রসা,প,গ) ৪৫৬৭৮ ৫৬৭৮৯ ৬৭৮৯০(রসা,জী) ৭৮৯০১ ৮৯০১২ ১২৩৪৫ ২৩৪৫৬ *৩৪৫৬৭(রসা,প,গ) ৪৫৬৭৮ ৫৬৭৮৯ ৬৭৮৯০(রসা,জী) ৭৮৯০১ ৮৯০১২ ১২৩৪৫ ২৩৪৫৬ *৩৪৫৬৭(রসা,প,গ) ৪৫৬৭৮ ৫৬৭৮৯ ৬৭৮৯০(রসা,জী) ৭৮৯০১ ৮৯০১২ ১২৩৪৫ ২৩৪৫৬ *৩৪৫৬৭(রসা,প,গ) ৪৫৬৭৮ ৫৬৭৮৯ ৬৭৮৯০(রসা,জী) ৭৮৯০১ ৮৯০১২ ১২৩৪৫ ২৩৪৫৬ *৩৪৫৬৭(রসা,প,গ) ৪৫৬৭৮ ৫৬৭৮৯ ৬৭৮৯০(রসা,জী) ৭৮৯০১ ৮৯০১২ ১২৩৪৫ ২৩৪৫৬ *৩৪৫৬৭(রসা,প,গ) ৪৫৬৭৮ ৫৬৭৮৯ ৬৭৮৯০(রসা,জী) ৭৮৯০১ ৮৯০১২ ১২৩৪৫ ২৩৪৫৬ *৩৪৫৬৭(রসা,প,গ) ৪৫৬৭৮ ৫৬৭৮৯ ৬৭৮৯০(রসা,জী) ৭৮৯০১ ৮৯০১২ ১২৩৪৫ ২৩৪৫৬ *৩৪৫৬৭(রসা,প,গ) ৪৫৬৭৮ ৫৬৭৮৯ ৬৭৮৯০(রসা,জী) ৭৮৯০১ ৮৯০১২ ১২৩৪৫ ২৩৪৫৬ *৩৪৫৬৭(রসা,প,গ) ৪৫৬৭৮ ৫৬৭৮৯ ৬৭৮৯০(রসা,জী) ৭৮৯০১ ৮৯০১২ ১২৩৪৫ ২৩৪৫৬ *৩৪৫৬৭(রসা,প,গ) ৪৫৬৭৮ ৫৬৭৮৯ ৬৭৮৯০(রসা,জী) ৭৮৯০১ ৮৯০১২ ১২৩৪৫ ২৩৪৫৬ *৩৪৫৬৭(রসা,প,গ) ৪৫৬৭৮ ৫৬৭৮৯ ৬৭৮৯০(রসা,জী) ৭৮৯০১ ৮৯০১২ ১২৩৪৫ ২৩৪৫৬ *৩৪৫৬৭(রসা,প,গ) ৪৫৬৭৮ ৫৬৭৮৯ ৬৭৮৯০(রসা,জী) ৭৮৯০১ ৮৯০১২ ১২৩৪৫ ২৩৪৫৬ *৩৪৫৬৭(রসা,প,গ) ৪৫৬৭৮ ৫৬৭৮৯ ৬৭৮৯০(রসা,জী) ৭৮৯০১ ৮৯০১২ ১২৩৪৫ ২৩৪৫৬ *৩৪৫৬৭(রসা,প,গ) ৪৫৬৭৮ ৫৬৭৮৯ ৬৭৮৯০(রসা,জী) ৭৮৯০১ ৮৯০১২ ১২৩৪৫ ২৩৪৫৬ *৩৪৫৬৭(রসা,প,গ) ৪৫৬৭৮ ৫৬৭৮৯ ৬৭৮৯০(রসা,জী) ৭৮৯০১ ৮৯০১২ ১২৩৪৫ ২৩৪৫৬ *৩৪৫৬৭(রসা,প,গ) ৪৫৬৭৮ ৫৬৭৮৯ ৬৭৮৯০(রসা,জী) ৭৮৯০১ ৮৯০১২ ১২৩৪৫ ২৩৪৫৬ *৩৪৫৬৭(রসা,প,গ) ৪৫৬৭৮ ৫৬৭৮৯ ৬৭৮৯০(রসা,জী) ৭৮৯০১ ৮৯০১২ ১২৩৪৫ ২৩৪৫৬ *৩৪৫৬৭(রসা,প,গ) ৪৫৬৭৮ ৫৬৭৮৯ ৬৭৮৯০(রসা,জী) ৭৮৯০১ ৮৯০১২ ১২৩৪৫ ২৩৪৫৬ *৩৪৫৬৭(রসা,প,গ) ৪৫৬৭৮ ৫৬৭৮৯ ৬৭৮৯০(রসা,জী) ৭৮৯০১ ৮৯০১২ ১২৩৪৫ ২৩৪৫৬ *৩৪৫৬৭(রসা,প,গ) ৪৫৬৭৮ ৫৬৭৮৯ ৬৭৮৯০(রসা,জী) ৭৮৯০১ ৮৯০১২ ১২৩৪৫ ২৩৪৫৬ *৩৪৫৬৭(রসা,প,গ) ৪৫৬৭৮ ৫৬৭৮৯ ৬৭৮৯০(রসা,জী) ৭৮৯০১ ৮৯০১২ ১২৩৪৫ ২৩৪৫৬ *৩৪৫৬৭(রসা,প,গ) ৪৫৬৭৮ ৫৬৭৮৯ ৬৭৮৯০(রসা,জী) ৭৮৯০১ ৮৯০১২ ১২৩৪৫ ২৩৪৫৬ *৩৪৫৬৭(রসা,প,গ) ৪৫৬৭৮ ৫৬৭৮৯ ৬৭৮৯০(রসা,জী) ৭৮৯০১ ৮৯০১২ ১২৩৪৫ ২৩৪৫৬ *৩৪৫৬৭(রসা,প,গ) ৪৫৬৭৮ ৫৬৭৮৯ ৬৭৮৯০(রসা,জী) ৭৮৯০১ ৮৯০১২ ১২৩৪৫ ২৩৪৫৬ *৩৪৫৬৭(রসা,প
নটরডেম কলেজ, ঢাকা
রোল নম্বর ..... মোট ... জন।
১২৩৪৫ ২৩৪৫৬ *৩৪৫৬৭(রসা,প,গ) ৪৫৬৭৮ ৫৬৭৮৯ ৬৭৮৯০(রসা,জী) ৭৮৯০১ ৮৯০১২ ১২৩৪৫ ২৩৪৫৬ *৩৪৫৬৭(রসা,প,গ) ৪৫৬৭৮ ৫৬৭৮৯ ৬৭৮৯০(রসা,জী) ৭৮৯০১ ৮৯০১২ ১২৩৪৫ ২৩৪৫৬ *৩৪৫৬৭(রসা,প,গ) ৪৫৬৭৮ ৫৬৭৮৯ ৬৭৮৯০(রসা,জী) ৭৮৯০১ ৮৯০১২ ১২৩৪৫ ২৩৪৫৬ *৩৪৫৬৭(রসা,প,গ) ৪৫৬৭৮ ৫৬৭৮৯ ৬৭৮৯০(রসা,জী) ৭৮৯০১ ৮৯০১২ ১২৩৪৫ ২৩৪৫৬ *৩৪৫৬৭(রসা,প,গ) ৪৫৬৭৮ ৫৬৭৮৯ ৬৭৮৯০(রসা,জী) ৭৮৯০১ ৮৯০১২ ১২৩৪৫ ২৩৪৫৬ *৩৪৫৬৭(রসা,প,গ) ৪৫৬৭৮ ৫৬৭৮৯ ৬৭৮৯০(রসা,জী) ৭৮৯০১ ৮৯০১২ ১২৩৪৫ ২৩৪৫৬ *৩৪৫৬৭(রসা,প,গ) ৪৫৬৭৮ ৫৬৭৮৯ ৬৭৮৯০(রসা,জী) ৭৮৯০১ ৮৯০১২ ১২৩৪৫ ২৩৪৫৬ *৩৪৫৬৭(রসা,প,গ) ৪৫৬৭৮ ৫৬৭৮৯ ৬৭৮৯০(রসা,জী) ৭৮৯০১ ৮৯০১২ ১২৩৪৫ ২৩৪৫৬ *৩৪৫৬৭(রসা,প,গ) ৪৫৬৭৮ ৫৬৭৮৯ ৬৭৮৯০(রসা,জী) ৭৮৯০১ ৮৯০১২ ১২৩৪৫ ২৩৪৫৬ *৩৪৫৬৭(রসা,প,গ) ৪৫৬৭৮ ৫৬৭৮৯ ৬৭৮৯০(রসা,জী) ৭৮৯০১ ৮৯০১২ ১২৩৪৫ ২৩৪৫৬ *৩৪৫৬৭(রসা,প,গ) ৪৫৬৭৮ ৫৬৭৮৯ ৬৭৮৯০(রসা,জী) ৭৮৯০১ ৮৯০১২ ১২৩৪৫ ২৩৪৫৬ *৩৪৫৬৭(রসা,প,গ) ৪৫৬৭৮ ৫৬৭৮৯ ৬৭৮৯০(রসা,জী) ৭৮৯০১ ৮৯০১২ ১২৩৪৫ ২৩৪৫৬ *৩৪৫৬৭(রসা,প,গ) ৪৫৬৭৮ ৫৬৭৮৯ ৬৭৮৯০(রসা,জী) ৭৮৯০১ ৮৯০১২ ১২৩৪৫ ২৩৪৫৬ *৩৪৫৬৭(রসা,প,গ) ৪৫৬৭৮ ৫৬৭৮৯ ৬৭৮৯০(রসা,জী) ৭৮৯০১ ৮৯০১২ ১২৩৪৫ ২৩৪৫৬ *৩৪৫৬৭(রসা,প,গ) ৪৫৬৭৮ ৫৬৭৮৯ ৬৭৮৯০(রসা,জী) ৭৮৯০১ ৮৯০১২ ১২৩৪৫ ২৩৪৫৬ *৩৪৫৬৭(রসা,প,গ) ৪৫৬৭৮ ৫৬৭৮৯ ৬৭৮৯০(রসা,জী) ৭৮৯০১ ৮৯০১২ ১২৩৪৫ ২৩৪৫৬ *৩৪৫৬৭(রসা,প,গ) ৪৫৬৭৮ ৫৬৭৮৯ ৬৭৮৯০(রসা,জী) ৭৮৯০১ ৮৯০১২ ১২৩৪৫ ২৩৪৫৬ *৩৪৫৬৭(রসা,প,গ) ৪৫৬৭৮ ৫৬৭৮৯ ৬৭৮৯০(রসা,জী) ৭৮৯০১ ৮৯০১২ ১২৩৪৫ ২৩৪৫৬ *৩৪৫৬৭(রসা,প,গ) ৪৫৬৭৮ ৫৬৭৮৯ ৬৭৮৯০(রসা,জী) ৭৮৯০১ ৮৯০১২ ১২৩৪৫ ২৩৪৫৬ *৩৪৫৬৭(রসা,প,গ) ৪৫৬৭৮ ৫৬৭৮৯ ৬৭৮৯০(রসা,জী) ৭৮৯০১ ৮৯০১২ ১২৩৪৫ ২৩৪৫৬ *৩৪৫৬৭(রসা,প,গ) ৪৫৬৭৮ ৫৬৭৮৯ ৬৭৮৯০(রসা,জী) ৭৮৯০১ ৮৯০১২ ১২৩৪৫ ২৩৪৫৬ *৩৪৫৬৭(রসা,প,গ) ৪৫৬৭৮ ৫৬৭৮৯ ৬৭৮৯০(রসা,জী) ৭৮৯০১ ৮৯০১২ ১২৩৪৫ ২৩৪৫৬ *৩৪৫৬৭(রসা,প,গ) ৪৫৬৭৮ ৫৬৭৮৯ ৬৭৮৯০(রসা,জী) ৭৮৯০১ ৮৯০১২ ১২৩৪৫ ২৩৪৫৬ *৩৪৫৬৭(রসা,প,গ) ৪৫৬৭৮ ৫৬৭৮৯ ৬৭৮৯০(রসা,জী) ৭৮৯০১ ৮৯০১২ ১২৩৪৫ ২৩৪৫৬ *৩৪৫৬৭(রসা,প,গ) ৪৫৬৭৮ ৫৬৭৮৯ ৬৭৮৯০(রসা,জী) ৭৮৯০১ ৮৯০১২ ১২৩৪৫ ২৩৪৫৬ *৩৪৫৬৭(রসা,প,গ) ৪৫৬৭৮ ৫৬৭৮৯ ৬৭৮৯০(রসা,জী) ৭৮৯০১ ৮৯০১২ ১২৩৪৫ ২৩৪৫৬ *৩৪৫৬৭(রসা,প,গ) ৪৫৬৭৮ ৫৬৭৮৯ ৬৭৮৯০(রসা,জী) ৭৮৯০১ ৮৯০১২ ১২৩৪৫ ২৩৪৫৬ *৩৪৫৬৭(রসা,প,গ) ৪৫৬৭৮ ৫৬৭৮৯ ৬৭৮৯০(রসা,জী) ৭৮৯০১ ৮৯০১২ ১২৩৪৫ ২৩৪৫৬ *৩৪৫৬৭(রসা,প,গ) ৪৫৬৭৮ ৫৬৭৮৯ ৬৭৮৯০(রসা,জী) ৭৮৯০১ ৮৯০১২ ১২৩৪৫ ২৩৪৫৬ *৩৪৫৬৭(রসা,প,গ) ৪৫৬৭৮ ৫৬৭৮৯ ৬৭৮৯০(রসা,জী) ৭৮৯০১ ৮৯০১২ ১২৩৪৫ ২৩৪৫৬ *৩৪৫৬৭(রসা,প,গ) ৪৫৬৭৮ ৫৬৭৮৯ ৬৭৮৯০(রসা,জী) ৭৮৯০১ ৮৯০১২ ১২৩৪৫ ২৩৪৫৬ *৩৪৫৬৭(রসা,প,গ) ৪৫৬৭৮ ৫৬৭৮৯ ৬৭৮৯০(রসা,জী) ৭৮৯০১ ৮৯০১২ ১২৩৪৫ ২৩৪৫৬ *৩৪৫৬৭(রসা,প,গ) ৪৫৬৭৮ ৫৬৭৮৯ ৬৭৮৯০(রসা,জী) ৭৮৯০১ ৮৯০১২ ১২৩৪৫ ২৩৪৫৬ *৩৪৫৬৭(রসা,প,গ) ৪৫৬৭৮ ৫৬৭৮৯ ৬৭৮৯০(রসা,জী) ৭৮৯০১ ৮৯০১২ ১২৩৪৫ ২৩৪৫৬ *৩৪৫৬৭(রসা,প,গ) ৪৫৬৭৮ ৫৬৭৮৯ ৬৭৮৯০(রসা,জী) ৭৮৯০১ ৮৯০১২ ১২৩৪৫ ২৩৪৫৬ *৩৪৫৬৭(রসা,প,গ) ৪৫৬৭৮ ৫৬৭৮৯ ৬৭৮৯০(রসা,জী) ৭৮৯০১ ৮৯০১২ ১২৩৪৫ ২৩৪৫৬ *৩৪৫৬৭(রসা,প,গ) ৪৫৬৭৮ ৫৬৭৮৯ ৬৭৮৯০(রসা,জী) ৭৮৯০১ ৮৯০১২ ১২৩৪৫ ২৩৪৫৬ *৩৪৫৬৭(রসা,প,গ) ৪৫৬৭৮ ৫৬৭৮৯ ৬৭৮৯০(রসা,জী) ৭৮৯০১ ৮৯০১২ ১২৩৪৫ ২৩৪৫৬ *৩৪৫৬৭(রসা,প,গ) ৪৫৬৭৮ ৫৬৭৮৯ ৬৭৮৯০(রসা,জী) ৭৮৯০১ ৮৯০১২ ১২৩৪৫ ২৩৪৫৬ *৩৪৫৬৭(রসা,প,গ) ৪৫৬৭৮ ৫৬৭৮৯ ৬৭৮৯০(রসা,জী) ৭৮৯০১ ৮৯০১২ ১২৩৪৫ ২৩৪৫৬ *৩৪৫৬৭(রসা,প,গ) ৪৫৬৭৮ ৫৬৭৮৯ ৬৭৮৯০(রসা,জী) ৭৮৯০১ ৮৯০১২ ১২৩৪৫ ২৩৪৫৬ *৩৪৫৬৭(রসা,প,গ) ৪৫৬৭৮ ৫৬৭৮৯ ৬৭৮৯০(রসা,জী) ৭৮৯০১ ৮৯০১২ ১২৩৪৫ ২৩৪৫৬ *৩৪৫৬৭(রসা,প,গ) ৪৫৬৭৮ ৫৬৭৮৯ ৬৭৮৯০(রসা,জী) ৭৮৯০১ ৮৯০১২ ১২৩৪৫ ২৩৪৫৬ *৩৪৫৬৭(রসা,প,গ) ৪৫৬৭৮ ৫৬৭৮৯ ৬৭৮৯০(রসা,জী) ৭৮৯০১ ৮৯০১২ ১২৩৪৫ ২৩৪৫৬ *৩৪৫৬৭(রসা,প,গ) ৪৫৬৭৮ ৫৬৭৮৯ ৬৭৮৯০(রসা,জী) ৭৮৯০১ ৮৯০১২ ১২৩৪৫ ২৩৪৫৬ *৩৪৫৬৭(রসা,প,গ) ৪৫৬৭৮ ৫৬৭৮৯ ৬৭৮৯০(রসা,জী) ৭৮৯০১ ৮৯০১২ ১২৩৪৫ ২৩৪৫৬ *৩৪৫৬৭(রসা,প,গ) ৪৫৬৭৮ ৫৬৭৮৯ ৬৭৮৯০(রসা,জী) ৭৮৯০১ ৮৯০১২ ১২৩৪৫ ২৩৪৫৬ *৩৪৫৬৭(রসা,প,গ) ৪৫৬৭৮ ৫৬৭৮৯ ৬৭৮৯০(রসা,জী) ৭৮৯০১ ৮৯০১২ ১২৩৪৫ ২৩৪৫৬ *৩৪৫৬৭(রসা,প,গ) ৪৫৬৭৮ ৫৬৭৮৯ ৬৭৮৯০(রসা,জী) ৭৮৯০১ ৮৯০১২ ১২৩৪৫ ২৩৪৫৬ *৩৪৫৬৭(রসা,প,গ) ৪৫
ঢাকা সিটি কলেজ
রোল নম্বর ..... মোট ... জন।
১২৩৪৫ ২৩৪৫৬ *৩৪৫৬৭(রসা,প,গ) ৪৫৬৭৮ ৫৬৭৮৯ ৬৭৮৯০(রসা,জী) ৭৮৯০১ ৮৯০১২ ১২৩৪৫ ২৩৪৫৬ *৩৪৫৬৭(রসা,প,গ) ৪৫৬৭৮ ৫৬৭৮৯ ৬৭৮৯০(রসা,জী) ৭৮৯০১ ৮৯০১২ ১২৩৪৫ ২৩৪৫৬ *৩৪৫৬৭(রসা,প,গ) ৪৫৬৭৮ ৫৬৭৮৯ ৬৭৮৯০(রসা,জী) ৭৮৯০১ ৮৯০১২ ১২৩৪৫ ২৩৪৫৬ *৩৪৫৬৭(রসা,প,গ) ৪৫৬৭৮ ৫৬৭৮৯ ৬৭৮৯০(রসা,জী) ৭৮৯০১ ৮৯০১২ ১২৩৪৫ ২৩৪৫৬ *৩৪৫৬৭(রসা,প,গ) ৪৫৬৭৮ ৫৬৭৮৯ ৬৭৮৯০(রসা,জী) ৭৮৯০১ ৮৯০১২ ১২৩৪৫ ২৩৪৫৬ *৩৪৫৬৭(রসা,প,গ) ৪৫৬৭৮ ৫৬৭৮৯ ৬৭৮৯০(রসা,জী) ৭৮৯০১ ৮৯০১২ ১২৩৪৫ ২৩৪৫৬ *৩৪৫৬৭(রসা,প,গ) ৪৫৬৭৮ ৫৬৭৮৯ ৬৭৮৯০(রসা,জী) ৭৮৯০১ ৮৯০১২ ১২৩৪৫ ২৩৪৫৬ *৩৪৫৬৭(রসা,প,গ) ৪৫৬৭৮ ৫৬৭৮৯ ৬৭৮৯০(রসা,জী) ৭৮৯০১ ৮৯০১২ ১২৩৪৫ ২৩৪৫৬ *৩৪৫৬৭(রসা,প,গ) ৪৫৬৭৮ ৫৬৭৮৯ ৬৭৮৯০(রসা,জী) ৭৮৯০১ ৮৯০১২ ১২৩৪৫ ২৩৪৫৬ *৩৪৫৬৭(রসা,প,গ) ৪৫৬৭৮ ৫৬৭৮৯ ৬৭৮৯০(রসা,জী) ৭৮৯০১ ৮৯০১২ ১২৩৪৫ ২৩৪৫৬ *৩৪৫৬৭(রসা,প,গ) ৪৫৬৭৮ ৫৬৭৮৯ ৬৭৮৯০(রসা,জী) ৭৮৯০১ ৮৯০১২ ১২৩৪৫ ২৩৪৫৬ *৩৪৫৬৭(রসা,প,গ) ৪৫৬৭৮ ৫৬৭৮৯ ৬৭৮৯০(রসা,জী) ৭৮৯০১ ৮৯০১২ ১২৩৪৫ ২৩৪৫৬ *৩৪৫৬৭(রসা,প,গ) ৪৫৬৭৮ ৫৬৭৮৯ ৬৭৮৯০(রসা,জী) ৭৮৯০১ ৮৯০১২ ১২৩৪৫ ২৩৪৫৬ *৩৪৫৬৭(রসা,প,গ) ৪৫৬৭৮ ৫৬৭৮৯ ৬৭৮৯০(রসা,জী) ৭৮৯০১ ৮৯০১২ ১২৩৪৫ ২৩৪৫৬ *৩৪৫৬৭(রসা,প,গ) ৪৫৬৭৮ ৫৬৭৮৯ ৬৭৮৯০(রসা,জী) ৭৮৯০১ ৮৯০১২ ১২৩৪৫ ২৩৪৫৬ *৩৪৫৬৭(রসা,প,গ) ৪৫৬৭৮ ৫৬৭৮৯ ৬৭৮৯০(রসা,জী) ৭৮৯০১ ৮৯০১২ ১২৩৪৫ ২৩৪৫৬ *৩৪৫৬৭(রসা,প,গ) ৪৫৬৭৮ ৫৬৭৮৯ ৬৭৮৯০(রসা,জী) ৭৮৯০১ ৮৯০১২ ১২৩৪৫ ২৩৪৫৬ *৩৪৫৬৭(রসা,প,গ) ৪৫
১২৩৪৫ ২৩৪৫৬ *৩৪৫৬৭(রসা,প,গ) ৪৫৬৭৮ ৫৬৭৮৯ ৬৭৮৯০(রসা,জী) ৭৮৯০১ ৮৯০১২ ১২৩৪৫ ২৩৪৫৬ *৩৪৫৬৭(রসা,প,গ) ৪৫৬৭৮ ৫৬৭৮৯ ৬৭৮৯০(রসা,জী) ৭৮৯০১ ৮৯০১২ ১২৩৪৫ ২৩৪৫৬ *৩৪৫৬৭(রসা,প,গ) ৪৫৬৭৮ ৫৬৭৮৯ ৬৭৮৯০(রসা,জী) ৭৮৯০১ ৮৯০১২ ১২৩৪৫ ২৩৪৫৬ *৩৪৫৬৭(রসা,প,গ) ৪৫৬৭৮ ৫৬৭৮৯ ৬৭৮৯০(রসা,জী) ৭৮৯০১ ৮৯০১২ ১২৩৪৫ ২৩৪৫৬ *৩৪৫৬৭(রসা,প,গ) ৪৫৬৭৮ ৫৬৭৮৯ ৬৭৮৯০(রসা,জী) ৭৮৯০১ ৮৯০১২ ১২৩৪৫ ২৩৪৫৬ *৩৪৫৬৭(রসা,প,গ) ৪৫৬৭৮ ৫৬৭৮৯ ৬৭৮৯০(রসা,জী) ৭৮৯০১ ৮৯০১২ ১২৩৪৫ ২৩৪৫৬ *৩৪৫৬৭(রসা,প,গ) ৪৫৬৭৮ ৫৬৭৮৯ ৬৭৮৯০(রসা,জী) ৭৮৯০১ ৮৯০১২ ১২৩৪৫ ২৩৪৫৬ *৩৪৫৬৭(রসা,প,গ) ৪৫৬৭৮ ৫৬৭৮৯ ৬৭৮৯০(রসা,জী) ৭৮৯০১ ৮৯০১২ ১২৩৪৫ ২৩৪৫৬ *৩৪৫৬৭(রসা,প,গ) ৪৫৬৭৮ ৫৬৭৮৯ ৬৭৮৯০(রস
লালমাটিয়া মহিলা কলেজ, ঢাকা
রোল নম্বর ..... মোট ... জন।
১২৩৪৫ ২৩৪৫৬ *৩৪৫৬৭(রসা,প,গ) ৪৫৬৭৮ ৫৬৭৮৯ ৬৭৮৯০(রসা,জী) ৭৮৯০১ ৮৯০১২ ১২৩৪৫ ২৩৪৫৬ *৩৪৫৬৭(রসা,প,গ) ৪৫৬৭৮ ৫৬৭৮৯ ৬৭৮৯০(রসা,জী) ৭৮৯০১ ৮৯০১২ ১২৩৪৫ ২৩৪৫৬ *৩৪৫৬৭(রসা,প,গ) ৪৫৬৭৮ ৫৬৭৮৯ ৬৭৮৯০(রসা,জী) ৭৮৯০১ ৮৯০১২ ১২৩৪৫ ২৩৪৫৬ *৩৪৫৬৭(রসা,প,গ) ৪৫৬৭৮ ৫৬৭৮৯ ৬৭৮৯০(রসা,জী) ৭৮৯০১ ৮৯০১২ ১২৩৪৫ ২৩৪৫৬ *৩৪৫৬৭(রসা,প,গ) ৪৫৬৭৮ ৫৬৭৮৯ ৬৭৮৯০(রসা,জী) ৭৮৯০১ ৮৯০১২ ১২৩৪৫ ২৩৪৫৬ *৩৪৫৬৭(রসা,প,গ) ৪৫৬৭৮ ৫৬৭৮৯ ৬৭৮৯০(রসা,জী) ৭৮৯০১ ৮৯০১২ ১২৩৪৫ ২৩৪৫৬ *৩৪৫৬৭(রসা,প,গ) ৪৫৬৭৮ ৫৬৭৮৯ ৬৭৮৯০(রসা,জী) ৭৮৯০১ ৮৯০১২ ১২৩৪৫ ২৩৪৫৬ *৩৪৫৬৭(রসা,প,গ) ৪৫৬৭৮ ৫৬৭৮৯ ৬৭৮৯০(রসা,জী) ৭৮৯০১ ৮৯০১২ ১২৩৪৫ ২৩৪৫৬ *৩৪৫৬৭(রসা,প,গ) ৪৫৬৭৮ ৫৬৭৮৯ ৬৭৮৯০(রসা,জী) ৭৮৯০১ ৮৯০১২ ১২৩৪৫ ২৩৪৫৬ *৩৪৫৬৭(রসা,প,গ) ৪৫৬৭৮ ৫৬৭৮৯ ৬৭৮৯০(রসা,জী) ৭৮৯০১ ৮৯০১২ ১২৩৪৫ ২৩৪৫৬ *৩৪৫৬৭(রসা,প,গ) ৪৫৬৭৮ ৫৬৭৮৯ ৬৭৮৯০(রসা,জী) ৭৮৯০১ ৮৯০১২ ১২৩৪৫ ২৩৪৫৬ *৩৪৫৬৭(রসা,প,গ) ৪৫৬৭৮ ৫৬৭৮৯ ৬৭৮৯০(রসা,জী) ৭৮৯০১ ৮৯০১২ ১২৩৪৫ ২৩৪৫৬ *৩৪৫৬৭(রসা,প,গ) ৪৫৬৭৮ ৫৬৭৮৯ ৬৭৮৯০(রসা,জী) ৭৮৯০১ ৮৯০১২ ১২৩৪৫ ২৩৪৫৬ *৩৪৫৬৭(রসা,প,গ) ৪৫৬৭৮ ৫৬৭৮৯ ৬৭৮৯০(রসা,জী) ৭৮৯০১ ৮৯০১২ ১২৩৪৫ ২৩৪৫৬ *৩৪৫৬৭(রসা,প,গ) ৪৫৬৭৮ ৫৬৭৮৯ ৬৭৮৯০(রসা,জী) ৭৮৯০১ ৮৯০১২ ১২৩৪৫ ২৩৪৫৬ *৩৪৫৬৭(রসা,প,গ) ৪৫৬৭৮ ৫৬৭৮৯ ৬৭৮৯০(রসা,জী) ৭৮৯০১ ৮৯০১২ ১২৩৪৫ ২৩৪৫৬ *৩৪৫৬৭(রসা,প,গ) ৪৫৬৭৮ ৫৬৭৮৯ ৬৭৮৯০(রসা,জী) ৭৮৯০১ ৮৯০১২ ১২৩৪৫ ২৩৪৫৬ *৩৪৫৬৭(রসা,প,গ) ৪৫৬৭৮ ৫৬৭৮৯ ৬৭৮৯০(রসা,জী) ৭৮৯০১ ৮৯০১২ ১২৩৪৫ ২৩৪৫৬ *৩৪৫৬৭(রসা,প,গ) ৪৫৬৭৮ ৫৬৭৮৯ ৬৭৮৯০(রসা,জী) ৭৮৯০১ ৮৯০১২ ১২৩৪৫ ২৩৪৫৬ *৩৪৫৬৭(রসা,প,গ) ৪৫৬৭৮ ৫৬৭৮৯ ৬৭৮৯০(রসা,জী) ৭৮৯০১ ৮৯০১২ ১২৩৪৫ ২৩৪৫৬ *৩৪৫৬৭(রসা,প,গ) ৪৫৬৭৮ ৫৬৭৮৯ ৬৭৮৯০(রসা,জী) ৭৮৯০১ ৮৯০১২ ১২৩৪৫ ২৩৪৫৬ *৩৪৫৬৭(রসা,প,গ) ৪৫৬৭৮ ৫৬৭৮৯ ৬৭৮৯০(রসা,জী) ৭৮৯০১ ৮৯০১২ ১২৩৪৫ ২৩৪৫৬ *৩৪৫৬৭(রসা,প,গ) ৪৫৬৭৮ ৫৬৭৮৯ ৬৭৮৯০(রসা,জী) ৭৮৯০১ ৮৯০১২ ১২৩৪৫ ২৩৪৫৬ *৩৪৫৬৭(রসা,প,গ) ৪৫৬৭৮ ৫৬৭৮৯ ৬৭৮৯০(রসা,জী) ৭৮৯০১ ৮৯০১২ ১২৩৪৫ ২৩৪৫৬ *৩৪৫৬৭(রসা,প,গ) ৪৫৬৭৮ ৫৬৭৮৯ ৬৭৮৯০(রসা,জী) ৭৮৯০১ ৮৯০১২ ১২৩৪৫ ২৩৪৫৬ *৩৪৫৬৭(রসা,প,গ) ৪৫৬৭৮ ৫৬৭৮৯ ৬৭৮৯০(রসা,জী) ৭৮৯০১ ৮৯০১২ ১২৩৪৫ ২৩৪৫৬ *৩৪৫৬৭(রসা,প,গ) ৪৫৬৭৮ ৫৬৭৮৯ ৬৭৮৯০(রসা,জী) ৭৮৯০১ ৮৯০১২ ১২৩৪৫ ২৩৪৫৬ *৩৪৫৬৭(রসা,প,গ) ৪৫৬৭৮ ৫৬৭৮৯ ৬৭৮৯০(রসা,জী) ৭৮৯০১ ৮৯০১২ ১২৩৪৫ ২৩৪৫৬ *৩৪৫৬৭(রসা,প,গ) ৪৫৬৭৮ ৫৬৭৮৯ ৬৭৮৯০(রসা,জী) ৭৮৯০১ ৮৯০১২ ১২৩৪৫ ২৩৪৫৬ *৩৪৫৬৭(রসা,প,গ) ৪৫৬৭৮ ৫৬৭৮৯ ৬৭৮৯০(রসা,জী) ৭৮৯০১ ৮৯০১২ ১২৩৪৫ ২৩৪৫৬ *৩৪৫৬৭(রসা,প,গ) ৪৫৬৭৮ ৫৬৭৮৯ ৬৭৮৯০(রসা,জী) ৭৮৯০১ ৮৯০১২ ১২৩৪৫ ২৩৪৫৬ *৩৪৫৬৭(রসা,প,গ) ৪৫৬৭৮ ৫৬৭৮৯ ৬৭৮৯০(রসা,জী) ৭৮৯০১ ৮৯০১২ ১২৩৪৫ ২৩৪৫৬ *৩৪৫৬৭(রসা,প,গ) ৪৫৬৭৮ ৫৬৭৮৯ ৬৭৮৯০(রসা,জী) ৭৮৯০১ ৮৯০১২ ১২৩৪৫ ২৩৪৫৬ *৩৪৫৬৭(রসা,প,গ) ৪৫৬৭৮ ৫৬৭৮৯ ৬৭৮৯০(রসা,জী) ৭৮৯০১ ৮৯০১২ ১২৩৪৫ ২৩৪৫৬ *৩৪৫৬৭(রসা,প,গ) ৪৫৬৭৮ ৫৬৭৮৯ ৬৭৮৯০(রসা,জী) ৭৮৯০১ ৮৯০১২ ১২৩৪৫ ২৩৪৫৬ *৩৪৫৬৭(রসা,প,গ) ৪৫৬৭৮ ৫৬৭৮৯ ৬৭৮৯০(রসা,জী) ৭৮৯০১ ৮৯০১২ ১২৩৪৫ ২৩৪৫৬ *৩৪৫৬৭(রসা,প,গ) ৪৫৬৭৮ ৫৬৭৮৯ ৬৭৮৯০(রসা,জী) ৭৮৯০১ ৮৯০১২ ১২৩৪৫ ২৩৪৫৬ *৩৪৫৬৭(রসা,প,গ) ৪৫৬৭৮ ৫৬৭৮৯ ৬৭৮৯০(রসা,জী) ৭৮৯০১ ৮৯০১২ ১২৩৪৫ ২৩৪৫৬ *৩৪৫৬৭(রসা,প,গ) ৪৫৬৭৮ ৫৬৭৮৯ ৬৭৮৯০(রসা,জী) ৭৮৯০১ ৮৯০১২ ১২৩৪৫ ২৩৪৫৬ *৩৪৫৬৭(রসা,প,গ) ৪৫৬৭৮ ৫৬৭৮৯ ৬৭৮৯০(রসা,জী) ৭৮৯০১ ৮৯০১২ ১২৩৪৫ ২৩৪৫৬ *৩৪৫৬৭(রসা,প,গ) ৪৫৬৭৮ ৫৬৭৮৯ ৬৭৮৯০(রসা,জী) ৭৮৯০১ ৮৯০১২ ১২৩৪৫ ২৩৪৫৬ *৩৪৫৬৭(রসা,প,গ) ৪৫৬৭৮ ৫৬৭৮৯ ৬৭৮৯০(রসা,জী) ৭৮৯০১ ৮৯০১২ ১২৩৪৫ ২৩৪৫৬ *৩৪৫৬৭(রসা,প,গ) ৪৫৬৭৮ ৫৬৭৮৯ ৬৭৮৯০(রসা,জী) ৭৮৯০১ ৮৯০১২ ১২৩৪৫ ২৩৪৫৬ *৩৪৫৬৭(রসা,প,গ) ৪৫৬৭৮ ৫৬৭৮৯ ৬৭৮৯০(রসা,জী) ৭৮৯০১ ৮৯০১২ ১২৩৪৫ ২৩৪৫৬ *৩৪৫৬৭(রসা,প,গ) ৪৫৬৭৮ ৫৬৭৮৯ ৬৭৮৯০(রসা,জী) ৭৮৯০১ ৮৯০১২ ১২৩৪৫ ২৩৪৫৬ *৩৪৫৬৭(রসা,প,গ) ৪৫৬৭৮ ৫৬৭৮৯ ৬৭৮৯০(রসা,জী) ৭৮৯০১ ৮৯০১২ ১২৩৪৫ ২৩৪৫৬ *৩৪৫৬৭(রসা,প,গ) ৪৫৬৭৮ ৫৬৭৮৯ ৬৭৮৯০(রসা,জী) ৭৮৯০১ ৮৯০১২ ১২৩৪৫ ২৩৪৫৬ *৩৪৫৬৭(রসা,প,গ) ৪৫৬৭৮ ৫৬৭৮৯ ৬৭৮৯০(রসা,জী) ৭৮৯০১ ৮৯০১২ ১২৩৪৫ ২৩৪৫৬ *৩৪৫৬৭(রসা,প,গ) ৪৫৬৭৮ ৫৬৭৮৯ ৬৭৮৯০(রসা,জী) ৭৮৯০১ ৮৯০১২ ১২৩৪৫ ২৩৪৫৬ *৩৪৫৬৭(রসা,প,গ) ৪৫৬৭৮ ৫৬৭৮৯ ৬৭৮৯০(রসা,জী) ৭৮৯০১ ৮৯০১২ ১২৩৪৫ ২৩৪৫৬ *৩৪৫৬৭(রসা,প,গ) ৪৫৬৭৮ ৫৬৭৮৯ ৬৭৮৯০(রসা,জী) ৭৮৯০১ ৮৯০১২ ১২৩৪৫ ২৩৪৫৬ *৩৪৫৬৭(রসা,প,গ) ৪৫৬৭৮ ৫৬৭৮৯ ৬৭৮৯০(রসা,জী) ৭৮৯০১ ৮৯০১২ ১২৩৪৫ ২৩৪৫৬ *৩৪৫৬৭(রসা,প,গ) ৪৫৬৭৮ ৫৬৭৮৯ ৬৭৮৯০(রসা,জী) ৭৮৯০১ ৮৯০১২ ১২৩৪৫ ২৩৪৫৬ *৩৪৫৬৭(রসা,প,গ) ৪৫৬৭৮ ৫৬৭৮৯ ৬৭৮৯০(রসা,জী) ৭৮৯০১ ৮৯০১২ ১২৩৪৫ ২৩৪৫৬ *৩৪৫৬৭(রসা,প,গ) ৪৫৬৭৮ ৫৬৭৮৯ ৬৭৮৯০(রসা,জী) ৭৮৯০১ ৮৯০১২ ১২৩৪৫ ২৩৪৫৬ *৩৪৫৬৭(রসা,প,গ) ৪৫৬৭৮ ৫৬৭৮৯ ৬৭৮৯০(রসা,জী) ৭৮৯০১ ৮৯০১২ ১২৩৪৫ ২৩৪৫৬ *৩৪৫৬৭(রসা,প,গ) ৪৫৬৭৮ ৫৬৭৮৯ ৬৭৮৯০(রসা,জী) ৭৮৯০১ ৮৯০১২ ১২৩৪৫ ২৩৪৫৬ *৩৪৫৬৭(রসা,প,গ) ৪৫৬৭৮ ৫৬৭৮৯ ৬৭৮৯০(রসা,জী) ৭৮৯০১ ৮৯০১২ ১২৩৪৫ ২৩৪৫৬ *৩৪৫৬৭(রসা,প,গ) ৪৫৬৭৮ ৫৬৭৮৯ ৬৭৮৯০(রসা,জী) ৭৮৯০১ ৮৯০১২ ১২৩৪৫ ২৩৪৫৬ *৩৪৫৬৭(রসা,প,গ) ৪৫৬৭৮ ৫৬৭৮৯ ৬৭৮৯০(রসা,জী) ৭৮৯০১ ৮৯০১২ ১২৩৪৫ ২৩৪৫৬ *৩৪৫৬৭(রসা,প,গ) ৪৫৬৭৮ ৫৬৭৮৯ ৬৭৮৯০(রসা,জী) ৭৮৯০১ ৮৯০১২ ১২৩৪৫ ২৩৪৫৬ *৩৪৫৬৭(রসা,প,গ) ৪৫৬৭৮ ৫৬৭৮৯ ৬৭৮৯০(রসা,জী) ৭৮৯০১ ৮৯০১২ ১২৩৪৫ ২৩৪৫৬ *৩৪৫৬৭(রসা,প,গ) ৪৫৬৭৮ ৫৬৭৮৯ ৬৭৮৯০(রসা,জী) ৭৮৯০১ ৮৯০১২ ১২৩৪৫ ২৩৪৫৬ *৩৪৫৬৭(রসা,প,গ) ৪৫৬৭৮ ৫৬৭৮৯ ৬৭৮৯০(রসা,জী) ৭৮৯০১ ৮৯০১২ ১২৩৪৫ ২৩৪৫৬ *৩৪৫৬৭(রসা,প,গ) ৪৫৬৭৮ ৫৬৭৮৯ ৬৭৮৯০(রসা,জী) ৭৮৯০১ ৮৯০১২ ১২৩৪৫ ২৩৪৫৬ *৩৪৫৬৭(রসা,প,গ) ৪৫৬৭৮ ৫৬৭৮৯ ৬৭৮৯০(রসা,জী) ৭৮৯০১ ৮৯০১২ ১২৩৪৫ ২৩৪৫৬ *৩৪৫৬৭(রসা,প,গ) ৪৫৬৭৮ ৫৬৭৮৯ ৬৭৮৯০(রসা,জী) ৭৮৯০১ ৮৯০১২ ১২৩৪৫ ২৩৪৫৬ *৩৪৫৬৭(রসা,প,গ) ৪৫৬৭৮ ৫৬৭৮৯ ৬৭৮৯০(রসা,জী) ৭৮৯০১ ৮৯০১২ ১২৩৪৫ ২৩৪৫৬ *৩৪৫৬৭(রসা,প,গ) ৪৫৬৭৮ ৫৬৭৮৯ ৬৭৮৯০(রসা,জী) ৭৮৯০১ ৮৯০১২ ১২৩৪৫ ২৩৪৫৬ *৩৪৫৬৭(রসা,প,গ) ৪৫৬৭৮ ৫৬৭৮৯ ৬৭৮৯০(রসা,জী) ৭৮৯০১ ৮৯০১২ ১২৩৪৫ ২৩৪৫৬ *৩৪৫৬৭(রসা,প,গ) ৪৫৬৭৮ ৫৬৭৮৯ ৬৭৮৯০(রসা,জী) ৭৮৯০১ ৮৯০১২ ১২৩৪৫ ২৩৪৫৬ *৩৪৫৬৭(রসা,প,গ) ৪৫৬৭৮ ৫৬৭৮৯ ৬৭৮৯০(রসা,জী) ৭৮৯০১ ৮৯০১২ ১২৩৪৫ ২৩৪৫৬ *৩৪৫৬৭(রসা,প,গ) ৪৫৬৭৮ ৫৬৭৮৯ ৬৭৮৯০(রসা,জী) ৭৮৯০১ ৮৯০১২ ১২৩৪৫ ২৩৪৫৬ *৩৪৫৬৭(রসা,প,গ) ৪৫৬৭৮ ৫৬৭৮৯ ৬৭৮৯০(রসা,জী) ৭৮৯০১ ৮৯০১২ ১২৩৪৫ ২৩৪৫৬ *৩৪৫৬৭(রসা,প,গ) ৪৫৬৭৮ ৫৬৭৮৯ ৬৭৮৯০(রসা,জী) ৭৮৯০১ ৮৯০১২ ১২৩৪৫ ২৩৪৫৬ *৩৪৫৬৭(রসা,প,গ) ৪৫৬৭৮ ৫৬৭৮৯ ৬৭৮৯০(রসা,জী) ৭৮৯০১ ৮৯০১২ ১২৩৪৫ ২৩৪৫৬ *৩৪৫৬৭(রসা,প,গ) ৪৫৬৭৮ ৫৬৭৮৯ ৬৭৮৯০(রসা,জী) ৭৮৯০১ ৮৯০১২ ১২৩৪৫ ২৩৪৫৬ *৩৪৫৬৭(রসা,প,গ) ৪৫৬৭৮ ৫৬৭৮৯ ৬৭৮৯০(রসা,জী) ৭৮৯০১ ৮৯০১২ ১২৩৪৫ ২৩৪৫৬ *৩৪৫৬৭(রসা,প,গ) ৪৫৬৭৮ ৫৬৭৮৯ ৬৭৮৯০(রসা,জী) ৭৮৯০১ ৮৯০১২ ১২৩৪৫ ২৩৪৫৬ *৩৪৫৬৭(রসা,প,গ) ৪৫৬৭৮ ৫৬৭৮৯ ৬৭৮৯০(রসা,জী) ৭৮৯০১ ৮৯০১২ ১২৩৪৫ ২৩৪৫৬ *৩৪৫৬৭(রসা,প,গ) ৪৫৬৭৮ ৫৬৭৮৯ ৬৭৮৯০(রসা,জী) ৭৮৯০১ ৮৯০১২ ১২৩৪৫ ২৩৪৫৬ *৩৪৫৬৭(রসা,প,গ) ৪৫৬৭৮ ৫৬৭৮৯ ৬৭৮৯০(রসা,জী) ৭৮৯০১ ৮৯০১২ ১২৩৪৫ ২৩৪৫৬ *৩৪৫৬৭(রসা,প,গ) ৪৫৬৭৮ ৫৬৭৮৯ ৬৭৮৯০(রসা,জী) ৭৮৯০১ ৮৯০১২ ১২৩৪৫ ২৩৪৫৬ *৩৪৫৬৭(রসা,প,গ) ৪৫৬৭৮ ৫৬৭৮৯ ৬৭৮৯০(রসা,জী) ৭৮৯০১ ৮৯০১২ ১২৩৪৫ ২৩৪৫৬ *৩৪৫৬৭(রসা,প,গ) ৪৫৬৭৮ ৫৬৭৮৯ ৬৭৮৯০(রসা,জী) ৭৮৯০১ ৮৯০১২ ১২৩৪৫ ২৩৪৫৬ *৩৪৫৬৭(রসা,প,গ) ৪৫৬৭৮ ৫৬৭৮৯ ৬৭৮৯০(রসা,জী) ৭৮৯০১ ৮৯০১২ ১২৩৪৫ ২৩৪৫৬ *৩৪৫৬৭(রসা,প,গ) ৪৫৬৭৮ ৫৬৭৮৯ ৬৭৮৯০(রসা,জী) ৭৮৯০১ ৮৯০১২ ১২৩৪৫ ২৩৪৫৬ *৩৪৫৬৭
হলিক্রস কলেজ, ঢাকা
রোল নম্বর ..... মোট ... জন।
১২৩৪৫ ২৩৪৫৬ *৩৪৫৬৭(রসা,প,গ) ৪৫৬৭৮ ৫৬৭৮৯ ৬৭৮৯০(রসা,জী) ৭৮৯০১ ৮৯০১২ ১২৩৪৫ ২৩৪৫৬ *৩৪৫৬৭(রসা,প,গ) ৪৫৬৭৮ ৫৬৭৮৯ ৬৭৮৯০(রসা,জী) ৭৮৯০১ ৮৯০১২ ১২৩৪৫ ২৩৪৫৬ *৩৪৫৬৭(রসা,প,গ) ৪৫৬৭৮ ৫৬৭৮৯ ৬৭৮৯০(রসা,জী) ৭৮৯০১ ৮৯০১২ ১২৩৪৫ ২৩৪৫৬ *৩৪৫৬৭(রসা,প,গ) ৪৫৬৭৮ ৫৬৭৮৯ ৬৭৮৯০(রসা,জী) ৭৮৯০১ ৮৯০১২ ১২৩৪৫ ২৩৪৫৬ *৩৪৫৬৭(রসা,প,গ) ৪৫৬৭৮ ৫৬৭৮৯ ৬৭৮৯০(রসা,জী) ৭৮৯০১ ৮৯০১২ ১২৩৪৫ ২৩৪৫৬ *৩৪৫৬৭(রসা,প,গ) ৪৫৬৭৮ ৫৬৭৮৯ ৬৭৮৯০(রসা,জী) ৭৮৯০১ ৮৯০১২ ১২৩৪৫ ২৩৪৫৬ *৩৪৫৬৭(রসা,প,গ) ৪৫৬৭৮ ৫৬৭৮৯ ৬৭৮৯০(রসা,জী) ৭৮৯০১ ৮৯০১২ ১২৩৪৫ ২৩৪৫৬ *৩৪৫৬৭(রসা,প,গ) ৪৫৬৭৮ ৫৬৭৮৯ ৬৭৮৯০(রসা,জী) ৭৮৯০১ ৮৯০১২ ১২৩৪৫ ২৩৪৫৬ *৩৪৫৬৭(রসা,প,গ) ৪৫৬৭৮ ৫৬৭৮৯ ৬৭৮৯০(রসা,জী) ৭৮৯০১ ৮৯০১২ ১২৩৪৫ ২৩৪৫৬ *৩৪৫৬৭(রসা,প,গ) ৪৫৬৭৮ ৫৬৭৮৯ ৬৭৮৯০(রসা,জী) ৭৮৯০১ ৮৯০১২ ১২৩৪৫ ২৩৪৫৬ *৩৪৫৬৭(রসা,প,গ) ৪৫৬৭৮ ৫৬৭৮৯ ৬৭৮৯০(রসা,জী) ৭৮৯০১ ৮৯০১২ ১২৩৪৫ ২৩৪৫৬ *৩৪৫৬৭(রসা,প,গ) ৪৫৬৭৮ ৫৬৭৮৯ ৬৭৮৯০(রসা,জী) ৭৮৯০১ ৮৯০১২ ১২৩৪৫ ২৩৪৫৬ *৩৪৫৬৭(রসা,প,গ) ৪৫৬৭৮ ৫৬৭৮৯ ৬৭৮৯০(রসা,জী) ৭৮৯০১ ৮৯০১২ ১২৩৪৫ ২৩৪৫৬ *৩৪৫৬৭(রসা,প,গ) ৪৫৬৭৮ ৫৬৭৮৯ ৬৭৮৯০(রসা,জী) ৭৮৯০১ ৮৯০১২ ১২৩৪৫ ২৩৪৫৬ *৩৪৫৬৭(রসা,প,গ) ৪৫৬৭৮ ৫৬৭৮৯ ৬৭৮৯০(রসা,জী) ৭৮৯০১ ৮৯০১২ ১২৩৪৫ ২৩৪৫৬ *৩৪৫৬৭(রসা,প,গ) ৪৫৬৭৮ ৫৬৭৮৯ ৬৭৮৯০(রসা,জী) ৭৮৯০১ ৮৯০১২ ১২৩৪৫ ২৩৪৫৬ *৩৪৫৬৭(রসা,প,গ) ৪৫৬৭৮ ৫৬৭৮৯ ৬৭৮৯০(রসা,জী) ৭৮৯০১ ৮৯০১২ ১২৩৪৫ ২৩৪৫৬ *৩৪৫৬৭(রসা,প,গ) ৪৫৬৭৮ ৫৬৭৮৯ ৬৭৮৯০(রসা,জী) ৭৮৯০১ ৮৯০১২ ১২৩৪৫ ২৩৪৫৬ *৩৪৫৬৭(রসা,প,গ) ৪৫৬৭৮ ৫৬৭৮৯ ৬৭৮৯০(রসা,জী) ৭৮৯০১ ৮৯০১২ ১২৩৪৫ ২৩৪৫৬ *৩৪৫৬৭(রসা,প,গ) ৪৫৬৭৮ ৫৬৭৮৯ ৬৭৮৯০(রসা,জী) ৭৮৯০১ ৮৯০১২ ১২৩৪৫ ২৩৪৫৬ *৩৪৫৬৭(রসা,প,গ) ৪৫৬৭৮ ৫৬৭৮৯ ৬৭৮৯০(রসা,জী) ৭৮৯০১ ৮৯০১২ ১২৩৪৫ ২৩৪৫৬ *৩৪৫৬৭(রসা,প,গ) ৪৫৬৭৮ ৫৬৭৮৯ ৬৭৮৯০(রসা,জী) ৭৮৯০১ ৮৯০১২ ১২৩৪৫ ২৩৪৫৬ *৩৪৫৬৭(রসা,প,গ) ৪৫৬৭৮ ৫৬৭৮৯ ৬৭৮৯০(রসা,জী) ৭৮৯০১ ৮৯০১২ ১২৩৪৫ ২৩৪৫৬ *৩৪৫৬৭(রসা,প,গ) ৪৫৬৭৮ ৫৬৭৮৯ ৬৭৮৯০(রসা,জী) ৭৮৯০১ ৮৯০১২ ১২৩৪৫ ২৩৪৫৬ *৩৪৫৬৭(রসা,প,গ) ৪৫৬৭৮ ৫৬৭৮৯ ৬৭৮৯০(রসা,জী) ৭৮৯০১ ৮৯০১২ ১২৩৪৫ ২৩৪৫৬ *৩৪৫৬৭(রসা,প,গ) ৪৫৬৭৮ ৫৬৭৮৯ ৬৭৮৯০(রসা,জী) ৭৮৯০১ ৮৯০১২ ১২৩৪৫ ২৩৪৫৬ *৩৪৫৬৭(রসা,প,গ) ৪৫৬৭৮ ৫৬৭৮৯ ৬৭৮৯০(রসা,জী) ৭৮৯০১ ৮৯০১২ ১২৩৪৫ ২৩৪৫৬ *৩৪৫৬৭(রসা,প,গ) ৪৫৬৭৮ ৫৬৭৮৯ ৬৭৮৯০(রসা,জী) ৭৮৯০১ ৮৯০১২ ১২৩৪৫ ২৩৪৫৬ *৩৪৫৬৭(রসা,প,গ) ৪৫৬৭৮ ৫৬৭৮৯ ৬৭৮৯০(রসা,জী) ৭৮৯০১ ৮৯০১২ ১২৩৪৫ ২৩৪৫৬ *৩৪৫৬৭(রসা,প,গ) ৪৫৬৭৮ ৫৬৭৮৯ ৬৭৮৯০(রসা,জী) ৭৮৯০১ ৮৯০১২ ১২৩৪৫ ২৩৪৫৬ *৩৪৫৬৭(রসা,প,গ) ৪৫৬৭৮ ৫৬৭৮৯ ৬৭৮৯০(রসা,জী) ৭৮৯০১ ৮৯০১২ ১২৩৪৫ ২৩৪৫৬ *৩৪৫৬৭(রসা,প,গ) ৪৫৬৭৮ ৫৬৭৮৯ ৬৭৮৯০(রসা,জী) ৭৮৯০১ ৮৯০১২
ভিকারুননেসা নুন কলেজ, ঢাকা
রোল নম্বর ..... মোট ... জন।
১২৩৪৫ ২৩৪৫৬ *৩৪৫৬৭(রসা,প,গ) ৪৫৬৭৮ ৫৬৭৮৯ ৬৭৮৯০(রসা,জী) ৭৮৯০১ ৮৯০১২ ১২৩৪৫ ২৩৪৫৬ *৩৪৫৬৭(রসা,প,গ) ৪৫৬৭৮ ৫৬৭৮৯ ৬৭৮৯০(রসা,জী) ৭৮৯০১ ৮৯০১২ ১২৩৪৫ ২৩৪৫৬ *৩৪৫৬৭(রসা,প,গ) ৪৫৬৭৮ ৫৬৭৮৯ ৬৭৮৯০(রসা,জী) ৭৮৯০১ ৮৯০১২ ১২৩৪৫ ২৩৪৫৬ *৩৪৫৬৭(রসা,প,গ) ৪৫৬৭৮ ৫৬৭৮৯ ৬৭৮৯০(রসা,জী) ৭৮৯০১ ৮৯০১২ ১২৩৪৫ ২৩৪৫৬ *৩৪৫৬৭(রসা,প,গ) ৪৫৬৭৮ ৫৬৭৮৯ ৬৭৮৯০(রসা,জী) ৭৮৯০১ ৮৯০১২ ১২৩৪৫ ২৩৪৫৬ *৩৪৫৬৭(রসা,প,গ) ৪৫৬৭৮ ৫৬৭৮৯ ৬৭৮৯০(রসা,জী) ৭৮৯০১ ৮৯০১২ ১২৩৪৫ ২৩৪৫৬ *৩৪৫৬৭(রসা,প,গ) ৪৫৬৭৮ ৫৬৭৮৯ ৬৭৮৯০(রসা,জী) ৭৮৯০১ ৮৯০১২ ১২৩৪৫ ২৩৪৫৬ *৩৪৫৬৭(রসা,প,গ) ৪৫৬৭৮ ৫৬৭৮৯ ৬৭৮৯০(রসা,জী) ৭৮৯০১ ৮৯০১২ ১২৩৪৫ ২৩৪৫৬ *৩৪৫৬৭(রসা,প,গ) ৪৫৬৭৮ ৫৬৭৮৯ ৬৭৮৯০(রসা,জী) ৭৮৯০১ ৮৯০১২ ১২৩৪৫ ২৩৪৫৬ *৩৪৫৬৭(রসা,প,গ) ৪৫৬৭৮ ৫৬৭৮৯ ৬৭৮৯০(রসা,জী) ৭৮৯০১ ৮৯০১২ ১২৩৪৫ ২৩৪৫৬ *৩৪৫৬৭(রসা,প,গ) ৪৫৬৭৮ ৫৬৭৮৯ ৬৭৮৯০(রসা,জী) ৭৮৯০১ ৮৯০১২ ১২৩৪৫ ২৩৪৫৬ *৩৪৫৬৭(রসা,প,গ) ৪৫৬৭৮ ৫৬৭৮৯ ৬৭৮৯০(রসা,জী) ৭৮৯০১ ৮৯০১২ ১২৩৪৫ ২৩৪৫৬ *৩৪৫৬৭(রসা,প,গ) ৪৫৬৭৮ ৫৬৭৮৯ ৬৭৮৯০(রসা,জী) ৭৮৯০১ ৮৯০১২ ১২৩৪৫ ২৩৪৫৬ *৩৪৫৬৭(রসা,প,গ) ৪৫৬৭৮ ৫৬৭৮৯ ৬৭৮৯০(রসা,জী) ৭৮৯০১ ৮৯০১২ ১২৩৪৫ ২৩৪৫৬ *৩৪৫৬৭(রসা,প,গ) ৪৫৬৭৮ ৫৬৭৮৯ ৬৭৮৯০(রসা,জী) ৭৮৯০১ ৮৯০১২ ১২৩৪৫ ২৩৪৫৬ *৩৪৫৬৭(রসা,প,গ) ৪৫৬৭৮ ৫৬৭৮৯ ৬৭৮৯০(রসা,জী) ৭৮৯০১ ৮৯০১২ ১২৩৪৫ ২৩৪৫৬ *৩৪৫৬৭(রসা,প,গ) ৪৫৬৭৮ ৫৬৭৮৯ ৬৭৮৯০(রসা,জী) ৭৮৯০১ ৮৯০১২ ১২৩৪৫ ২৩৪৫৬ *৩৪৫৬৭(রসা,প,গ) ৪৫৬৭৮ ৫৬৭৮৯ ৬৭৮৯০(রসা,জী) ৭৮৯০১ ৮৯০১২ ১২৩৪৫ ২৩৪৫৬ *৩৪৫৬৭(রসা,প,গ) ৪৫৬৭৮ ৫৬৭৮৯ ৬৭৮৯০(রসা,জী) ৭৮৯০১ ৮৯০১২ ১২৩৪৫ ২৩৪৫৬ *৩৪৫৬৭(রসা,প,গ) ৪৫৬৭৮ ৫৬৭৮৯ ৬৭৮৯০(রসা,জী) ৭৮৯০১ ৮৯০১২ ১২৩৪৫ ২৩৪৫৬ *৩৪৫৬৭(রসা,প,গ) ৪৫৬৭৮ ৫৬৭৮৯ ৬৭৮৯০(রসা,জী) ৭৮৯০১ ৮৯০১২ ১২৩৪৫ ২৩৪৫৬ *৩৪৫৬৭(রসা,প,গ) ৪৫৬৭৮ ৫৬৭৮৯ ৬৭৮৯০(রসা,জী) ৭৮৯০১ ৮৯০১২ ১২৩৪৫ ২৩৪৫৬ *৩৪৫৬৭(রসা,প,গ) ৪৫৬৭৮ ৫৬৭৮৯ ৬৭৮৯০(রসা,জী) ৭৮৯০১ ৮৯০১২ ১২৩৪৫ ২৩৪৫৬ *৩৪৫৬৭(রসা,প,গ) ৪৫৬৭৮ ৫৬৭৮৯ ৬৭৮৯০(রসা,জী) ৭৮৯০১ ৮৯০১২ ১২৩৪৫ ২৩৪৫৬ *৩৪৫৬৭(রসা,প,গ) ৪৫৬৭৮ ৫৬৭৮৯ ৬৭৮৯০(রসা,জী) ৭৮৯০১ ৮৯০১২ ১২৩৪৫ ২৩৪৫৬ *৩৪৫৬৭(রসা,প,গ) ৪৫৬৭৮ ৫৬৭৮৯ ৬৭৮৯০(রসা,জী) ৭৮৯০১ ৮৯০১২ ১২৩৪৫ ২৩৪৫৬ *৩৪৫৬৭(রসা,প,গ) ৪৫৬৭৮ ৫৬৭৮৯ ৬৭৮৯০(রসা,জী) ৭৮৯০১ ৮৯০১২ ১২৩৪৫ ২৩৪৫৬ *৩৪৫৬৭(রসা,প,গ) ৪৫৬৭৮ ৫৬৭৮৯ ৬৭৮৯০(রসা,জী) ৭৮৯০১ ৮৯০১২ ১২৩৪৫ ২৩৪৫৬ *৩৪৫৬৭(রসা,প,গ) ৪৫৬৭৮ ৫৬৭৮৯ ৬৭৮৯০(রসা,জী) ৭৮৯০১ ৮৯০১২ ১২৩৪৫ ২৩৪৫৬ *৩৪৫৬৭(রসা,প,গ) ৪৫৬৭৮ ৫৬৭৮৯ ৬৭৮৯০(রসা,জী) ৭৮৯০১ ৮৯০১২ ১২৩৪৫ ২৩৪৫৬ *৩৪৫৬৭(রসা,প,গ) ৪৫৬৭৮ ৫৬৭৮৯ ৬৭৮৯০(রসা,জী) ৭৮৯০১ ৮৯০১২ ১২৩৪৫ ২৩৪৫৬ *৩৪৫৬৭(রসা,প,গ) ৪৫৬৭৮ ৫৬৭৮৯ ৬৭৮৯০(রসা,জী) ৭৮৯০১ ৮৯০১২ ১২৩৪৫ ২৩৪৫৬ *৩৪৫৬৭(রসা,প,গ) ৪৫৬৭৮ ৫৬৭৮৯ ৬৭৮৯০(রসা,জী) ৭৮৯০১ ৮৯০১২ ১২৩৪৫ ২৩৪৫৬ *৩৪৫৬৭(রসা,প,গ) ৪৫৬৭৮ ৫৬৭৮৯ ৬৭৮৯০(রসা,জী) ৭৮৯০১ ৮৯০১২ ১২৩৪৫ ২৩৪৫৬ *৩৪৫৬৭(রসা,প,গ) ৪৫৬৭৮ ৫৬৭৮৯ ৬৭৮৯০(রসা,জী) ৭৮৯০১ ৮৯০১২ ১২৩৪৫ ২৩৪৫৬ *৩৪৫৬৭(রসা,প,গ) ৪৫৬৭৮ ৫৬৭৮৯ ৬৭৮৯০(রসা,জী) ৭৮৯০১ ৮৯০১২ ১২৩৪৫ ২৩৪৫৬ *৩৪৫৬৭(রসা,প,গ) ৪৫৬৭৮ ৫৬৭৮৯ ৬৭৮৯০(রসা,জী) ৭৮৯০১ ৮৯০১২ ১২৩৪৫ ২৩৪৫৬ *৩৪৫৬৭(রসা,প,গ) ৪৫৬৭৮ ৫৬৭৮৯ ৬৭৮৯০(রসা,জী) ৭৮৯০১ ৮৯০১২ ১২৩৪৫ ২৩৪৫৬ *৩৪৫৬৭(রসা,প,গ) ৪৫৬৭৮ ৫৬৭৮৯ ৬৭৮৯০(রসা,জী) ৭৮৯০১ ৮৯০১২ ১২৩৪৫ ২৩৪৫৬ *৩৪৫৬৭(রসা,প,গ) ৪৫৬৭৮ ৫৬৭৮৯ ৬৭৮৯০(রসা,জী) ৭৮৯০১ ৮৯০১২ ১২৩৪৫ ২৩৪৫৬ *৩৪৫৬৭(রসা,প,গ) ৪৫৬৭৮ ৫৬৭৮৯ ৬৭৮৯০(রসা,জী) ৭৮৯০১ ৮৯০১২ ১২৩৪৫ ২৩৪৫৬ *৩৪৫৬৭(রসা,প,গ) ৪৫৬৭৮ ৫৬৭৮৯ ৬৭৮৯০(রসা,জী) ৭৮৯০১ ৮৯০১২ ১২৩৪৫ ২৩৪৫৬ *৩৪৫৬৭(রসা,প,গ) ৪৫৬৭৮ ৫৬৭৮৯ ৬৭৮৯০(রসা,জী) ৭৮৯০১ ৮৯০১২ ১২৩৪৫ ২৩৪৫৬ *৩৪৫৬৭(রসা,প,গ) ৪৫৬৭৮ ৫৬৭৮৯ ৬৭৮৯০(রসা,জী) ৭৮৯০১ ৮৯০১২ ১২৩৪৫ ২৩৪৫৬ *৩৪৫৬৭(রসা,প,গ) ৪৫৬৭৮ ৫৬৭৮৯ ৬৭৮৯০(রসা,জী) ৭৮৯০১ ৮৯০১২ ১২৩৪৫ ২৩৪৫৬ *৩৪৫৬৭(রসা,প,গ) ৪৫৬৭৮ ৫৬৭৮৯ ৬৭৮৯০(রসা,জী) ৭৮৯০১ ৮৯০১২ ১২৩৪৫ ২৩৪৫৬ *৩৪৫৬৭(রসা,প,গ) ৪৫৬৭৮ ৫৬৭৮৯ ৬৭৮৯০(রসা,জী) ৭৮৯০১ ৮৯০১২ ১২৩৪৫ ২৩৪৫৬ *৩৪৫৬৭(রসা,প,গ) ৪৫৬৭৮ ৫৬৭৮৯ ৬৭৮৯০(রসা,জী) ৭৮৯০১ ৮৯০১২ ১২৩৪৫ ২৩৪৫৬ *৩৪৫৬৭(রসা,প,গ) ৪৫৬৭৮ ৫৬৭৮৯ ৬৭৮৯০(রসা,জী) ৭৮৯০১ ৮৯০১২ ১২৩৪৫ ২৩৪৫৬ *৩৪৫৬৭(রসা,প,গ) ৪৫৬৭৮ ৫৬৭৮৯ ৬৭৮৯০(রসা,জী) ৭৮৯০১ ৮৯০১২ ১২৩৪৫ ২৩৪৫৬ *৩৪৫৬৭(রসা,প,গ) ৪৫৬৭৮ ৫৬৭৮৯ ৬৭৮৯০(রসা,জী) ৭৮৯০১ ৮৯০১২ ১২৩৪৫ ২৩৪৫৬ *৩৪৫৬৭(রসা,প,গ) ৪৫৬৭৮ ৫৬৭৮৯ ৬৭৮৯০(রসা,জী) ৭৮৯০১ ৮৯০১২ ১২৩৪৫ ২৩৪৫৬ *৩৪৫৬৭(রসা,প
আইডিয়াল কলেজ
রোল নম্বর ..... মোট ... জন।
১২৩৪৫ ২৩৪৫৬ *৩৪৫৬৭(রসা,প,গ) ৪৫৬৭৮ ৫৬৭৮৯ ৬৭৮৯০(রসা,জী) ৭৮৯০১ ৮৯০১২ ১২৩৪৫ ২৩৪৫৬ *৩৪৫৬৭(রসা,প,গ) ৪৫৬৭৮ ৫৬৭৮৯ ৬৭৮৯০(রসা,জী) ৭৮৯০১ ৮৯০১২ ১২৩৪৫ ২৩৪৫৬ *৩৪৫৬৭(রসা,প,গ) ৪৫৬৭৮ ৫৬৭৮৯ ৬৭৮৯০(রসা,জী) ৭৮৯০১ ৮৯০১২ ১২৩৪৫ ২৩৪৫৬ *৩৪৫৬৭(রসা,প,গ) ৪৫৬৭৮ ৫৬৭৮৯ ৬৭৮৯০(রসা,জী) ৭৮৯০১ ৮৯০১২ ১২৩৪৫ ২৩৪৫৬ *৩৪৫৬৭(রসা,প,গ) ৪৫৬৭৮ ৫৬৭৮৯ ৬৭৮৯০(রসা,জী) ৭৮৯০১ ৮৯০১২ ১২৩৪৫ ২৩৪৫৬ *৩৪৫৬৭(রসা,প,গ) ৪৫৬৭৮ ৫৬৭৮৯ ৬৭৮৯০(রসা,জী) ৭৮৯০১ ৮৯০১২ ১২৩৪৫ ২৩৪৫৬ *৩৪৫৬৭(রসা,প,গ) ৪৫৬৭৮ ৫৬৭৮৯ ৬৭৮৯০(রসা,জী) ৭৮৯০১ ৮৯০১২ ১২৩৪৫ ২৩৪৫৬ *৩৪৫৬৭(রসা,প,গ) ৪৫৬৭৮ ৫৬৭৮৯ ৬৭৮৯০(রসা,জী) ৭৮৯০১ ৮৯০১২ ১২৩৪৫ ২৩৪৫৬ *৩৪৫৬৭(রসা,প,গ) ৪৫৬৭৮ ৫৬৭৮৯ ৬৭৮৯০(রসা,জী) ৭৮৯০১ ৮৯০১২ ১২৩৪৫ ২৩৪৫৬ *৩৪৫৬৭(রসা,প,গ) ৪৫৬৭৮ ৫৬৭৮৯ ৬৭৮৯০(রসা,জী) ৭৮৯০১ ৮৯০১২ ১২৩৪৫ ২৩৪৫৬ *৩৪৫৬৭(রসা,প,গ) ৪৫৬৭৮ ৫৬৭৮৯ ৬৭৮৯০(রসা,জী) ৭৮৯০১ ৮৯০১২ ১২৩৪৫ ২৩৪৫৬ *৩৪৫৬৭(রসা,প,গ) ৪৫৬৭৮ ৫৬৭৮৯ ৬৭৮৯০(রসা,জী) ৭৮৯০১ ৮৯০১২ ১২৩৪৫ ২৩৪৫৬ *৩৪৫৬৭(রসা,প,গ) ৪৫৬৭৮ ৫৬৭৮৯ ৬৭৮৯০(রসা,জী) ৭৮৯০১ ৮৯০১২ ১২৩৪৫ ২৩৪৫৬ *৩৪৫৬৭(রসা,প,গ) ৪৫৬৭৮ ৫৬৭৮৯ ৬৭৮৯০(রসা,জী) ৭৮৯০১ ৮৯০১২ ১২৩৪৫ ২৩৪৫৬ *৩৪৫৬৭(রসা,প,গ) ৪৫৬৭৮ ৫৬৭৮৯ ৬৭৮৯০(রসা,জী) ৭৮৯০১ ৮৯০১২ ১২৩৪৫ ২৩৪৫৬ *৩৪৫৬৭(রসা,প,গ) ৪৫৬৭৮ ৫৬৭৮৯ ৬৭৮৯০(রসা,জী) ৭৮৯০১ ৮৯০১২ ১২৩৪৫ ২৩৪৫৬ *৩৪৫৬৭(রসা,প,গ) ৪৫৬৭৮ ৫৬৭৮৯ ৬৭৮৯০(রসা,জী) ৭৮৯০১ ৮৯০১২ ১২৩৪৫ ২৩৪৫৬ *৩৪৫৬৭(রসা,প,গ) ৪৫৬৭৮ ৫৬৭৮৯ ৬৭৮৯০(রসা,জী) ৭৮৯০১ ৮৯০১২ ১২৩৪৫ ২৩৪৫৬ *৩৪৫৬৭(রসা,প,গ) ৪৫৬৭৮ ৫৬৭৮৯ ৬৭৮৯০(রসা,জী) ৭৮৯০১ ৮৯০১২ ১২৩৪৫ ২৩৪৫৬ *৩৪৫৬৭(রসা,প,গ) ৪৫৬৭৮ ৫৬৭৮৯ ৬৭৮৯০(রসা,জী) ৭৮৯০১ ৮৯০১২ ১২৩৪৫ ২৩৪৫৬ *৩৪৫৬৭(রসা,প,গ) ৪৫৬৭৮ ৫৬৭৮৯ ৬৭৮৯০(রসা,জী) ৭৮৯০১ ৮৯০১২ ১২৩৪৫ ২৩৪৫৬ *৩৪৫৬৭(রসা,প,গ) ৪৫৬৭৮ ৫৬৭৮৯ ৬৭৮৯০(রসা,জী) ৭৮৯০১ ৮৯০১২ ১২৩৪৫ ২৩৪৫৬ *৩৪৫৬৭(রসা,প,গ) ৪৫৬৭৮ ৫৬৭৮৯ ৬৭৮৯০(রসা,জী) ৭৮৯০১ ৮৯০১২ ১২৩৪৫ ২৩৪৫৬ *৩৪৫৬৭
বি.এ.এফ. শাহীন কলেজ, ঢাকা
রোল নম্বর ..... মোট ... জন।
১২৩৪৫ ২৩৪৫৬ *৩৪৫৬৭(রসা,প,গ) ৪৫৬৭৮ ৫৬৭৮৯ ৬৭৮৯০(রসা,জী) ৭৮৯০১ ৮৯০১২ ১২৩৪৫ ২৩৪৫৬ *৩৪৫৬৭(রসা,প,গ) ৪৫৬৭৮ ৫৬৭৮৯ ৬৭৮৯০(রসা,জী) ৭৮৯০১ ৮৯০১২ ১২৩৪৫ ২৩৪৫৬ *৩৪৫৬৭(রসা,প,গ) ৪৫৬৭৮ ৫৬৭৮৯ ৬৭৮৯০(রসা,জী) ৭৮৯০১ ৮৯০১২ ১২৩৪৫ ২৩৪৫৬ *৩৪৫৬৭(রসা,প,গ) ৪৫৬৭৮ ৫৬৭৮৯ ৬৭৮৯০(রসা,জী) ৭৮৯০১ ৮৯০১২ ১২৩৪৫ ২৩৪৫৬ *৩৪৫৬৭(রসা,প,গ) ৪৫৬৭৮ ৫৬৭৮৯ ৬৭৮৯০(রসা,জী) ৭৮৯০১ ৮৯০১২ ১২৩৪৫ ২৩৪৫৬ *৩৪৫৬৭(রসা,প,গ) ৪৫৬৭৮ ৫৬৭৮৯ ৬৭৮৯০(রসা,জী) ৭৮৯০১ ৮৯০১২ ১২৩৪৫ ২৩৪৫৬ *৩৪৫৬৭(রসা,প,গ) ৪৫৬৭৮ ৫৬৭৮৯ ৬৭৮৯০(রসা,জী) ৭৮৯০১ ৮৯০১২ ১২৩৪৫ ২৩৪৫৬ *৩৪৫৬৭(রসা,প,গ) ৪৫৬৭৮ ৫৬৭৮৯ ৬৭৮৯০(রসা,জী) ৭৮৯০১ ৮৯০১২ ১২৩৪৫ ২৩৪৫৬ *৩৪৫৬৭(রসা,প,গ) ৪৫৬৭৮ ৫৬৭৮৯ ৬৭৮৯০(রসা,জী) ৭৮৯০১ ৮৯০১২ ১২৩৪৫ ২৩৪৫৬ *৩৪৫৬৭(রসা,প,গ) ৪৫৬৭৮ ৫৬৭৮৯ ৬৭৮৯০(রসা,জী) ৭৮৯০১ ৮৯০১২ ১২৩৪৫ ২৩৪৫৬ *৩৪৫৬৭(রসা,প,গ) ৪৫৬৭৮ ৫৬৭৮৯ ৬৭৮৯০(রসা,জী) ৭৮৯০১ ৮৯০১২ ১২৩৪৫ ২৩৪৫৬ *৩৪৫৬৭(রসা,প,গ) ৪৫৬৭৮ ৫৬৭৮৯ ৬৭৮৯০(রসা,জী) ৭৮৯০১ ৮৯০১২ ১২৩৪৫ ২৩৪৫৬ *৩৪৫৬৭(রসা,প,গ) ৪৫৬৭৮ ৫৬৭৮৯ ৬৭৮৯০(রসা,জী) ৭৮৯০১ ৮৯০১২ ১২৩৪৫ ২৩৪৫৬ *৩৪৫৬৭(রসা,প,গ) ৪৫৬৭৮ ৫৬৭৮৯ ৬৭৮৯০(রসা,জী) ৭৮৯০১ ৮৯০১২ ১২৩৪৫ ২৩৪৫৬ *৩৪৫৬৭(রসা,প,গ) ৪৫৬৭৮ ৫৬
বি,এ,এফ, শাহীন কলেজ, ঢাকা
রোল নম্বর ..... মোট ... জন।
১২৩৪৫ ২৩৪৫৬ *৩৪৫৬৭(রসা,প,গ) ৪৫৬৭৮ ৫৬৭৮৯ ৬৭৮৯০(রসা,জী) ৭৮৯০১ ৮৯০১২ ১২৩৪৫ ২৩৪৫৬ *৩৪৫৬৭(রসা,প,গ) ৪৫৬৭৮ ৫৬৭৮৯ ৬৭৮৯০(রসা,জী) ৭৮৯০১ ৮৯০১২ ১২৩৪৫ ২৩৪৫৬ *৩৪৫৬৭(রসা,প,গ) ৪৫৬৭৮ ৫৬৭৮৯ ৬৭৮৯০(রসা,জী) ৭৮৯০১ ৮৯০১২ ১২৩৪৫ ২৩৪৫৬ *৩৪৫৬৭(রসা,প,গ) ৪৫৬৭৮ ৫৬৭৮৯ ৬৭৮৯০(রসা,জী) ৭৮৯০১ ৮৯০১২ ১২৩৪৫ ২৩৪৫৬ *৩৪৫৬৭(রসা,প,গ) ৪৫৬৭৮ ৫৬৭৮৯ ৬৭৮৯০(রসা,জী) ৭৮৯০১ ৮৯০১২ ১২৩৪৫ ২৩৪৫৬ *৩৪৫৬৭(রসা,প,গ) ৪৫৬৭৮ ৫৬৭৮৯ ৬৭৮৯০(রসা,জী) ৭৮৯০১ ৮৯০১২ ১২৩৪৫ ২৩৪৫৬ *৩৪৫৬৭(রসা,প,গ) ৪৫৬৭৮ ৫৬৭৮৯ ৬৭৮৯০(রসা,জী) ৭৮৯০১ ৮৯০১২ ১২৩৪৫ ২৩৪৫৬ *৩৪৫৬৭(রসা,প,গ) ৪৫৬৭৮ ৫৬৭৮৯ ৬৭৮৯০(রসা,জী) ৭৮৯০১ ৮৯০১২ ১২৩৪৫ ২৩৪৫৬ *৩৪৫৬৭(রসা,প,গ) ৪৫৬৭৮ ৫৬৭৮৯ ৬৭৮৯০(রসা,জী) ৭৮৯০১ ৮৯০১২ ১২৩৪৫ ২৩৪৫৬ *৩৪৫৬৭(রসা,প,গ) ৪৫৬৭৮ ৫৬৭৮৯ ৬৭৮৯০(রসা,জী) ৭৮৯০১ ৮৯০১২ ১২৩৪৫ ২৩৪৫৬ *৩৪৫৬৭(রসা,প,গ) ৪৫৬৭৮ ৫৬৭৮৯ ৬৭৮৯০(রসা,জী) ৭৮৯০১ ৮৯০১২ ১২৩৪৫ ২৩৪৫৬ *৩৪৫৬৭(রসা,প,গ) ৪৫৬৭৮ ৫৬৭৮৯ ৬৭৮৯০(রসা,জী) ৭৮৯০১ ৮৯০১২ ১২৩৪৫ ২৩৪৫৬ *৩৪৫৬৭(রসা,প,গ) ৪৫৬৭৮ ৫৬৭৮৯ ৬৭৮৯০(রসা,জী) ৭৮৯০১ ৮৯০১২ ১২৩৪৫ ২৩৪৫৬ *৩৪৫৬৭(রসা,প,গ) ৪৫৬৭৮ ৫৬৭৮৯ ৬৭৮৯০(রসা,জী) ৭৮৯০১ ৮৯০১২ ১২৩৪৫ ২৩৪৫৬ *৩৪৫৬৭(রসা,প,গ) ৪৫৬৭৮ ৫৬
ঢাকা রেসিডেনসিয়াল মডেল কলেজ।
রোল নম্বর ..... মোট ... জন।
১২৩৪৫ ২৩৪৫৬ *৩৪৫৬৭(রসা,প,গ) ৪৫৬৭৮ ৫৬৭৮৯ ৬৭৮৯০(রসা,জী) ৭৮৯০১ ৮৯০১২ ১২৩৪৫ ২৩৪৫৬ *৩৪৫৬৭(রসা,প,গ) ৪৫৬৭৮ ৫৬৭৮৯ ৬৭৮৯০(রসা,জী) ৭৮৯০১ ৮৯০১২ ১২৩৪৫ ২৩৪৫৬ *৩৪৫৬৭(রসা,প,গ) ৪৫৬৭৮ ৫৬৭৮৯ ৬৭৮৯০(রসা,জী) ৭৮৯০১ ৮৯০১২ ১২৩৪৫ ২৩৪৫৬ *৩৪৫৬৭(রসা,প,গ) ৪৫৬৭৮ ৫৬৭৮৯ ৬৭৮৯০(রসা,জী) ৭৮৯০১ ৮৯০১২ ১২৩৪৫ ২৩৪৫৬ *৩৪৫৬৭(রসা,প,গ) ৪৫৬৭৮ ৫৬৭৮৯ ৬৭৮৯০(রসা,জী) ৭৮৯০১ ৮৯০১২ ১২৩৪৫ ২৩৪৫৬ *৩৪৫৬৭(রসা,প,গ) ৪৫৬৭৮ ৫৬৭৮৯ ৬৭৮৯০(রসা,জী) ৭৮৯০১ ৮৯০১২ ১২৩৪৫ ২৩৪৫৬ *৩৪৫৬৭(রসা,প,গ) ৪৫৬৭৮ ৫৬৭৮৯ ৬৭৮৯০(রসা,জী) ৭৮৯০১ ৮৯০১২ ১২৩৪৫ ২৩৪৫৬ *৩৪৫৬৭(রসা,প,গ) ৪৫৬৭৮ ৫৬৭৮৯ ৬৭৮৯০(রসা,জী) ৭৮৯০১ ৮৯০১২ ১২৩৪৫ ২৩৪৫৬ *৩৪৫৬৭(রসা,প,গ) ৪৫৬৭৮ ৫৬৭৮৯ ৬৭৮৯০(রসা,জী) ৭৮৯০১ ৮৯০১২ ১২৩৪৫ ২৩৪৫৬ *৩৪৫৬৭(রসা,প,গ) ৪৫৬৭৮ ৫৬৭৮৯ ৬৭৮৯০(রসা,জী) ৭৮৯০১ ৮৯০১২ ১২৩৪৫ ২৩৪৫৬ *৩৪৫৬৭(রসা,প,গ) ৪৫৬৭৮ ৫৬৭৮৯ ৬৭৮৯০(রসা,জী) ৭৮৯০১ ৮৯০১২ ১২৩৪৫ ২৩৪৫৬ *৩৪৫৬৭(রসা,প,গ) ৪৫৬৭৮ ৫৬৭৮৯ ৬৭
